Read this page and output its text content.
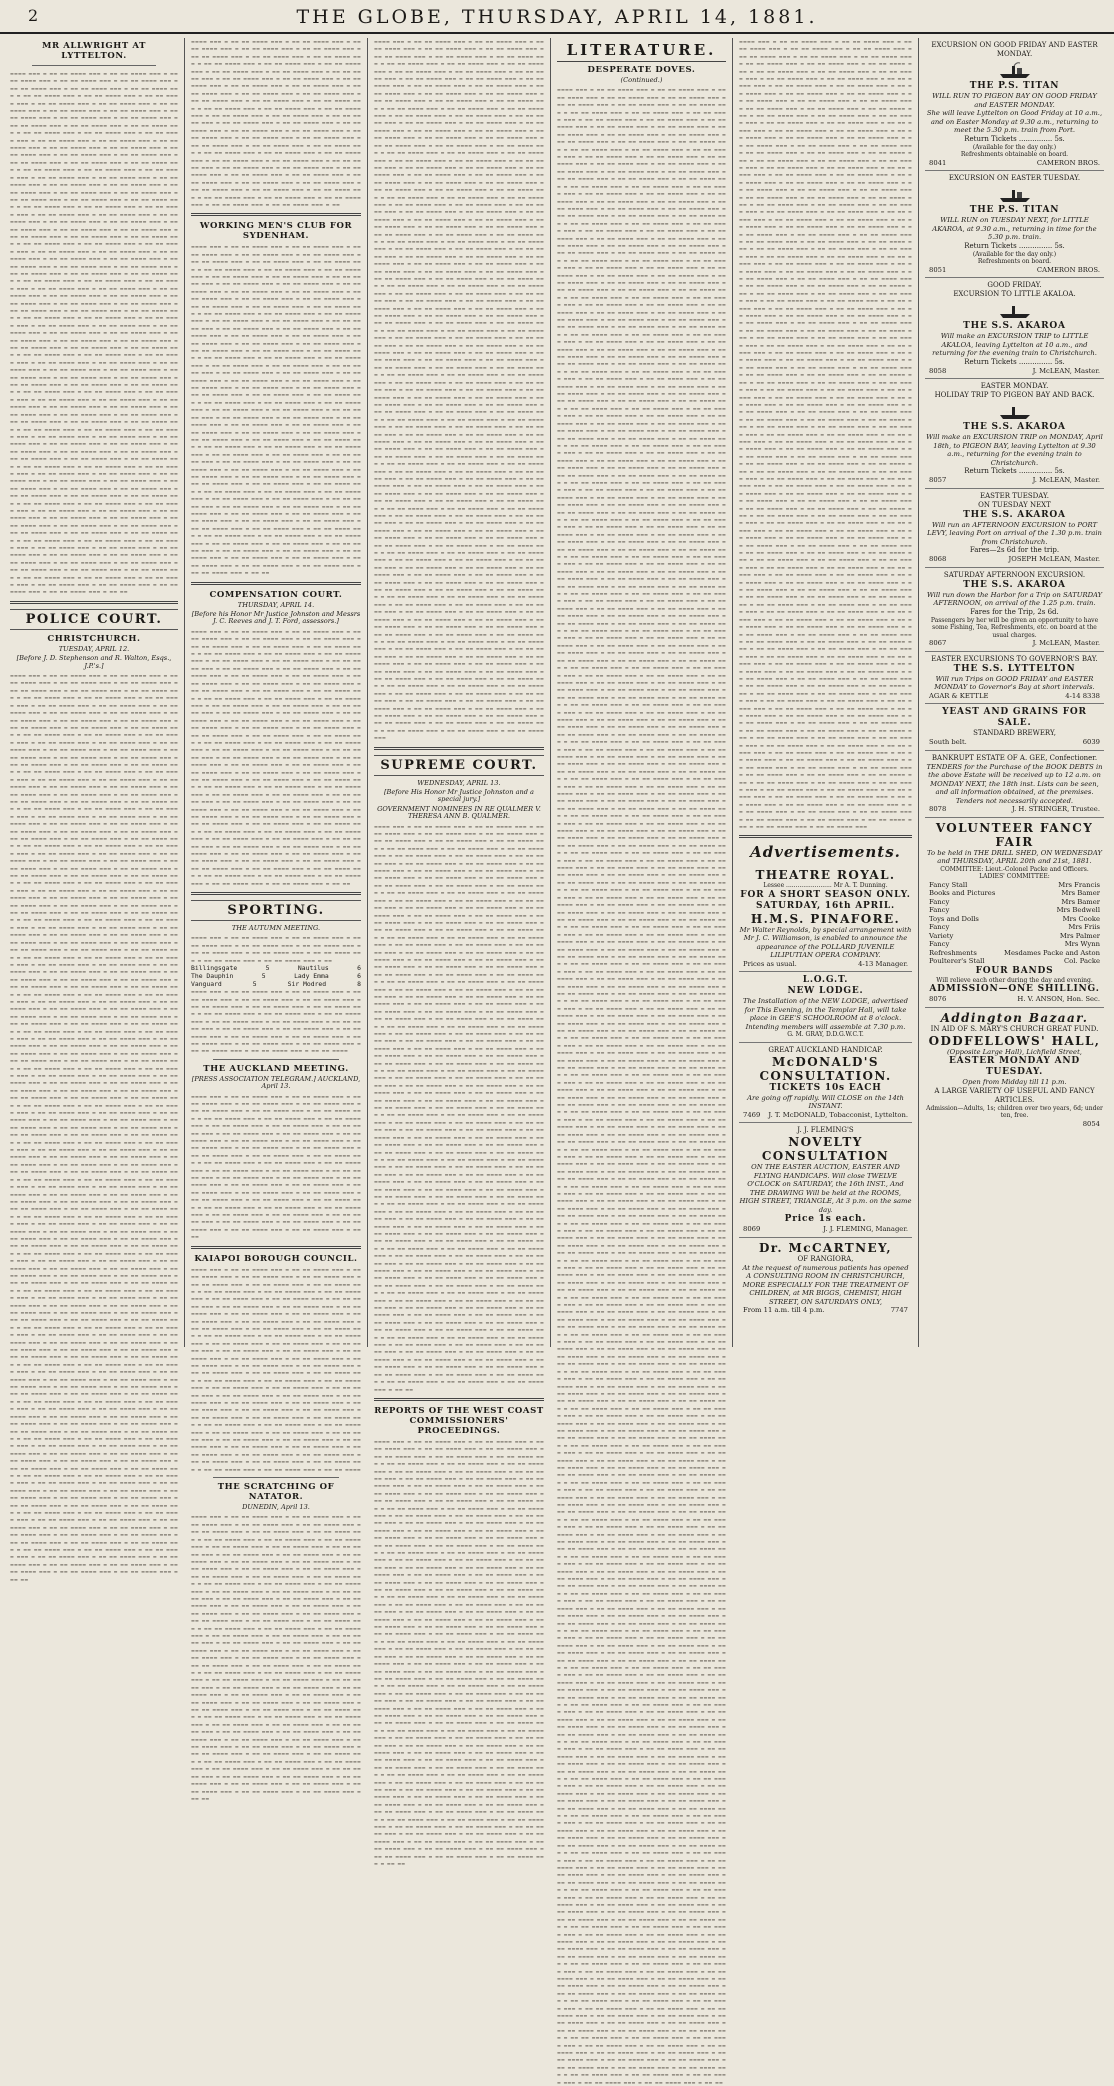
2	THE GLOBE, THURSDAY, APRIL 14, 1881.
MR ALLWRIGHT AT LYTTELTON.
▬▬▬▬ ▬▬▬ ▬ ▬▬ ▬▬ ▬▬▬▬ ▬▬▬ ▬ ▬▬ ▬▬ ▬▬▬▬ ▬▬▬ ▬ ▬▬ ▬▬ ▬▬▬▬ ▬▬▬ ▬ ▬▬ ▬▬ ▬▬▬▬ ▬▬▬ ▬ ▬▬ ▬▬ ▬▬▬▬ ▬▬▬ ▬ ▬▬ ▬▬ ▬▬▬▬ ▬▬▬ ▬ ▬▬ ▬▬ ▬▬▬▬ ▬▬▬ ▬ ▬▬ ▬▬ ▬▬▬▬ ▬▬▬ ▬ ▬▬ ▬▬ ▬▬▬▬ ▬▬▬ ▬ ▬▬ ▬▬ ▬▬▬▬ ▬▬▬ ▬ ▬▬ ▬▬ ▬▬▬▬ ▬▬▬ ▬ ▬▬ ▬▬ ▬▬▬▬ ▬▬▬ ▬ ▬▬ ▬▬ ▬▬▬▬ ▬▬▬ ▬ ▬▬ ▬▬ ▬▬▬▬ ▬▬▬ ▬ ▬▬ ▬▬ ▬▬▬▬ ▬▬▬ ▬ ▬▬ ▬▬ ▬▬▬▬ ▬▬▬ ▬ ▬▬ ▬▬ ▬▬▬▬ ▬▬▬ ▬ ▬▬ ▬▬ ▬▬▬▬ ▬▬▬ ▬ ▬▬ ▬▬ ▬▬▬▬ ▬▬▬ ▬ ▬▬ ▬▬ ▬▬▬▬ ▬▬▬ ▬ ▬▬ ▬▬ ▬▬▬▬ ▬▬▬ ▬ ▬▬ ▬▬ ▬▬▬▬ ▬▬▬ ▬ ▬▬ ▬▬ ▬▬▬▬ ▬▬▬ ▬ ▬▬ ▬▬ ▬▬▬▬ ▬▬▬ ▬ ▬▬ ▬▬ ▬▬▬▬ ▬▬▬ ▬ ▬▬ ▬▬ ▬▬▬▬ ▬▬▬ ▬ ▬▬ ▬▬ ▬▬▬▬ ▬▬▬ ▬ ▬▬ ▬▬ ▬▬▬▬ ▬▬▬ ▬ ▬▬ ▬▬ ▬▬▬▬ ▬▬▬ ▬ ▬▬ ▬▬ ▬▬▬▬ ▬▬▬ ▬ ▬▬ ▬▬ ▬▬▬▬ ▬▬▬ ▬ ▬▬ ▬▬ ▬▬▬▬ ▬▬▬ ▬ ▬▬ ▬▬ ▬▬▬▬ ▬▬▬ ▬ ▬▬ ▬▬ ▬▬▬▬ ▬▬▬ ▬ ▬▬ ▬▬ ▬▬▬▬ ▬▬▬ ▬ ▬▬ ▬▬ ▬▬▬▬ ▬▬▬ ▬ ▬▬ ▬▬ ▬▬▬▬ ▬▬▬ ▬ ▬▬ ▬▬ ▬▬▬▬ ▬▬▬ ▬ ▬▬ ▬▬ ▬▬▬▬ ▬▬▬ ▬ ▬▬ ▬▬ ▬▬▬▬ ▬▬▬ ▬ ▬▬ ▬▬ ▬▬▬▬ ▬▬▬ ▬ ▬▬ ▬▬ ▬▬▬▬ ▬▬▬ ▬ ▬▬ ▬▬ ▬▬▬▬ ▬▬▬ ▬ ▬▬ ▬▬ ▬▬▬▬ ▬▬▬ ▬ ▬▬ ▬▬ ▬▬▬▬ ▬▬▬ ▬ ▬▬ ▬▬ ▬▬▬▬ ▬▬▬ ▬ ▬▬ ▬▬ ▬▬▬▬ ▬▬▬ ▬ ▬▬ ▬▬ ▬▬▬▬ ▬▬▬ ▬ ▬▬ ▬▬ ▬▬▬▬ ▬▬▬ ▬ ▬▬ ▬▬ ▬▬▬▬ ▬▬▬ ▬ ▬▬ ▬▬ ▬▬▬▬ ▬▬▬ ▬ ▬▬ ▬▬ ▬▬▬▬ ▬▬▬ ▬ ▬▬ ▬▬ ▬▬▬▬ ▬▬▬ ▬ ▬▬ ▬▬ ▬▬▬▬ ▬▬▬ ▬ ▬▬ ▬▬ ▬▬▬▬ ▬▬▬ ▬ ▬▬ ▬▬ ▬▬▬▬ ▬▬▬ ▬ ▬▬ ▬▬ ▬▬▬▬ ▬▬▬ ▬ ▬▬ ▬▬ ▬▬▬▬ ▬▬▬ ▬ ▬▬ ▬▬ ▬▬▬▬ ▬▬▬ ▬ ▬▬ ▬▬ ▬▬▬▬ ▬▬▬ ▬ ▬▬ ▬▬ ▬▬▬▬ ▬▬▬ ▬ ▬▬ ▬▬ ▬▬▬▬ ▬▬▬ ▬ ▬▬ ▬▬ ▬▬▬▬ ▬▬▬ ▬ ▬▬ ▬▬ ▬▬▬▬ ▬▬▬ ▬ ▬▬ ▬▬ ▬▬▬▬ ▬▬▬ ▬ ▬▬ ▬▬ ▬▬▬▬ ▬▬▬ ▬ ▬▬ ▬▬ ▬▬▬▬ ▬▬▬ ▬ ▬▬ ▬▬ ▬▬▬▬ ▬▬▬ ▬ ▬▬ ▬▬ ▬▬▬▬ ▬▬▬ ▬ ▬▬ ▬▬ ▬▬▬▬ ▬▬▬ ▬ ▬▬ ▬▬ ▬▬▬▬ ▬▬▬ ▬ ▬▬ ▬▬ ▬▬▬▬ ▬▬▬ ▬ ▬▬ ▬▬ ▬▬▬▬ ▬▬▬ ▬ ▬▬ ▬▬ ▬▬▬▬ ▬▬▬ ▬ ▬▬ ▬▬ ▬▬▬▬ ▬▬▬ ▬ ▬▬ ▬▬ ▬▬▬▬ ▬▬▬ ▬ ▬▬ ▬▬ ▬▬▬▬ ▬▬▬ ▬ ▬▬ ▬▬ ▬▬▬▬ ▬▬▬ ▬ ▬▬ ▬▬ ▬▬▬▬ ▬▬▬ ▬ ▬▬ ▬▬ ▬▬▬▬ ▬▬▬ ▬ ▬▬ ▬▬ ▬▬▬▬ ▬▬▬ ▬ ▬▬ ▬▬ ▬▬▬▬ ▬▬▬ ▬ ▬▬ ▬▬ ▬▬▬▬ ▬▬▬ ▬ ▬▬ ▬▬ ▬▬▬▬ ▬▬▬ ▬ ▬▬ ▬▬ ▬▬▬▬ ▬▬▬ ▬ ▬▬ ▬▬ ▬▬▬▬ ▬▬▬ ▬ ▬▬ ▬▬ ▬▬▬▬ ▬▬▬ ▬ ▬▬ ▬▬ ▬▬▬▬ ▬▬▬ ▬ ▬▬ ▬▬ ▬▬▬▬ ▬▬▬ ▬ ▬▬ ▬▬ ▬▬▬▬ ▬▬▬ ▬ ▬▬ ▬▬ ▬▬▬▬ ▬▬▬ ▬ ▬▬ ▬▬ ▬▬▬▬ ▬▬▬ ▬ ▬▬ ▬▬ ▬▬▬▬ ▬▬▬ ▬ ▬▬ ▬▬ ▬▬▬▬ ▬▬▬ ▬ ▬▬ ▬▬ ▬▬▬▬ ▬▬▬ ▬ ▬▬ ▬▬ ▬▬▬▬ ▬▬▬ ▬ ▬▬ ▬▬ ▬▬▬▬ ▬▬▬ ▬ ▬▬ ▬▬ ▬▬▬▬ ▬▬▬ ▬ ▬▬ ▬▬ ▬▬▬▬ ▬▬▬ ▬ ▬▬ ▬▬ ▬▬▬▬ ▬▬▬ ▬ ▬▬ ▬▬ ▬▬▬▬ ▬▬▬ ▬ ▬▬ ▬▬ ▬▬▬▬ ▬▬▬ ▬ ▬▬ ▬▬ ▬▬▬▬ ▬▬▬ ▬ ▬▬ ▬▬ ▬▬▬▬ ▬▬▬ ▬ ▬▬ ▬▬ ▬▬▬▬ ▬▬▬ ▬ ▬▬ ▬▬ ▬▬▬▬ ▬▬▬ ▬ ▬▬ ▬▬ ▬▬▬▬ ▬▬▬ ▬ ▬▬ ▬▬ ▬▬▬▬ ▬▬▬ ▬ ▬▬ ▬▬ ▬▬▬▬ ▬▬▬ ▬ ▬▬ ▬▬ ▬▬▬▬ ▬▬▬ ▬ ▬▬ ▬▬ ▬▬▬▬ ▬▬▬ ▬ ▬▬ ▬▬ ▬▬▬▬ ▬▬▬ ▬ ▬▬ ▬▬ ▬▬▬▬ ▬▬▬ ▬ ▬▬ ▬▬ ▬▬▬▬ ▬▬▬ ▬ ▬▬ ▬▬ ▬▬▬▬ ▬▬▬ ▬ ▬▬ ▬▬ ▬▬▬▬ ▬▬▬ ▬ ▬▬ ▬▬ ▬▬▬▬ ▬▬▬ ▬ ▬▬ ▬▬ ▬▬▬▬ ▬▬▬ ▬ ▬▬ ▬▬ ▬▬▬▬ ▬▬▬ ▬ ▬▬ ▬▬ ▬▬▬▬ ▬▬▬ ▬ ▬▬ ▬▬ ▬▬▬▬ ▬▬▬ ▬ ▬▬ ▬▬ ▬▬▬▬ ▬▬▬ ▬ ▬▬ ▬▬ ▬▬▬▬ ▬▬▬ ▬ ▬▬ ▬▬ ▬▬▬▬ ▬▬▬ ▬ ▬▬ ▬▬ ▬▬▬▬ ▬▬▬ ▬ ▬▬ ▬▬ ▬▬▬▬ ▬▬▬ ▬ ▬▬ ▬▬ ▬▬▬▬ ▬▬▬ ▬ ▬▬ ▬▬ ▬▬▬▬ ▬▬▬ ▬ ▬▬ ▬▬ ▬▬▬▬ ▬▬▬ ▬ ▬▬ ▬▬ ▬▬▬▬ ▬▬▬ ▬ ▬▬ ▬▬ ▬▬▬▬ ▬▬▬ ▬ ▬▬ ▬▬ ▬▬▬▬ ▬▬▬ ▬ ▬▬ ▬▬ ▬▬▬▬ ▬▬▬ ▬ ▬▬ ▬▬ ▬▬▬▬ ▬▬▬ ▬ ▬▬ ▬▬ ▬▬▬▬ ▬▬▬ ▬ ▬▬ ▬▬ ▬▬▬▬ ▬▬▬ ▬ ▬▬ ▬▬ ▬▬▬▬ ▬▬▬ ▬ ▬▬ ▬▬ ▬▬▬▬ ▬▬▬ ▬ ▬▬ ▬▬ ▬▬▬▬ ▬▬▬ ▬ ▬▬ ▬▬ ▬▬▬▬ ▬▬▬ ▬ ▬▬ ▬▬ ▬▬▬▬ ▬▬▬ ▬ ▬▬ ▬▬ ▬▬▬▬ ▬▬▬ ▬ ▬▬ ▬▬ ▬▬▬▬ ▬▬▬ ▬ ▬▬ ▬▬ ▬▬▬▬ ▬▬▬ ▬ ▬▬ ▬▬ ▬▬▬▬ ▬▬▬ ▬ ▬▬ ▬▬ ▬▬▬▬ ▬▬▬ ▬ ▬▬ ▬▬ ▬▬▬▬ ▬▬▬ ▬ ▬▬ ▬▬ ▬▬▬▬ ▬▬▬ ▬ ▬▬ ▬▬ ▬▬▬▬ ▬▬▬ ▬ ▬▬ ▬▬ ▬▬▬▬ ▬▬▬ ▬ ▬▬ ▬▬ ▬▬▬▬ ▬▬▬ ▬ ▬▬ ▬▬ ▬▬▬▬ ▬▬▬ ▬ ▬▬ ▬▬ ▬▬▬▬ ▬▬▬ ▬ ▬▬ ▬▬ ▬▬▬▬ ▬▬▬ ▬ ▬▬ ▬▬ ▬▬▬▬ ▬▬▬ ▬ ▬▬ ▬▬ ▬▬▬▬ ▬▬▬ ▬ ▬▬ ▬▬ ▬▬▬▬ ▬▬▬ ▬ ▬▬ ▬▬ ▬▬▬▬ ▬▬▬ ▬ ▬▬ ▬▬ ▬▬▬▬ ▬▬▬ ▬ ▬▬ ▬▬ ▬▬▬▬ ▬▬▬ ▬ ▬▬ ▬▬ ▬▬▬▬ ▬▬▬ ▬ ▬▬ ▬▬ ▬▬▬▬ ▬▬▬ ▬ ▬▬ ▬▬ ▬▬▬▬ ▬▬▬ ▬ ▬▬ ▬▬ ▬▬▬▬ ▬▬▬ ▬ ▬▬ ▬▬ ▬▬▬▬ ▬▬▬ ▬ ▬▬ ▬▬ ▬▬▬▬ ▬▬▬ ▬ ▬▬ ▬▬ ▬▬▬▬ ▬▬▬ ▬ ▬▬ ▬▬ ▬▬▬▬ ▬▬▬ ▬ ▬▬ ▬▬ ▬▬▬▬ ▬▬▬ ▬ ▬▬ ▬▬ ▬▬▬▬ ▬▬▬ ▬ ▬▬ ▬▬ ▬▬▬▬ ▬▬▬ ▬ ▬▬ ▬▬ ▬▬▬▬ ▬▬▬ ▬ ▬▬ ▬▬ ▬▬▬▬ ▬▬▬ ▬ ▬▬ ▬▬ ▬▬▬▬ ▬▬▬ ▬ ▬▬ ▬▬ ▬▬▬▬ ▬▬▬ ▬ ▬▬ ▬▬ ▬▬▬▬ ▬▬▬ ▬ ▬▬ ▬▬ ▬▬▬▬ ▬▬▬ ▬ ▬▬ ▬▬ ▬▬▬▬ ▬▬▬ ▬ ▬▬ ▬▬ ▬▬▬▬ ▬▬▬ ▬ ▬▬ ▬▬ ▬▬▬▬ ▬▬▬ ▬ ▬▬ ▬▬ ▬▬▬▬ ▬▬▬ ▬ ▬▬ ▬▬ ▬▬▬▬ ▬▬▬ ▬ ▬▬ ▬▬ ▬▬▬▬ ▬▬▬ ▬ ▬▬ ▬▬ ▬▬▬▬ ▬▬▬ ▬ ▬▬ ▬▬ ▬▬▬▬ ▬▬▬ ▬ ▬▬ ▬▬ ▬▬▬▬ ▬▬▬ ▬ ▬▬ ▬▬ ▬▬▬▬ ▬▬▬ ▬ ▬▬ ▬▬ ▬▬▬▬ ▬▬▬ ▬ ▬▬ ▬▬ ▬▬▬▬ ▬▬▬ ▬ ▬▬ ▬▬ ▬▬▬▬ ▬▬▬ ▬ ▬▬ ▬▬ ▬▬▬▬ ▬▬▬ ▬ ▬▬ ▬▬ ▬▬▬▬ ▬▬▬ ▬ ▬▬ ▬▬ ▬▬▬▬ ▬▬▬ ▬ ▬▬ ▬▬ ▬▬▬▬ ▬▬▬ ▬ ▬▬ ▬▬ ▬▬▬▬ ▬▬▬ ▬ ▬▬ ▬▬ ▬▬▬▬ ▬▬▬ ▬ ▬▬ ▬▬ ▬▬▬▬ ▬▬▬ ▬ ▬▬ ▬▬
POLICE COURT.
CHRISTCHURCH.
TUESDAY, APRIL 12.
[Before J. D. Stephenson and R. Walton, Esqs., J.P.'s.]
▬▬▬▬ ▬▬▬ ▬ ▬▬ ▬▬ ▬▬▬▬ ▬▬▬ ▬ ▬▬ ▬▬ ▬▬▬▬ ▬▬▬ ▬ ▬▬ ▬▬ ▬▬▬▬ ▬▬▬ ▬ ▬▬ ▬▬ ▬▬▬▬ ▬▬▬ ▬ ▬▬ ▬▬ ▬▬▬▬ ▬▬▬ ▬ ▬▬ ▬▬ ▬▬▬▬ ▬▬▬ ▬ ▬▬ ▬▬ ▬▬▬▬ ▬▬▬ ▬ ▬▬ ▬▬ ▬▬▬▬ ▬▬▬ ▬ ▬▬ ▬▬ ▬▬▬▬ ▬▬▬ ▬ ▬▬ ▬▬ ▬▬▬▬ ▬▬▬ ▬ ▬▬ ▬▬ ▬▬▬▬ ▬▬▬ ▬ ▬▬ ▬▬ ▬▬▬▬ ▬▬▬ ▬ ▬▬ ▬▬ ▬▬▬▬ ▬▬▬ ▬ ▬▬ ▬▬ ▬▬▬▬ ▬▬▬ ▬ ▬▬ ▬▬ ▬▬▬▬ ▬▬▬ ▬ ▬▬ ▬▬ ▬▬▬▬ ▬▬▬ ▬ ▬▬ ▬▬ ▬▬▬▬ ▬▬▬ ▬ ▬▬ ▬▬ ▬▬▬▬ ▬▬▬ ▬ ▬▬ ▬▬ ▬▬▬▬ ▬▬▬ ▬ ▬▬ ▬▬ ▬▬▬▬ ▬▬▬ ▬ ▬▬ ▬▬ ▬▬▬▬ ▬▬▬ ▬ ▬▬ ▬▬ ▬▬▬▬ ▬▬▬ ▬ ▬▬ ▬▬ ▬▬▬▬ ▬▬▬ ▬ ▬▬ ▬▬ ▬▬▬▬ ▬▬▬ ▬ ▬▬ ▬▬ ▬▬▬▬ ▬▬▬ ▬ ▬▬ ▬▬ ▬▬▬▬ ▬▬▬ ▬ ▬▬ ▬▬ ▬▬▬▬ ▬▬▬ ▬ ▬▬ ▬▬ ▬▬▬▬ ▬▬▬ ▬ ▬▬ ▬▬ ▬▬▬▬ ▬▬▬ ▬ ▬▬ ▬▬ ▬▬▬▬ ▬▬▬ ▬ ▬▬ ▬▬ ▬▬▬▬ ▬▬▬ ▬ ▬▬ ▬▬ ▬▬▬▬ ▬▬▬ ▬ ▬▬ ▬▬ ▬▬▬▬ ▬▬▬ ▬ ▬▬ ▬▬ ▬▬▬▬ ▬▬▬ ▬ ▬▬ ▬▬ ▬▬▬▬ ▬▬▬ ▬ ▬▬ ▬▬ ▬▬▬▬ ▬▬▬ ▬ ▬▬ ▬▬ ▬▬▬▬ ▬▬▬ ▬ ▬▬ ▬▬ ▬▬▬▬ ▬▬▬ ▬ ▬▬ ▬▬ ▬▬▬▬ ▬▬▬ ▬ ▬▬ ▬▬ ▬▬▬▬ ▬▬▬ ▬ ▬▬ ▬▬ ▬▬▬▬ ▬▬▬ ▬ ▬▬ ▬▬ ▬▬▬▬ ▬▬▬ ▬ ▬▬ ▬▬ ▬▬▬▬ ▬▬▬ ▬ ▬▬ ▬▬ ▬▬▬▬ ▬▬▬ ▬ ▬▬ ▬▬ ▬▬▬▬ ▬▬▬ ▬ ▬▬ ▬▬ ▬▬▬▬ ▬▬▬ ▬ ▬▬ ▬▬ ▬▬▬▬ ▬▬▬ ▬ ▬▬ ▬▬ ▬▬▬▬ ▬▬▬ ▬ ▬▬ ▬▬ ▬▬▬▬ ▬▬▬ ▬ ▬▬ ▬▬ ▬▬▬▬ ▬▬▬ ▬ ▬▬ ▬▬ ▬▬▬▬ ▬▬▬ ▬ ▬▬ ▬▬ ▬▬▬▬ ▬▬▬ ▬ ▬▬ ▬▬ ▬▬▬▬ ▬▬▬ ▬ ▬▬ ▬▬ ▬▬▬▬ ▬▬▬ ▬ ▬▬ ▬▬ ▬▬▬▬ ▬▬▬ ▬ ▬▬ ▬▬ ▬▬▬▬ ▬▬▬ ▬ ▬▬ ▬▬ ▬▬▬▬ ▬▬▬ ▬ ▬▬ ▬▬ ▬▬▬▬ ▬▬▬ ▬ ▬▬ ▬▬ ▬▬▬▬ ▬▬▬ ▬ ▬▬ ▬▬ ▬▬▬▬ ▬▬▬ ▬ ▬▬ ▬▬ ▬▬▬▬ ▬▬▬ ▬ ▬▬ ▬▬ ▬▬▬▬ ▬▬▬ ▬ ▬▬ ▬▬ ▬▬▬▬ ▬▬▬ ▬ ▬▬ ▬▬ ▬▬▬▬ ▬▬▬ ▬ ▬▬ ▬▬ ▬▬▬▬ ▬▬▬ ▬ ▬▬ ▬▬ ▬▬▬▬ ▬▬▬ ▬ ▬▬ ▬▬ ▬▬▬▬ ▬▬▬ ▬ ▬▬ ▬▬ ▬▬▬▬ ▬▬▬ ▬ ▬▬ ▬▬ ▬▬▬▬ ▬▬▬ ▬ ▬▬ ▬▬ ▬▬▬▬ ▬▬▬ ▬ ▬▬ ▬▬ ▬▬▬▬ ▬▬▬ ▬ ▬▬ ▬▬ ▬▬▬▬ ▬▬▬ ▬ ▬▬ ▬▬ ▬▬▬▬ ▬▬▬ ▬ ▬▬ ▬▬ ▬▬▬▬ ▬▬▬ ▬ ▬▬ ▬▬ ▬▬▬▬ ▬▬▬ ▬ ▬▬ ▬▬ ▬▬▬▬ ▬▬▬ ▬ ▬▬ ▬▬ ▬▬▬▬ ▬▬▬ ▬ ▬▬ ▬▬ ▬▬▬▬ ▬▬▬ ▬ ▬▬ ▬▬ ▬▬▬▬ ▬▬▬ ▬ ▬▬ ▬▬ ▬▬▬▬ ▬▬▬ ▬ ▬▬ ▬▬ ▬▬▬▬ ▬▬▬ ▬ ▬▬ ▬▬ ▬▬▬▬ ▬▬▬ ▬ ▬▬ ▬▬ ▬▬▬▬ ▬▬▬ ▬ ▬▬ ▬▬ ▬▬▬▬ ▬▬▬ ▬ ▬▬ ▬▬ ▬▬▬▬ ▬▬▬ ▬ ▬▬ ▬▬ ▬▬▬▬ ▬▬▬ ▬ ▬▬ ▬▬ ▬▬▬▬ ▬▬▬ ▬ ▬▬ ▬▬ ▬▬▬▬ ▬▬▬ ▬ ▬▬ ▬▬ ▬▬▬▬ ▬▬▬ ▬ ▬▬ ▬▬ ▬▬▬▬ ▬▬▬ ▬ ▬▬ ▬▬ ▬▬▬▬ ▬▬▬ ▬ ▬▬ ▬▬ ▬▬▬▬ ▬▬▬ ▬ ▬▬ ▬▬ ▬▬▬▬ ▬▬▬ ▬ ▬▬ ▬▬ ▬▬▬▬ ▬▬▬ ▬ ▬▬ ▬▬ ▬▬▬▬ ▬▬▬ ▬ ▬▬ ▬▬ ▬▬▬▬ ▬▬▬ ▬ ▬▬ ▬▬ ▬▬▬▬ ▬▬▬ ▬ ▬▬ ▬▬ ▬▬▬▬ ▬▬▬ ▬ ▬▬ ▬▬ ▬▬▬▬ ▬▬▬ ▬ ▬▬ ▬▬ ▬▬▬▬ ▬▬▬ ▬ ▬▬ ▬▬ ▬▬▬▬ ▬▬▬ ▬ ▬▬ ▬▬ ▬▬▬▬ ▬▬▬ ▬ ▬▬ ▬▬ ▬▬▬▬ ▬▬▬ ▬ ▬▬ ▬▬ ▬▬▬▬ ▬▬▬ ▬ ▬▬ ▬▬ ▬▬▬▬ ▬▬▬ ▬ ▬▬ ▬▬ ▬▬▬▬ ▬▬▬ ▬ ▬▬ ▬▬ ▬▬▬▬ ▬▬▬ ▬ ▬▬ ▬▬ ▬▬▬▬ ▬▬▬ ▬ ▬▬ ▬▬ ▬▬▬▬ ▬▬▬ ▬ ▬▬ ▬▬ ▬▬▬▬ ▬▬▬ ▬ ▬▬ ▬▬ ▬▬▬▬ ▬▬▬ ▬ ▬▬ ▬▬ ▬▬▬▬ ▬▬▬ ▬ ▬▬ ▬▬ ▬▬▬▬ ▬▬▬ ▬ ▬▬ ▬▬ ▬▬▬▬ ▬▬▬ ▬ ▬▬ ▬▬ ▬▬▬▬ ▬▬▬ ▬ ▬▬ ▬▬ ▬▬▬▬ ▬▬▬ ▬ ▬▬ ▬▬ ▬▬▬▬ ▬▬▬ ▬ ▬▬ ▬▬ ▬▬▬▬ ▬▬▬ ▬ ▬▬ ▬▬ ▬▬▬▬ ▬▬▬ ▬ ▬▬ ▬▬ ▬▬▬▬ ▬▬▬ ▬ ▬▬ ▬▬ ▬▬▬▬ ▬▬▬ ▬ ▬▬ ▬▬ ▬▬▬▬ ▬▬▬ ▬ ▬▬ ▬▬ ▬▬▬▬ ▬▬▬ ▬ ▬▬ ▬▬ ▬▬▬▬ ▬▬▬ ▬ ▬▬ ▬▬ ▬▬▬▬ ▬▬▬ ▬ ▬▬ ▬▬ ▬▬▬▬ ▬▬▬ ▬ ▬▬ ▬▬ ▬▬▬▬ ▬▬▬ ▬ ▬▬ ▬▬ ▬▬▬▬ ▬▬▬ ▬ ▬▬ ▬▬ ▬▬▬▬ ▬▬▬ ▬ ▬▬ ▬▬ ▬▬▬▬ ▬▬▬ ▬ ▬▬ ▬▬ ▬▬▬▬ ▬▬▬ ▬ ▬▬ ▬▬ ▬▬▬▬ ▬▬▬ ▬ ▬▬ ▬▬ ▬▬▬▬ ▬▬▬ ▬ ▬▬ ▬▬ ▬▬▬▬ ▬▬▬ ▬ ▬▬ ▬▬ ▬▬▬▬ ▬▬▬ ▬ ▬▬ ▬▬ ▬▬▬▬ ▬▬▬ ▬ ▬▬ ▬▬ ▬▬▬▬ ▬▬▬ ▬ ▬▬ ▬▬ ▬▬▬▬ ▬▬▬ ▬ ▬▬ ▬▬ ▬▬▬▬ ▬▬▬ ▬ ▬▬ ▬▬ ▬▬▬▬ ▬▬▬ ▬ ▬▬ ▬▬ ▬▬▬▬ ▬▬▬ ▬ ▬▬ ▬▬ ▬▬▬▬ ▬▬▬ ▬ ▬▬ ▬▬ ▬▬▬▬ ▬▬▬ ▬ ▬▬ ▬▬ ▬▬▬▬ ▬▬▬ ▬ ▬▬ ▬▬ ▬▬▬▬ ▬▬▬ ▬ ▬▬ ▬▬ ▬▬▬▬ ▬▬▬ ▬ ▬▬ ▬▬ ▬▬▬▬ ▬▬▬ ▬ ▬▬ ▬▬ ▬▬▬▬ ▬▬▬ ▬ ▬▬ ▬▬ ▬▬▬▬ ▬▬▬ ▬ ▬▬ ▬▬ ▬▬▬▬ ▬▬▬ ▬ ▬▬ ▬▬ ▬▬▬▬ ▬▬▬ ▬ ▬▬ ▬▬ ▬▬▬▬ ▬▬▬ ▬ ▬▬ ▬▬ ▬▬▬▬ ▬▬▬ ▬ ▬▬ ▬▬ ▬▬▬▬ ▬▬▬ ▬ ▬▬ ▬▬ ▬▬▬▬ ▬▬▬ ▬ ▬▬ ▬▬ ▬▬▬▬ ▬▬▬ ▬ ▬▬ ▬▬ ▬▬▬▬ ▬▬▬ ▬ ▬▬ ▬▬ ▬▬▬▬ ▬▬▬ ▬ ▬▬ ▬▬ ▬▬▬▬ ▬▬▬ ▬ ▬▬ ▬▬ ▬▬▬▬ ▬▬▬ ▬ ▬▬ ▬▬ ▬▬▬▬ ▬▬▬ ▬ ▬▬ ▬▬ ▬▬▬▬ ▬▬▬ ▬ ▬▬ ▬▬ ▬▬▬▬ ▬▬▬ ▬ ▬▬ ▬▬ ▬▬▬▬ ▬▬▬ ▬ ▬▬ ▬▬ ▬▬▬▬ ▬▬▬ ▬ ▬▬ ▬▬ ▬▬▬▬ ▬▬▬ ▬ ▬▬ ▬▬ ▬▬▬▬ ▬▬▬ ▬ ▬▬ ▬▬ ▬▬▬▬ ▬▬▬ ▬ ▬▬ ▬▬ ▬▬▬▬ ▬▬▬ ▬ ▬▬ ▬▬ ▬▬▬▬ ▬▬▬ ▬ ▬▬ ▬▬ ▬▬▬▬ ▬▬▬ ▬ ▬▬ ▬▬ ▬▬▬▬ ▬▬▬ ▬ ▬▬ ▬▬ ▬▬▬▬ ▬▬▬ ▬ ▬▬ ▬▬ ▬▬▬▬ ▬▬▬ ▬ ▬▬ ▬▬ ▬▬▬▬ ▬▬▬ ▬ ▬▬ ▬▬ ▬▬▬▬ ▬▬▬ ▬ ▬▬ ▬▬ ▬▬▬▬ ▬▬▬ ▬ ▬▬ ▬▬ ▬▬▬▬ ▬▬▬ ▬ ▬▬ ▬▬ ▬▬▬▬ ▬▬▬ ▬ ▬▬ ▬▬ ▬▬▬▬ ▬▬▬ ▬ ▬▬ ▬▬ ▬▬▬▬ ▬▬▬ ▬ ▬▬ ▬▬ ▬▬▬▬ ▬▬▬ ▬ ▬▬ ▬▬ ▬▬▬▬ ▬▬▬ ▬ ▬▬ ▬▬ ▬▬▬▬ ▬▬▬ ▬ ▬▬ ▬▬ ▬▬▬▬ ▬▬▬ ▬ ▬▬ ▬▬ ▬▬▬▬ ▬▬▬ ▬ ▬▬ ▬▬ ▬▬▬▬ ▬▬▬ ▬ ▬▬ ▬▬ ▬▬▬▬ ▬▬▬ ▬ ▬▬ ▬▬ ▬▬▬▬ ▬▬▬ ▬ ▬▬ ▬▬ ▬▬▬▬ ▬▬▬ ▬ ▬▬ ▬▬ ▬▬▬▬ ▬▬▬ ▬ ▬▬ ▬▬ ▬▬▬▬ ▬▬▬ ▬ ▬▬ ▬▬ ▬▬▬▬ ▬▬▬ ▬ ▬▬ ▬▬ ▬▬▬▬ ▬▬▬ ▬ ▬▬ ▬▬ ▬▬▬▬ ▬▬▬ ▬ ▬▬ ▬▬ ▬▬▬▬ ▬▬▬ ▬ ▬▬ ▬▬ ▬▬▬▬ ▬▬▬ ▬ ▬▬ ▬▬ ▬▬▬▬ ▬▬▬ ▬ ▬▬ ▬▬ ▬▬▬▬ ▬▬▬ ▬ ▬▬ ▬▬ ▬▬▬▬ ▬▬▬ ▬ ▬▬ ▬▬ ▬▬▬▬ ▬▬▬ ▬ ▬▬ ▬▬ ▬▬▬▬ ▬▬▬ ▬ ▬▬ ▬▬ ▬▬▬▬ ▬▬▬ ▬ ▬▬ ▬▬ ▬▬▬▬ ▬▬▬ ▬ ▬▬ ▬▬ ▬▬▬▬ ▬▬▬ ▬ ▬▬ ▬▬ ▬▬▬▬ ▬▬▬ ▬ ▬▬ ▬▬ ▬▬▬▬ ▬▬▬ ▬ ▬▬ ▬▬ ▬▬▬▬ ▬▬▬ ▬ ▬▬ ▬▬ ▬▬▬▬ ▬▬▬ ▬ ▬▬ ▬▬ ▬▬▬▬ ▬▬▬ ▬ ▬▬ ▬▬ ▬▬▬▬ ▬▬▬ ▬ ▬▬ ▬▬ ▬▬▬▬ ▬▬▬ ▬ ▬▬ ▬▬ ▬▬▬▬ ▬▬▬ ▬ ▬▬ ▬▬ ▬▬▬▬ ▬▬▬ ▬ ▬▬ ▬▬ ▬▬▬▬ ▬▬▬ ▬ ▬▬ ▬▬ ▬▬▬▬ ▬▬▬ ▬ ▬▬ ▬▬ ▬▬▬▬ ▬▬▬ ▬ ▬▬ ▬▬ ▬▬▬▬ ▬▬▬ ▬ ▬▬ ▬▬ ▬▬▬▬ ▬▬▬ ▬ ▬▬ ▬▬ ▬▬▬▬ ▬▬▬ ▬ ▬▬ ▬▬ ▬▬▬▬ ▬▬▬ ▬ ▬▬ ▬▬ ▬▬▬▬ ▬▬▬ ▬ ▬▬ ▬▬ ▬▬▬▬ ▬▬▬ ▬ ▬▬ ▬▬ ▬▬▬▬ ▬▬▬ ▬ ▬▬ ▬▬ ▬▬▬▬ ▬▬▬ ▬ ▬▬ ▬▬ ▬▬▬▬ ▬▬▬ ▬ ▬▬ ▬▬ ▬▬▬▬ ▬▬▬ ▬ ▬▬ ▬▬ ▬▬▬▬ ▬▬▬ ▬ ▬▬ ▬▬ ▬▬▬▬ ▬▬▬ ▬ ▬▬ ▬▬ ▬▬▬▬ ▬▬▬ ▬ ▬▬ ▬▬ ▬▬▬▬ ▬▬▬ ▬ ▬▬ ▬▬ ▬▬▬▬ ▬▬▬ ▬ ▬▬ ▬▬ ▬▬▬▬ ▬▬▬ ▬ ▬▬ ▬▬ ▬▬▬▬ ▬▬▬ ▬ ▬▬ ▬▬ ▬▬▬▬ ▬▬▬ ▬ ▬▬ ▬▬ ▬▬▬▬ ▬▬▬ ▬ ▬▬ ▬▬ ▬▬▬▬ ▬▬▬ ▬ ▬▬ ▬▬ ▬▬▬▬ ▬▬▬ ▬ ▬▬ ▬▬ ▬▬▬▬ ▬▬▬ ▬ ▬▬ ▬▬ ▬▬▬▬ ▬▬▬ ▬ ▬▬ ▬▬ ▬▬▬▬ ▬▬▬ ▬ ▬▬ ▬▬ ▬▬▬▬ ▬▬▬ ▬ ▬▬ ▬▬ ▬▬▬▬ ▬▬▬ ▬ ▬▬ ▬▬ ▬▬▬▬ ▬▬▬ ▬ ▬▬ ▬▬ ▬▬▬▬ ▬▬▬ ▬ ▬▬ ▬▬ ▬▬▬▬ ▬▬▬ ▬ ▬▬ ▬▬ ▬▬▬▬ ▬▬▬ ▬ ▬▬ ▬▬ ▬▬▬▬ ▬▬▬ ▬ ▬▬ ▬▬ ▬▬▬▬ ▬▬▬ ▬ ▬▬ ▬▬ ▬▬▬▬ ▬▬▬ ▬ ▬▬ ▬▬ ▬▬▬▬ ▬▬▬ ▬ ▬▬ ▬▬ ▬▬▬▬ ▬▬▬ ▬ ▬▬ ▬▬ ▬▬▬▬ ▬▬▬ ▬ ▬▬ ▬▬ ▬▬▬▬ ▬▬▬ ▬ ▬▬ ▬▬ ▬▬▬▬ ▬▬▬ ▬ ▬▬ ▬▬ ▬▬▬▬ ▬▬▬ ▬ ▬▬ ▬▬ ▬▬▬▬ ▬▬▬ ▬ ▬▬ ▬▬ ▬▬▬▬ ▬▬▬ ▬ ▬▬ ▬▬ ▬▬▬▬ ▬▬▬ ▬ ▬▬ ▬▬ ▬▬▬▬ ▬▬▬ ▬ ▬▬ ▬▬ ▬▬▬▬ ▬▬▬ ▬ ▬▬ ▬▬ ▬▬▬▬ ▬▬▬ ▬ ▬▬ ▬▬ ▬▬▬▬ ▬▬▬ ▬ ▬▬ ▬▬ ▬▬▬▬ ▬▬▬ ▬ ▬▬ ▬▬ ▬▬▬▬ ▬▬▬ ▬ ▬▬ ▬▬ ▬▬▬▬ ▬▬▬ ▬ ▬▬ ▬▬ ▬▬▬▬ ▬▬▬ ▬ ▬▬ ▬▬ ▬▬▬▬ ▬▬▬ ▬ ▬▬ ▬▬ ▬▬▬▬ ▬▬▬ ▬ ▬▬ ▬▬ ▬▬▬▬ ▬▬▬ ▬ ▬▬ ▬▬ ▬▬▬▬ ▬▬▬ ▬ ▬▬ ▬▬ ▬▬▬▬ ▬▬▬ ▬ ▬▬ ▬▬ ▬▬▬▬ ▬▬▬ ▬ ▬▬ ▬▬ ▬▬▬▬ ▬▬▬ ▬ ▬▬ ▬▬ ▬▬▬▬ ▬▬▬ ▬ ▬▬ ▬▬ ▬▬▬▬ ▬▬▬ ▬ ▬▬ ▬▬ ▬▬▬▬ ▬▬▬ ▬ ▬▬ ▬▬ ▬▬▬▬ ▬▬▬ ▬ ▬▬ ▬▬ ▬▬▬▬ ▬▬▬ ▬ ▬▬ ▬▬ ▬▬▬▬ ▬▬▬ ▬ ▬▬ ▬▬ ▬▬▬▬ ▬▬▬ ▬ ▬▬ ▬▬ ▬▬▬▬ ▬▬▬ ▬ ▬▬ ▬▬ ▬▬▬▬ ▬▬▬ ▬ ▬▬ ▬▬ ▬▬▬▬ ▬▬▬ ▬ ▬▬ ▬▬ ▬▬▬▬ ▬▬▬ ▬ ▬▬ ▬▬ ▬▬▬▬ ▬▬▬ ▬ ▬▬ ▬▬ ▬▬▬▬ ▬▬▬ ▬ ▬▬ ▬▬ ▬▬▬▬ ▬▬▬ ▬ ▬▬ ▬▬ ▬▬▬▬ ▬▬▬ ▬ ▬▬ ▬▬ ▬▬▬▬ ▬▬▬ ▬ ▬▬ ▬▬ ▬▬▬▬ ▬▬▬ ▬ ▬▬ ▬▬ ▬▬▬▬ ▬▬▬ ▬ ▬▬ ▬▬ ▬▬▬▬ ▬▬▬ ▬ ▬▬ ▬▬ ▬▬▬▬ ▬▬▬ ▬ ▬▬ ▬▬ ▬▬▬▬ ▬▬▬ ▬ ▬▬ ▬▬ ▬▬▬▬ ▬▬▬ ▬ ▬▬ ▬▬ ▬▬▬▬ ▬▬▬ ▬ ▬▬ ▬▬ ▬▬▬▬ ▬▬▬ ▬ ▬▬ ▬▬ ▬▬▬▬ ▬▬▬ ▬ ▬▬ ▬▬ ▬▬▬▬ ▬▬▬ ▬ ▬▬ ▬▬ ▬▬▬▬ ▬▬▬ ▬ ▬▬ ▬▬ ▬▬▬▬ ▬▬▬ ▬ ▬▬ ▬▬ ▬▬▬▬ ▬▬▬ ▬ ▬▬ ▬▬ ▬▬▬▬ ▬▬▬ ▬ ▬▬ ▬▬ ▬▬▬▬ ▬▬▬ ▬ ▬▬ ▬▬ ▬▬▬▬ ▬▬▬ ▬ ▬▬ ▬▬ ▬▬▬▬ ▬▬▬ ▬ ▬▬ ▬▬ ▬▬▬▬ ▬▬▬ ▬ ▬▬ ▬▬ ▬▬▬▬ ▬▬▬ ▬ ▬▬ ▬▬ ▬▬▬▬ ▬▬▬ ▬ ▬▬ ▬▬ ▬▬▬▬ ▬▬▬ ▬ ▬▬ ▬▬ ▬▬▬▬ ▬▬▬ ▬ ▬▬ ▬▬ ▬▬▬▬ ▬▬▬ ▬ ▬▬ ▬▬ ▬▬▬▬ ▬▬▬ ▬ ▬▬ ▬▬ ▬▬▬▬ ▬▬▬ ▬ ▬▬ ▬▬ ▬▬▬▬ ▬▬▬ ▬ ▬▬ ▬▬ ▬▬▬▬ ▬▬▬ ▬ ▬▬ ▬▬ ▬▬▬▬ ▬▬▬ ▬ ▬▬ ▬▬ ▬▬▬▬ ▬▬▬ ▬ ▬▬ ▬▬ ▬▬▬▬ ▬▬▬ ▬ ▬▬ ▬▬ ▬▬▬▬ ▬▬▬ ▬ ▬▬ ▬▬ ▬▬▬▬ ▬▬▬ ▬ ▬▬ ▬▬ ▬▬▬▬ ▬▬▬ ▬ ▬▬ ▬▬ ▬▬▬▬ ▬▬▬ ▬ ▬▬ ▬▬ ▬▬▬▬ ▬▬▬ ▬ ▬▬ ▬▬ ▬▬▬▬ ▬▬▬ ▬ ▬▬ ▬▬ ▬▬▬▬ ▬▬▬ ▬ ▬▬ ▬▬ ▬▬▬▬ ▬▬▬ ▬ ▬▬ ▬▬ ▬▬▬▬ ▬▬▬ ▬ ▬▬ ▬▬ ▬▬▬▬ ▬▬▬ ▬ ▬▬ ▬▬ ▬▬▬▬ ▬▬▬ ▬ ▬▬ ▬▬ ▬▬▬▬ ▬▬▬ ▬ ▬▬ ▬▬ ▬▬▬▬ ▬▬▬ ▬ ▬▬ ▬▬ ▬▬▬▬ ▬▬▬ ▬ ▬▬ ▬▬ ▬▬▬▬ ▬▬▬ ▬ ▬▬ ▬▬ ▬▬▬▬ ▬▬▬ ▬ ▬▬ ▬▬ ▬▬▬▬ ▬▬▬ ▬ ▬▬ ▬▬ ▬▬▬▬ ▬▬▬ ▬ ▬▬ ▬▬ ▬▬▬▬ ▬▬▬ ▬ ▬▬ ▬▬ ▬▬▬▬ ▬▬▬ ▬ ▬▬ ▬▬ ▬▬▬▬ ▬▬▬ ▬ ▬▬ ▬▬
▬▬▬▬ ▬▬▬ ▬ ▬▬ ▬▬ ▬▬▬▬ ▬▬▬ ▬ ▬▬ ▬▬ ▬▬▬▬ ▬▬▬ ▬ ▬▬ ▬▬ ▬▬▬▬ ▬▬▬ ▬ ▬▬ ▬▬ ▬▬▬▬ ▬▬▬ ▬ ▬▬ ▬▬ ▬▬▬▬ ▬▬▬ ▬ ▬▬ ▬▬ ▬▬▬▬ ▬▬▬ ▬ ▬▬ ▬▬ ▬▬▬▬ ▬▬▬ ▬ ▬▬ ▬▬ ▬▬▬▬ ▬▬▬ ▬ ▬▬ ▬▬ ▬▬▬▬ ▬▬▬ ▬ ▬▬ ▬▬ ▬▬▬▬ ▬▬▬ ▬ ▬▬ ▬▬ ▬▬▬▬ ▬▬▬ ▬ ▬▬ ▬▬ ▬▬▬▬ ▬▬▬ ▬ ▬▬ ▬▬ ▬▬▬▬ ▬▬▬ ▬ ▬▬ ▬▬ ▬▬▬▬ ▬▬▬ ▬ ▬▬ ▬▬ ▬▬▬▬ ▬▬▬ ▬ ▬▬ ▬▬ ▬▬▬▬ ▬▬▬ ▬ ▬▬ ▬▬ ▬▬▬▬ ▬▬▬ ▬ ▬▬ ▬▬ ▬▬▬▬ ▬▬▬ ▬ ▬▬ ▬▬ ▬▬▬▬ ▬▬▬ ▬ ▬▬ ▬▬ ▬▬▬▬ ▬▬▬ ▬ ▬▬ ▬▬ ▬▬▬▬ ▬▬▬ ▬ ▬▬ ▬▬ ▬▬▬▬ ▬▬▬ ▬ ▬▬ ▬▬ ▬▬▬▬ ▬▬▬ ▬ ▬▬ ▬▬ ▬▬▬▬ ▬▬▬ ▬ ▬▬ ▬▬ ▬▬▬▬ ▬▬▬ ▬ ▬▬ ▬▬ ▬▬▬▬ ▬▬▬ ▬ ▬▬ ▬▬ ▬▬▬▬ ▬▬▬ ▬ ▬▬ ▬▬ ▬▬▬▬ ▬▬▬ ▬ ▬▬ ▬▬ ▬▬▬▬ ▬▬▬ ▬ ▬▬ ▬▬ ▬▬▬▬ ▬▬▬ ▬ ▬▬ ▬▬ ▬▬▬▬ ▬▬▬ ▬ ▬▬ ▬▬ ▬▬▬▬ ▬▬▬ ▬ ▬▬ ▬▬ ▬▬▬▬ ▬▬▬ ▬ ▬▬ ▬▬ ▬▬▬▬ ▬▬▬ ▬ ▬▬ ▬▬ ▬▬▬▬ ▬▬▬ ▬ ▬▬ ▬▬ ▬▬▬▬ ▬▬▬ ▬ ▬▬ ▬▬ ▬▬▬▬ ▬▬▬ ▬ ▬▬ ▬▬ ▬▬▬▬ ▬▬▬ ▬ ▬▬ ▬▬ ▬▬▬▬ ▬▬▬ ▬ ▬▬ ▬▬ ▬▬▬▬ ▬▬▬ ▬ ▬▬ ▬▬ ▬▬▬▬ ▬▬▬ ▬ ▬▬ ▬▬ ▬▬▬▬ ▬▬▬ ▬ ▬▬ ▬▬ ▬▬▬▬ ▬▬▬ ▬ ▬▬ ▬▬ ▬▬▬▬ ▬▬▬ ▬ ▬▬ ▬▬ ▬▬▬▬ ▬▬▬ ▬ ▬▬ ▬▬ ▬▬▬▬ ▬▬▬ ▬ ▬▬ ▬▬ ▬▬▬▬ ▬▬▬ ▬ ▬▬ ▬▬ ▬▬▬▬ ▬▬▬ ▬ ▬▬ ▬▬ ▬▬▬▬ ▬▬▬ ▬ ▬▬ ▬▬ ▬▬▬▬ ▬▬▬ ▬ ▬▬ ▬▬ ▬▬▬▬ ▬▬▬ ▬ ▬▬ ▬▬ ▬▬▬▬ ▬▬▬ ▬ ▬▬ ▬▬ ▬▬▬▬ ▬▬▬ ▬ ▬▬ ▬▬ ▬▬▬▬ ▬▬▬ ▬ ▬▬ ▬▬ ▬▬▬▬ ▬▬▬ ▬ ▬▬ ▬▬ ▬▬▬▬ ▬▬▬ ▬ ▬▬ ▬▬ ▬▬▬▬ ▬▬▬ ▬ ▬▬ ▬▬ ▬▬▬▬ ▬▬▬ ▬ ▬▬ ▬▬ ▬▬▬▬ ▬▬▬ ▬ ▬▬ ▬▬ ▬▬▬▬ ▬▬▬ ▬ ▬▬ ▬▬ ▬▬▬▬ ▬▬▬ ▬ ▬▬ ▬▬ ▬▬▬▬ ▬▬▬ ▬ ▬▬ ▬▬ ▬▬▬▬ ▬▬▬ ▬ ▬▬ ▬▬ ▬▬▬▬ ▬▬▬ ▬ ▬▬
WORKING MEN'S CLUB FOR SYDENHAM.
▬▬▬▬ ▬▬▬ ▬ ▬▬ ▬▬ ▬▬▬▬ ▬▬▬ ▬ ▬▬ ▬▬ ▬▬▬▬ ▬▬▬ ▬ ▬▬ ▬▬ ▬▬▬▬ ▬▬▬ ▬ ▬▬ ▬▬ ▬▬▬▬ ▬▬▬ ▬ ▬▬ ▬▬ ▬▬▬▬ ▬▬▬ ▬ ▬▬ ▬▬ ▬▬▬▬ ▬▬▬ ▬ ▬▬ ▬▬ ▬▬▬▬ ▬▬▬ ▬ ▬▬ ▬▬ ▬▬▬▬ ▬▬▬ ▬ ▬▬ ▬▬ ▬▬▬▬ ▬▬▬ ▬ ▬▬ ▬▬ ▬▬▬▬ ▬▬▬ ▬ ▬▬ ▬▬ ▬▬▬▬ ▬▬▬ ▬ ▬▬ ▬▬ ▬▬▬▬ ▬▬▬ ▬ ▬▬ ▬▬ ▬▬▬▬ ▬▬▬ ▬ ▬▬ ▬▬ ▬▬▬▬ ▬▬▬ ▬ ▬▬ ▬▬ ▬▬▬▬ ▬▬▬ ▬ ▬▬ ▬▬ ▬▬▬▬ ▬▬▬ ▬ ▬▬ ▬▬ ▬▬▬▬ ▬▬▬ ▬ ▬▬ ▬▬ ▬▬▬▬ ▬▬▬ ▬ ▬▬ ▬▬ ▬▬▬▬ ▬▬▬ ▬ ▬▬ ▬▬ ▬▬▬▬ ▬▬▬ ▬ ▬▬ ▬▬ ▬▬▬▬ ▬▬▬ ▬ ▬▬ ▬▬ ▬▬▬▬ ▬▬▬ ▬ ▬▬ ▬▬ ▬▬▬▬ ▬▬▬ ▬ ▬▬ ▬▬ ▬▬▬▬ ▬▬▬ ▬ ▬▬ ▬▬ ▬▬▬▬ ▬▬▬ ▬ ▬▬ ▬▬ ▬▬▬▬ ▬▬▬ ▬ ▬▬ ▬▬ ▬▬▬▬ ▬▬▬ ▬ ▬▬ ▬▬ ▬▬▬▬ ▬▬▬ ▬ ▬▬ ▬▬ ▬▬▬▬ ▬▬▬ ▬ ▬▬ ▬▬ ▬▬▬▬ ▬▬▬ ▬ ▬▬ ▬▬ ▬▬▬▬ ▬▬▬ ▬ ▬▬ ▬▬ ▬▬▬▬ ▬▬▬ ▬ ▬▬ ▬▬ ▬▬▬▬ ▬▬▬ ▬ ▬▬ ▬▬ ▬▬▬▬ ▬▬▬ ▬ ▬▬ ▬▬ ▬▬▬▬ ▬▬▬ ▬ ▬▬ ▬▬ ▬▬▬▬ ▬▬▬ ▬ ▬▬ ▬▬ ▬▬▬▬ ▬▬▬ ▬ ▬▬ ▬▬ ▬▬▬▬ ▬▬▬ ▬ ▬▬ ▬▬ ▬▬▬▬ ▬▬▬ ▬ ▬▬ ▬▬ ▬▬▬▬ ▬▬▬ ▬ ▬▬ ▬▬ ▬▬▬▬ ▬▬▬ ▬ ▬▬ ▬▬ ▬▬▬▬ ▬▬▬ ▬ ▬▬ ▬▬ ▬▬▬▬ ▬▬▬ ▬ ▬▬ ▬▬ ▬▬▬▬ ▬▬▬ ▬ ▬▬ ▬▬ ▬▬▬▬ ▬▬▬ ▬ ▬▬ ▬▬ ▬▬▬▬ ▬▬▬ ▬ ▬▬ ▬▬ ▬▬▬▬ ▬▬▬ ▬ ▬▬ ▬▬ ▬▬▬▬ ▬▬▬ ▬ ▬▬ ▬▬ ▬▬▬▬ ▬▬▬ ▬ ▬▬ ▬▬ ▬▬▬▬ ▬▬▬ ▬ ▬▬ ▬▬ ▬▬▬▬ ▬▬▬ ▬ ▬▬ ▬▬ ▬▬▬▬ ▬▬▬ ▬ ▬▬ ▬▬ ▬▬▬▬ ▬▬▬ ▬ ▬▬ ▬▬ ▬▬▬▬ ▬▬▬ ▬ ▬▬ ▬▬ ▬▬▬▬ ▬▬▬ ▬ ▬▬ ▬▬ ▬▬▬▬ ▬▬▬ ▬ ▬▬ ▬▬ ▬▬▬▬ ▬▬▬ ▬ ▬▬ ▬▬ ▬▬▬▬ ▬▬▬ ▬ ▬▬ ▬▬ ▬▬▬▬ ▬▬▬ ▬ ▬▬ ▬▬ ▬▬▬▬ ▬▬▬ ▬ ▬▬ ▬▬ ▬▬▬▬ ▬▬▬ ▬ ▬▬ ▬▬ ▬▬▬▬ ▬▬▬ ▬ ▬▬ ▬▬ ▬▬▬▬ ▬▬▬ ▬ ▬▬ ▬▬ ▬▬▬▬ ▬▬▬ ▬ ▬▬ ▬▬ ▬▬▬▬ ▬▬▬ ▬ ▬▬ ▬▬ ▬▬▬▬ ▬▬▬ ▬ ▬▬ ▬▬ ▬▬▬▬ ▬▬▬ ▬ ▬▬ ▬▬ ▬▬▬▬ ▬▬▬ ▬ ▬▬ ▬▬ ▬▬▬▬ ▬▬▬ ▬ ▬▬ ▬▬ ▬▬▬▬ ▬▬▬ ▬ ▬▬ ▬▬ ▬▬▬▬ ▬▬▬ ▬ ▬▬ ▬▬ ▬▬▬▬ ▬▬▬ ▬ ▬▬ ▬▬ ▬▬▬▬ ▬▬▬ ▬ ▬▬ ▬▬ ▬▬▬▬ ▬▬▬ ▬ ▬▬ ▬▬ ▬▬▬▬ ▬▬▬ ▬ ▬▬ ▬▬ ▬▬▬▬ ▬▬▬ ▬ ▬▬ ▬▬ ▬▬▬▬ ▬▬▬ ▬ ▬▬ ▬▬ ▬▬▬▬ ▬▬▬ ▬ ▬▬ ▬▬ ▬▬▬▬ ▬▬▬ ▬ ▬▬ ▬▬ ▬▬▬▬ ▬▬▬ ▬ ▬▬ ▬▬ ▬▬▬▬ ▬▬▬ ▬ ▬▬ ▬▬ ▬▬▬▬ ▬▬▬ ▬ ▬▬ ▬▬ ▬▬▬▬ ▬▬▬ ▬ ▬▬ ▬▬ ▬▬▬▬ ▬▬▬ ▬ ▬▬ ▬▬ ▬▬▬▬ ▬▬▬ ▬ ▬▬ ▬▬ ▬▬▬▬ ▬▬▬ ▬ ▬▬ ▬▬ ▬▬▬▬ ▬▬▬ ▬ ▬▬ ▬▬ ▬▬▬▬ ▬▬▬ ▬ ▬▬ ▬▬ ▬▬▬▬ ▬▬▬ ▬ ▬▬ ▬▬ ▬▬▬▬ ▬▬▬ ▬ ▬▬ ▬▬ ▬▬▬▬ ▬▬▬ ▬ ▬▬ ▬▬ ▬▬▬▬ ▬▬▬ ▬ ▬▬ ▬▬ ▬▬▬▬ ▬▬▬ ▬ ▬▬ ▬▬ ▬▬▬▬ ▬▬▬ ▬ ▬▬ ▬▬ ▬▬▬▬ ▬▬▬ ▬ ▬▬ ▬▬ ▬▬▬▬ ▬▬▬ ▬ ▬▬ ▬▬ ▬▬▬▬ ▬▬▬ ▬ ▬▬ ▬▬ ▬▬▬▬ ▬▬▬ ▬ ▬▬ ▬▬ ▬▬▬▬ ▬▬▬ ▬ ▬▬ ▬▬ ▬▬▬▬ ▬▬▬ ▬ ▬▬ ▬▬ ▬▬▬▬ ▬▬▬ ▬ ▬▬ ▬▬ ▬▬▬▬ ▬▬▬ ▬ ▬▬ ▬▬ ▬▬▬▬ ▬▬▬ ▬ ▬▬ ▬▬ ▬▬▬▬ ▬▬▬ ▬ ▬▬ ▬▬ ▬▬▬▬ ▬▬▬ ▬ ▬▬ ▬▬ ▬▬▬▬ ▬▬▬ ▬ ▬▬ ▬▬ ▬▬▬▬ ▬▬▬ ▬ ▬▬ ▬▬ ▬▬▬▬ ▬▬▬ ▬ ▬▬ ▬▬ ▬▬▬▬ ▬▬▬ ▬ ▬▬ ▬▬ ▬▬▬▬ ▬▬▬ ▬ ▬▬ ▬▬ ▬▬▬▬ ▬▬▬ ▬ ▬▬ ▬▬ ▬▬▬▬ ▬▬▬ ▬ ▬▬ ▬▬ ▬▬▬▬ ▬▬▬ ▬ ▬▬ ▬▬ ▬▬▬▬ ▬▬▬ ▬ ▬▬ ▬▬ ▬▬▬▬ ▬▬▬ ▬ ▬▬ ▬▬ ▬▬▬▬ ▬▬▬ ▬ ▬▬ ▬▬ ▬▬▬▬ ▬▬▬ ▬ ▬▬ ▬▬ ▬▬▬▬ ▬▬▬ ▬ ▬▬ ▬▬ ▬▬▬▬ ▬▬▬ ▬ ▬▬ ▬▬ ▬▬▬▬ ▬▬▬ ▬ ▬▬ ▬▬ ▬▬▬▬ ▬▬▬ ▬ ▬▬ ▬▬ ▬▬▬▬ ▬▬▬ ▬ ▬▬ ▬▬ ▬▬▬▬ ▬▬▬ ▬ ▬▬ ▬▬ ▬▬▬▬ ▬▬▬ ▬ ▬▬ ▬▬ ▬▬▬▬ ▬▬▬ ▬ ▬▬ ▬▬
COMPENSATION COURT.
THURSDAY, APRIL 14.
[Before his Honor Mr Justice Johnston and Messrs J. C. Reeves and J. T. Ford, assessors.]
▬▬▬▬ ▬▬▬ ▬ ▬▬ ▬▬ ▬▬▬▬ ▬▬▬ ▬ ▬▬ ▬▬ ▬▬▬▬ ▬▬▬ ▬ ▬▬ ▬▬ ▬▬▬▬ ▬▬▬ ▬ ▬▬ ▬▬ ▬▬▬▬ ▬▬▬ ▬ ▬▬ ▬▬ ▬▬▬▬ ▬▬▬ ▬ ▬▬ ▬▬ ▬▬▬▬ ▬▬▬ ▬ ▬▬ ▬▬ ▬▬▬▬ ▬▬▬ ▬ ▬▬ ▬▬ ▬▬▬▬ ▬▬▬ ▬ ▬▬ ▬▬ ▬▬▬▬ ▬▬▬ ▬ ▬▬ ▬▬ ▬▬▬▬ ▬▬▬ ▬ ▬▬ ▬▬ ▬▬▬▬ ▬▬▬ ▬ ▬▬ ▬▬ ▬▬▬▬ ▬▬▬ ▬ ▬▬ ▬▬ ▬▬▬▬ ▬▬▬ ▬ ▬▬ ▬▬ ▬▬▬▬ ▬▬▬ ▬ ▬▬ ▬▬ ▬▬▬▬ ▬▬▬ ▬ ▬▬ ▬▬ ▬▬▬▬ ▬▬▬ ▬ ▬▬ ▬▬ ▬▬▬▬ ▬▬▬ ▬ ▬▬ ▬▬ ▬▬▬▬ ▬▬▬ ▬ ▬▬ ▬▬ ▬▬▬▬ ▬▬▬ ▬ ▬▬ ▬▬ ▬▬▬▬ ▬▬▬ ▬ ▬▬ ▬▬ ▬▬▬▬ ▬▬▬ ▬ ▬▬ ▬▬ ▬▬▬▬ ▬▬▬ ▬ ▬▬ ▬▬ ▬▬▬▬ ▬▬▬ ▬ ▬▬ ▬▬ ▬▬▬▬ ▬▬▬ ▬ ▬▬ ▬▬ ▬▬▬▬ ▬▬▬ ▬ ▬▬ ▬▬ ▬▬▬▬ ▬▬▬ ▬ ▬▬ ▬▬ ▬▬▬▬ ▬▬▬ ▬ ▬▬ ▬▬ ▬▬▬▬ ▬▬▬ ▬ ▬▬ ▬▬ ▬▬▬▬ ▬▬▬ ▬ ▬▬ ▬▬ ▬▬▬▬ ▬▬▬ ▬ ▬▬ ▬▬ ▬▬▬▬ ▬▬▬ ▬ ▬▬ ▬▬ ▬▬▬▬ ▬▬▬ ▬ ▬▬ ▬▬ ▬▬▬▬ ▬▬▬ ▬ ▬▬ ▬▬ ▬▬▬▬ ▬▬▬ ▬ ▬▬ ▬▬ ▬▬▬▬ ▬▬▬ ▬ ▬▬ ▬▬ ▬▬▬▬ ▬▬▬ ▬ ▬▬ ▬▬ ▬▬▬▬ ▬▬▬ ▬ ▬▬ ▬▬ ▬▬▬▬ ▬▬▬ ▬ ▬▬ ▬▬ ▬▬▬▬ ▬▬▬ ▬ ▬▬ ▬▬ ▬▬▬▬ ▬▬▬ ▬ ▬▬ ▬▬ ▬▬▬▬ ▬▬▬ ▬ ▬▬ ▬▬ ▬▬▬▬ ▬▬▬ ▬ ▬▬ ▬▬ ▬▬▬▬ ▬▬▬ ▬ ▬▬ ▬▬ ▬▬▬▬ ▬▬▬ ▬ ▬▬ ▬▬ ▬▬▬▬ ▬▬▬ ▬ ▬▬ ▬▬ ▬▬▬▬ ▬▬▬ ▬ ▬▬ ▬▬ ▬▬▬▬ ▬▬▬ ▬ ▬▬ ▬▬ ▬▬▬▬ ▬▬▬ ▬ ▬▬ ▬▬ ▬▬▬▬ ▬▬▬ ▬ ▬▬ ▬▬ ▬▬▬▬ ▬▬▬ ▬ ▬▬ ▬▬ ▬▬▬▬ ▬▬▬ ▬ ▬▬ ▬▬ ▬▬▬▬ ▬▬▬ ▬ ▬▬ ▬▬ ▬▬▬▬ ▬▬▬ ▬ ▬▬ ▬▬ ▬▬▬▬ ▬▬▬ ▬ ▬▬ ▬▬ ▬▬▬▬ ▬▬▬ ▬ ▬▬ ▬▬ ▬▬▬▬ ▬▬▬ ▬ ▬▬ ▬▬ ▬▬▬▬ ▬▬▬ ▬ ▬▬ ▬▬ ▬▬▬▬ ▬▬▬ ▬ ▬▬ ▬▬ ▬▬▬▬ ▬▬▬ ▬ ▬▬ ▬▬ ▬▬▬▬ ▬▬▬ ▬ ▬▬ ▬▬ ▬▬▬▬ ▬▬▬ ▬ ▬▬ ▬▬ ▬▬▬▬ ▬▬▬ ▬ ▬▬ ▬▬ ▬▬▬▬ ▬▬▬ ▬ ▬▬ ▬▬ ▬▬▬▬ ▬▬▬ ▬ ▬▬ ▬▬ ▬▬▬▬ ▬▬▬ ▬ ▬▬ ▬▬ ▬▬▬▬ ▬▬▬ ▬ ▬▬ ▬▬ ▬▬▬▬ ▬▬▬ ▬ ▬▬ ▬▬ ▬▬▬▬ ▬▬▬ ▬ ▬▬ ▬▬ ▬▬▬▬ ▬▬▬ ▬ ▬▬ ▬▬ ▬▬▬▬ ▬▬▬ ▬ ▬▬ ▬▬ ▬▬▬▬ ▬▬▬ ▬ ▬▬ ▬▬ ▬▬▬▬ ▬▬▬ ▬ ▬▬ ▬▬ ▬▬▬▬ ▬▬▬ ▬ ▬▬ ▬▬ ▬▬▬▬ ▬▬▬ ▬ ▬▬ ▬▬ ▬▬▬▬ ▬▬▬ ▬ ▬▬ ▬▬ ▬▬▬▬ ▬▬▬ ▬ ▬▬ ▬▬ ▬▬▬▬ ▬▬▬ ▬ ▬▬ ▬▬ ▬▬▬▬ ▬▬▬ ▬ ▬▬ ▬▬ ▬▬▬▬ ▬▬▬ ▬ ▬▬ ▬▬ ▬▬▬▬ ▬▬▬ ▬ ▬▬ ▬▬ ▬▬▬▬ ▬▬▬ ▬ ▬▬ ▬▬ ▬▬▬▬ ▬▬▬ ▬ ▬▬ ▬▬ ▬▬▬▬ ▬▬▬ ▬ ▬▬ ▬▬ ▬▬▬▬ ▬▬▬ ▬ ▬▬ ▬▬ ▬▬▬▬ ▬▬▬ ▬ ▬▬ ▬▬ ▬▬▬▬ ▬▬▬ ▬ ▬▬ ▬▬ ▬▬▬▬ ▬▬▬ ▬ ▬▬ ▬▬ ▬▬▬▬ ▬▬▬ ▬ ▬▬ ▬▬ ▬▬▬▬ ▬▬▬ ▬ ▬▬ ▬▬ ▬▬▬▬ ▬▬▬ ▬ ▬▬ ▬▬ ▬▬▬▬ ▬▬▬ ▬ ▬▬ ▬▬ ▬▬▬▬ ▬▬▬ ▬ ▬▬ ▬▬ ▬▬▬▬ ▬▬▬ ▬ ▬▬ ▬▬ ▬▬▬▬ ▬▬▬ ▬ ▬▬ ▬▬ ▬▬▬▬ ▬▬▬ ▬ ▬▬ ▬▬ ▬▬▬▬ ▬▬▬ ▬ ▬▬ ▬▬ ▬▬▬▬ ▬▬▬ ▬ ▬▬ ▬▬ ▬▬▬▬ ▬▬▬ ▬ ▬▬ ▬▬
SPORTING.
THE AUTUMN MEETING.
▬▬▬▬ ▬▬▬ ▬ ▬▬ ▬▬ ▬▬▬▬ ▬▬▬ ▬ ▬▬ ▬▬ ▬▬▬▬ ▬▬▬ ▬ ▬▬ ▬▬ ▬▬▬▬ ▬▬▬ ▬ ▬▬ ▬▬ ▬▬▬▬ ▬▬▬ ▬ ▬▬ ▬▬ ▬▬▬▬ ▬▬▬ ▬ ▬▬ ▬▬ ▬▬▬▬ ▬▬▬ ▬ ▬▬ ▬▬ ▬▬▬▬ ▬▬▬ ▬ ▬▬ ▬▬ ▬▬▬▬ ▬▬▬ ▬ ▬▬ ▬▬ ▬▬▬▬ ▬▬▬ ▬ ▬▬ ▬▬ ▬▬▬▬ ▬▬▬ ▬ ▬▬
Billingsgate	5	Nautilus	6
The Dauphin	5	Lady Emma	6
Vanguard	5	Sir Modred	8
▬▬▬▬ ▬▬▬ ▬ ▬▬ ▬▬ ▬▬▬▬ ▬▬▬ ▬ ▬▬ ▬▬ ▬▬▬▬ ▬▬▬ ▬ ▬▬ ▬▬ ▬▬▬▬ ▬▬▬ ▬ ▬▬ ▬▬ ▬▬▬▬ ▬▬▬ ▬ ▬▬ ▬▬ ▬▬▬▬ ▬▬▬ ▬ ▬▬ ▬▬ ▬▬▬▬ ▬▬▬ ▬ ▬▬ ▬▬ ▬▬▬▬ ▬▬▬ ▬ ▬▬ ▬▬ ▬▬▬▬ ▬▬▬ ▬ ▬▬ ▬▬ ▬▬▬▬ ▬▬▬ ▬ ▬▬ ▬▬ ▬▬▬▬ ▬▬▬ ▬ ▬▬ ▬▬ ▬▬▬▬ ▬▬▬ ▬ ▬▬ ▬▬ ▬▬▬▬ ▬▬▬ ▬ ▬▬ ▬▬ ▬▬▬▬ ▬▬▬ ▬ ▬▬ ▬▬ ▬▬▬▬ ▬▬▬ ▬ ▬▬ ▬▬ ▬▬▬▬ ▬▬▬ ▬ ▬▬ ▬▬ ▬▬▬▬ ▬▬▬ ▬ ▬▬ ▬▬ ▬▬▬▬ ▬▬▬ ▬ ▬▬ ▬▬ ▬▬▬▬ ▬▬▬ ▬ ▬▬ ▬▬ ▬▬▬▬ ▬▬▬ ▬ ▬▬ ▬▬ ▬▬▬▬ ▬▬▬ ▬ ▬▬ ▬▬ ▬▬▬▬ ▬▬▬ ▬ ▬▬ ▬▬ ▬▬▬▬ ▬▬▬ ▬ ▬▬ ▬▬ ▬▬▬▬ ▬▬▬ ▬ ▬▬ ▬▬ ▬▬▬▬ ▬▬▬ ▬ ▬▬ ▬▬ ▬▬▬▬
THE AUCKLAND MEETING.
[PRESS ASSOCIATION TELEGRAM.] AUCKLAND, April 13.
▬▬▬▬ ▬▬▬ ▬ ▬▬ ▬▬ ▬▬▬▬ ▬▬▬ ▬ ▬▬ ▬▬ ▬▬▬▬ ▬▬▬ ▬ ▬▬ ▬▬ ▬▬▬▬ ▬▬▬ ▬ ▬▬ ▬▬ ▬▬▬▬ ▬▬▬ ▬ ▬▬ ▬▬ ▬▬▬▬ ▬▬▬ ▬ ▬▬ ▬▬ ▬▬▬▬ ▬▬▬ ▬ ▬▬ ▬▬ ▬▬▬▬ ▬▬▬ ▬ ▬▬ ▬▬ ▬▬▬▬ ▬▬▬ ▬ ▬▬ ▬▬ ▬▬▬▬ ▬▬▬ ▬ ▬▬ ▬▬ ▬▬▬▬ ▬▬▬ ▬ ▬▬ ▬▬ ▬▬▬▬ ▬▬▬ ▬ ▬▬ ▬▬ ▬▬▬▬ ▬▬▬ ▬ ▬▬ ▬▬ ▬▬▬▬ ▬▬▬ ▬ ▬▬ ▬▬ ▬▬▬▬ ▬▬▬ ▬ ▬▬ ▬▬ ▬▬▬▬ ▬▬▬ ▬ ▬▬ ▬▬ ▬▬▬▬ ▬▬▬ ▬ ▬▬ ▬▬ ▬▬▬▬ ▬▬▬ ▬ ▬▬ ▬▬ ▬▬▬▬ ▬▬▬ ▬ ▬▬ ▬▬ ▬▬▬▬ ▬▬▬ ▬ ▬▬ ▬▬ ▬▬▬▬ ▬▬▬ ▬ ▬▬ ▬▬ ▬▬▬▬ ▬▬▬ ▬ ▬▬ ▬▬ ▬▬▬▬ ▬▬▬ ▬ ▬▬ ▬▬ ▬▬▬▬ ▬▬▬ ▬ ▬▬ ▬▬ ▬▬▬▬ ▬▬▬ ▬ ▬▬ ▬▬ ▬▬▬▬ ▬▬▬ ▬ ▬▬ ▬▬ ▬▬▬▬ ▬▬▬ ▬ ▬▬ ▬▬ ▬▬▬▬ ▬▬▬ ▬ ▬▬ ▬▬ ▬▬▬▬ ▬▬▬ ▬ ▬▬ ▬▬ ▬▬▬▬ ▬▬▬ ▬ ▬▬ ▬▬ ▬▬▬▬ ▬▬▬ ▬ ▬▬ ▬▬ ▬▬▬▬ ▬▬▬ ▬ ▬▬ ▬▬ ▬▬▬▬ ▬▬▬ ▬ ▬▬ ▬▬ ▬▬▬▬ ▬▬▬ ▬ ▬▬ ▬▬ ▬▬▬▬ ▬▬▬ ▬ ▬▬ ▬▬ ▬▬▬▬ ▬▬▬ ▬ ▬▬ ▬▬ ▬▬▬▬ ▬▬▬ ▬ ▬▬ ▬▬ ▬▬▬▬ ▬▬▬ ▬ ▬▬ ▬▬ ▬▬▬▬ ▬▬▬ ▬ ▬▬ ▬▬ ▬▬▬▬ ▬▬▬ ▬ ▬▬ ▬▬ ▬▬▬▬ ▬▬▬ ▬ ▬▬ ▬▬ ▬▬▬▬ ▬▬▬ ▬ ▬▬ ▬▬ ▬▬▬▬ ▬▬▬ ▬ ▬▬ ▬▬ ▬▬▬▬ ▬▬▬ ▬ ▬▬ ▬▬ ▬▬▬▬ ▬▬▬ ▬ ▬▬ ▬▬ ▬▬▬▬ ▬▬▬ ▬ ▬▬ ▬▬ ▬▬▬▬ ▬▬▬ ▬ ▬▬ ▬▬ ▬▬▬▬ ▬▬▬ ▬ ▬▬ ▬▬ ▬▬▬▬ ▬▬▬ ▬ ▬▬ ▬▬ ▬▬▬▬ ▬▬▬ ▬ ▬▬ ▬▬ ▬▬▬▬ ▬▬▬ ▬ ▬▬ ▬▬ ▬▬▬▬ ▬▬▬ ▬ ▬▬ ▬▬ ▬▬▬▬ ▬▬▬ ▬ ▬▬ ▬▬ ▬▬▬▬ ▬▬▬ ▬ ▬▬ ▬▬
KAIAPOI BOROUGH COUNCIL.
▬▬▬▬ ▬▬▬ ▬ ▬▬ ▬▬ ▬▬▬▬ ▬▬▬ ▬ ▬▬ ▬▬ ▬▬▬▬ ▬▬▬ ▬ ▬▬ ▬▬ ▬▬▬▬ ▬▬▬ ▬ ▬▬ ▬▬ ▬▬▬▬ ▬▬▬ ▬ ▬▬ ▬▬ ▬▬▬▬ ▬▬▬ ▬ ▬▬ ▬▬ ▬▬▬▬ ▬▬▬ ▬ ▬▬ ▬▬ ▬▬▬▬ ▬▬▬ ▬ ▬▬ ▬▬ ▬▬▬▬ ▬▬▬ ▬ ▬▬ ▬▬ ▬▬▬▬ ▬▬▬ ▬ ▬▬ ▬▬ ▬▬▬▬ ▬▬▬ ▬ ▬▬ ▬▬ ▬▬▬▬ ▬▬▬ ▬ ▬▬ ▬▬ ▬▬▬▬ ▬▬▬ ▬ ▬▬ ▬▬ ▬▬▬▬ ▬▬▬ ▬ ▬▬ ▬▬ ▬▬▬▬ ▬▬▬ ▬ ▬▬ ▬▬ ▬▬▬▬ ▬▬▬ ▬ ▬▬ ▬▬ ▬▬▬▬ ▬▬▬ ▬ ▬▬ ▬▬ ▬▬▬▬ ▬▬▬ ▬ ▬▬ ▬▬ ▬▬▬▬ ▬▬▬ ▬ ▬▬ ▬▬ ▬▬▬▬ ▬▬▬ ▬ ▬▬ ▬▬ ▬▬▬▬ ▬▬▬ ▬ ▬▬ ▬▬ ▬▬▬▬ ▬▬▬ ▬ ▬▬ ▬▬ ▬▬▬▬ ▬▬▬ ▬ ▬▬ ▬▬ ▬▬▬▬ ▬▬▬ ▬ ▬▬ ▬▬ ▬▬▬▬ ▬▬▬ ▬ ▬▬ ▬▬ ▬▬▬▬ ▬▬▬ ▬ ▬▬ ▬▬ ▬▬▬▬ ▬▬▬ ▬ ▬▬ ▬▬ ▬▬▬▬ ▬▬▬ ▬ ▬▬ ▬▬ ▬▬▬▬ ▬▬▬ ▬ ▬▬ ▬▬ ▬▬▬▬ ▬▬▬ ▬ ▬▬ ▬▬ ▬▬▬▬ ▬▬▬ ▬ ▬▬ ▬▬ ▬▬▬▬ ▬▬▬ ▬ ▬▬ ▬▬ ▬▬▬▬ ▬▬▬ ▬ ▬▬ ▬▬ ▬▬▬▬ ▬▬▬ ▬ ▬▬ ▬▬ ▬▬▬▬ ▬▬▬ ▬ ▬▬ ▬▬ ▬▬▬▬ ▬▬▬ ▬ ▬▬ ▬▬ ▬▬▬▬ ▬▬▬ ▬ ▬▬ ▬▬ ▬▬▬▬ ▬▬▬ ▬ ▬▬ ▬▬ ▬▬▬▬ ▬▬▬ ▬ ▬▬ ▬▬ ▬▬▬▬ ▬▬▬ ▬ ▬▬ ▬▬ ▬▬▬▬ ▬▬▬ ▬ ▬▬ ▬▬ ▬▬▬▬ ▬▬▬ ▬ ▬▬ ▬▬ ▬▬▬▬ ▬▬▬ ▬ ▬▬ ▬▬ ▬▬▬▬ ▬▬▬ ▬ ▬▬ ▬▬ ▬▬▬▬ ▬▬▬ ▬ ▬▬ ▬▬ ▬▬▬▬ ▬▬▬ ▬ ▬▬ ▬▬ ▬▬▬▬ ▬▬▬ ▬ ▬▬ ▬▬ ▬▬▬▬ ▬▬▬ ▬ ▬▬ ▬▬ ▬▬▬▬ ▬▬▬ ▬ ▬▬ ▬▬ ▬▬▬▬ ▬▬▬ ▬ ▬▬ ▬▬ ▬▬▬▬ ▬▬▬ ▬ ▬▬ ▬▬ ▬▬▬▬ ▬▬▬ ▬ ▬▬ ▬▬ ▬▬▬▬ ▬▬▬ ▬ ▬▬ ▬▬ ▬▬▬▬ ▬▬▬ ▬ ▬▬ ▬▬ ▬▬▬▬ ▬▬▬ ▬ ▬▬ ▬▬ ▬▬▬▬ ▬▬▬ ▬ ▬▬ ▬▬ ▬▬▬▬ ▬▬▬ ▬ ▬▬ ▬▬ ▬▬▬▬ ▬▬▬ ▬ ▬▬ ▬▬ ▬▬▬▬ ▬▬▬ ▬ ▬▬ ▬▬ ▬▬▬▬ ▬▬▬ ▬ ▬▬ ▬▬ ▬▬▬▬ ▬▬▬ ▬ ▬▬ ▬▬ ▬▬▬▬ ▬▬▬ ▬ ▬▬ ▬▬ ▬▬▬▬ ▬▬▬ ▬ ▬▬ ▬▬ ▬▬▬▬ ▬▬▬ ▬ ▬▬ ▬▬ ▬▬▬▬ ▬▬▬ ▬ ▬▬ ▬▬ ▬▬▬▬ ▬▬▬ ▬ ▬▬ ▬▬ ▬▬▬▬ ▬▬▬ ▬ ▬▬ ▬▬ ▬▬▬▬ ▬▬▬ ▬ ▬▬ ▬▬ ▬▬▬▬ ▬▬▬ ▬ ▬▬ ▬▬ ▬▬▬▬ ▬▬▬ ▬ ▬▬ ▬▬ ▬▬▬▬ ▬▬▬ ▬ ▬▬ ▬▬ ▬▬▬▬ ▬▬▬ ▬ ▬▬ ▬▬ ▬▬▬▬ ▬▬▬ ▬ ▬▬ ▬▬ ▬▬▬▬ ▬▬▬ ▬ ▬▬ ▬▬ ▬▬▬▬ ▬▬▬ ▬ ▬▬ ▬▬ ▬▬▬▬ ▬▬▬ ▬ ▬▬ ▬▬ ▬▬▬▬ ▬▬▬ ▬ ▬▬ ▬▬ ▬▬▬▬ ▬▬▬ ▬ ▬▬ ▬▬ ▬▬▬▬ ▬▬▬ ▬ ▬▬ ▬▬ ▬▬▬▬
THE SCRATCHING OF NATATOR.
DUNEDIN, April 13.
▬▬▬▬ ▬▬▬ ▬ ▬▬ ▬▬ ▬▬▬▬ ▬▬▬ ▬ ▬▬ ▬▬ ▬▬▬▬ ▬▬▬ ▬ ▬▬ ▬▬ ▬▬▬▬ ▬▬▬ ▬ ▬▬ ▬▬ ▬▬▬▬ ▬▬▬ ▬ ▬▬ ▬▬ ▬▬▬▬ ▬▬▬ ▬ ▬▬ ▬▬ ▬▬▬▬ ▬▬▬ ▬ ▬▬ ▬▬ ▬▬▬▬ ▬▬▬ ▬ ▬▬ ▬▬ ▬▬▬▬ ▬▬▬ ▬ ▬▬ ▬▬ ▬▬▬▬ ▬▬▬ ▬ ▬▬ ▬▬ ▬▬▬▬ ▬▬▬ ▬ ▬▬ ▬▬ ▬▬▬▬ ▬▬▬ ▬ ▬▬ ▬▬ ▬▬▬▬ ▬▬▬ ▬ ▬▬ ▬▬ ▬▬▬▬ ▬▬▬ ▬ ▬▬ ▬▬ ▬▬▬▬ ▬▬▬ ▬ ▬▬ ▬▬ ▬▬▬▬ ▬▬▬ ▬ ▬▬ ▬▬ ▬▬▬▬ ▬▬▬ ▬ ▬▬ ▬▬ ▬▬▬▬ ▬▬▬ ▬ ▬▬ ▬▬ ▬▬▬▬ ▬▬▬ ▬ ▬▬ ▬▬ ▬▬▬▬ ▬▬▬ ▬ ▬▬ ▬▬ ▬▬▬▬ ▬▬▬ ▬ ▬▬ ▬▬ ▬▬▬▬ ▬▬▬ ▬ ▬▬ ▬▬ ▬▬▬▬ ▬▬▬ ▬ ▬▬ ▬▬ ▬▬▬▬ ▬▬▬ ▬ ▬▬ ▬▬ ▬▬▬▬ ▬▬▬ ▬ ▬▬ ▬▬ ▬▬▬▬ ▬▬▬ ▬ ▬▬ ▬▬ ▬▬▬▬ ▬▬▬ ▬ ▬▬ ▬▬ ▬▬▬▬ ▬▬▬ ▬ ▬▬ ▬▬ ▬▬▬▬ ▬▬▬ ▬ ▬▬ ▬▬ ▬▬▬▬ ▬▬▬ ▬ ▬▬ ▬▬ ▬▬▬▬ ▬▬▬ ▬ ▬▬ ▬▬ ▬▬▬▬ ▬▬▬ ▬ ▬▬ ▬▬ ▬▬▬▬ ▬▬▬ ▬ ▬▬ ▬▬ ▬▬▬▬ ▬▬▬ ▬ ▬▬ ▬▬ ▬▬▬▬ ▬▬▬ ▬ ▬▬ ▬▬ ▬▬▬▬ ▬▬▬ ▬ ▬▬ ▬▬ ▬▬▬▬ ▬▬▬ ▬ ▬▬ ▬▬ ▬▬▬▬ ▬▬▬ ▬ ▬▬ ▬▬ ▬▬▬▬ ▬▬▬ ▬ ▬▬ ▬▬ ▬▬▬▬ ▬▬▬ ▬ ▬▬ ▬▬ ▬▬▬▬ ▬▬▬ ▬ ▬▬ ▬▬ ▬▬▬▬ ▬▬▬ ▬ ▬▬ ▬▬ ▬▬▬▬ ▬▬▬ ▬ ▬▬ ▬▬ ▬▬▬▬ ▬▬▬ ▬ ▬▬ ▬▬ ▬▬▬▬ ▬▬▬ ▬ ▬▬ ▬▬ ▬▬▬▬ ▬▬▬ ▬ ▬▬ ▬▬ ▬▬▬▬ ▬▬▬ ▬ ▬▬ ▬▬ ▬▬▬▬ ▬▬▬ ▬ ▬▬ ▬▬ ▬▬▬▬ ▬▬▬ ▬ ▬▬ ▬▬ ▬▬▬▬ ▬▬▬ ▬ ▬▬ ▬▬ ▬▬▬▬ ▬▬▬ ▬ ▬▬ ▬▬ ▬▬▬▬ ▬▬▬ ▬ ▬▬ ▬▬ ▬▬▬▬ ▬▬▬ ▬ ▬▬ ▬▬ ▬▬▬▬ ▬▬▬ ▬ ▬▬ ▬▬ ▬▬▬▬ ▬▬▬ ▬ ▬▬ ▬▬ ▬▬▬▬ ▬▬▬ ▬ ▬▬ ▬▬ ▬▬▬▬ ▬▬▬ ▬ ▬▬ ▬▬ ▬▬▬▬ ▬▬▬ ▬ ▬▬ ▬▬ ▬▬▬▬ ▬▬▬ ▬ ▬▬ ▬▬ ▬▬▬▬ ▬▬▬ ▬ ▬▬ ▬▬ ▬▬▬▬ ▬▬▬ ▬ ▬▬ ▬▬ ▬▬▬▬ ▬▬▬ ▬ ▬▬ ▬▬ ▬▬▬▬ ▬▬▬ ▬ ▬▬ ▬▬ ▬▬▬▬ ▬▬▬ ▬ ▬▬ ▬▬ ▬▬▬▬ ▬▬▬ ▬ ▬▬ ▬▬ ▬▬▬▬ ▬▬▬ ▬ ▬▬ ▬▬ ▬▬▬▬ ▬▬▬ ▬ ▬▬ ▬▬ ▬▬▬▬ ▬▬▬ ▬ ▬▬ ▬▬ ▬▬▬▬ ▬▬▬ ▬ ▬▬ ▬▬ ▬▬▬▬ ▬▬▬ ▬ ▬▬ ▬▬ ▬▬▬▬ ▬▬▬ ▬ ▬▬ ▬▬ ▬▬▬▬ ▬▬▬ ▬ ▬▬ ▬▬ ▬▬▬▬ ▬▬▬ ▬ ▬▬ ▬▬ ▬▬▬▬ ▬▬▬ ▬ ▬▬ ▬▬ ▬▬▬▬ ▬▬▬ ▬ ▬▬ ▬▬ ▬▬▬▬ ▬▬▬ ▬ ▬▬ ▬▬ ▬▬▬▬ ▬▬▬ ▬ ▬▬ ▬▬ ▬▬▬▬ ▬▬▬ ▬ ▬▬ ▬▬ ▬▬▬▬ ▬▬▬ ▬ ▬▬ ▬▬ ▬▬▬▬ ▬▬▬ ▬ ▬▬ ▬▬ ▬▬▬▬ ▬▬▬ ▬ ▬▬ ▬▬ ▬▬▬▬ ▬▬▬ ▬ ▬▬ ▬▬ ▬▬▬▬ ▬▬▬ ▬ ▬▬ ▬▬ ▬▬▬▬ ▬▬▬ ▬ ▬▬ ▬▬ ▬▬▬▬ ▬▬▬ ▬ ▬▬ ▬▬ ▬▬▬▬ ▬▬▬ ▬ ▬▬ ▬▬ ▬▬▬▬ ▬▬▬ ▬ ▬▬ ▬▬ ▬▬▬▬ ▬▬▬ ▬ ▬▬ ▬▬ ▬▬▬▬ ▬▬▬ ▬ ▬▬ ▬▬ ▬▬▬▬ ▬▬▬ ▬ ▬▬ ▬▬ ▬▬▬▬ ▬▬▬ ▬ ▬▬ ▬▬ ▬▬▬▬ ▬▬▬ ▬ ▬▬ ▬▬ ▬▬▬▬ ▬▬▬ ▬ ▬▬ ▬▬ ▬▬▬▬ ▬▬▬ ▬ ▬▬ ▬▬ ▬▬▬▬ ▬▬▬ ▬ ▬▬ ▬▬ ▬▬▬▬ ▬▬▬ ▬ ▬▬ ▬▬ ▬▬▬▬ ▬▬▬ ▬ ▬▬ ▬▬ ▬▬▬▬ ▬▬▬ ▬ ▬▬ ▬▬ ▬▬▬▬ ▬▬▬ ▬ ▬▬ ▬▬ ▬▬▬▬ ▬▬▬ ▬ ▬▬ ▬▬ ▬▬▬▬ ▬▬▬ ▬ ▬▬ ▬▬ ▬▬▬▬ ▬▬▬ ▬ ▬▬ ▬▬ ▬▬▬▬ ▬▬▬ ▬ ▬▬ ▬▬ ▬▬▬▬ ▬▬▬ ▬ ▬▬ ▬▬ ▬▬▬▬ ▬▬▬ ▬ ▬▬ ▬▬ ▬▬▬▬ ▬▬▬ ▬ ▬▬ ▬▬ ▬▬▬▬ ▬▬▬ ▬ ▬▬ ▬▬ ▬▬▬▬ ▬▬▬ ▬ ▬▬ ▬▬
▬▬▬▬ ▬▬▬ ▬ ▬▬ ▬▬ ▬▬▬▬ ▬▬▬ ▬ ▬▬ ▬▬ ▬▬▬▬ ▬▬▬ ▬ ▬▬ ▬▬ ▬▬▬▬ ▬▬▬ ▬ ▬▬ ▬▬ ▬▬▬▬ ▬▬▬ ▬ ▬▬ ▬▬ ▬▬▬▬ ▬▬▬ ▬ ▬▬ ▬▬ ▬▬▬▬ ▬▬▬ ▬ ▬▬ ▬▬ ▬▬▬▬ ▬▬▬ ▬ ▬▬ ▬▬ ▬▬▬▬ ▬▬▬ ▬ ▬▬ ▬▬ ▬▬▬▬ ▬▬▬ ▬ ▬▬ ▬▬ ▬▬▬▬ ▬▬▬ ▬ ▬▬ ▬▬ ▬▬▬▬ ▬▬▬ ▬ ▬▬ ▬▬ ▬▬▬▬ ▬▬▬ ▬ ▬▬ ▬▬ ▬▬▬▬ ▬▬▬ ▬ ▬▬ ▬▬ ▬▬▬▬ ▬▬▬ ▬ ▬▬ ▬▬ ▬▬▬▬ ▬▬▬ ▬ ▬▬ ▬▬ ▬▬▬▬ ▬▬▬ ▬ ▬▬ ▬▬ ▬▬▬▬ ▬▬▬ ▬ ▬▬ ▬▬ ▬▬▬▬ ▬▬▬ ▬ ▬▬ ▬▬ ▬▬▬▬ ▬▬▬ ▬ ▬▬ ▬▬ ▬▬▬▬ ▬▬▬ ▬ ▬▬ ▬▬ ▬▬▬▬ ▬▬▬ ▬ ▬▬ ▬▬ ▬▬▬▬ ▬▬▬ ▬ ▬▬ ▬▬ ▬▬▬▬ ▬▬▬ ▬ ▬▬ ▬▬ ▬▬▬▬ ▬▬▬ ▬ ▬▬ ▬▬ ▬▬▬▬ ▬▬▬ ▬ ▬▬ ▬▬ ▬▬▬▬ ▬▬▬ ▬ ▬▬ ▬▬ ▬▬▬▬ ▬▬▬ ▬ ▬▬ ▬▬ ▬▬▬▬ ▬▬▬ ▬ ▬▬ ▬▬ ▬▬▬▬ ▬▬▬ ▬ ▬▬ ▬▬ ▬▬▬▬ ▬▬▬ ▬ ▬▬ ▬▬ ▬▬▬▬ ▬▬▬ ▬ ▬▬ ▬▬ ▬▬▬▬ ▬▬▬ ▬ ▬▬ ▬▬ ▬▬▬▬ ▬▬▬ ▬ ▬▬ ▬▬ ▬▬▬▬ ▬▬▬ ▬ ▬▬ ▬▬ ▬▬▬▬ ▬▬▬ ▬ ▬▬ ▬▬ ▬▬▬▬ ▬▬▬ ▬ ▬▬ ▬▬ ▬▬▬▬ ▬▬▬ ▬ ▬▬ ▬▬ ▬▬▬▬ ▬▬▬ ▬ ▬▬ ▬▬ ▬▬▬▬ ▬▬▬ ▬ ▬▬ ▬▬ ▬▬▬▬ ▬▬▬ ▬ ▬▬ ▬▬ ▬▬▬▬ ▬▬▬ ▬ ▬▬ ▬▬ ▬▬▬▬ ▬▬▬ ▬ ▬▬ ▬▬ ▬▬▬▬ ▬▬▬ ▬ ▬▬ ▬▬ ▬▬▬▬ ▬▬▬ ▬ ▬▬ ▬▬ ▬▬▬▬ ▬▬▬ ▬ ▬▬ ▬▬ ▬▬▬▬ ▬▬▬ ▬ ▬▬ ▬▬ ▬▬▬▬ ▬▬▬ ▬ ▬▬ ▬▬ ▬▬▬▬ ▬▬▬ ▬ ▬▬ ▬▬ ▬▬▬▬ ▬▬▬ ▬ ▬▬ ▬▬ ▬▬▬▬ ▬▬▬ ▬ ▬▬ ▬▬ ▬▬▬▬ ▬▬▬ ▬ ▬▬ ▬▬ ▬▬▬▬ ▬▬▬ ▬ ▬▬ ▬▬ ▬▬▬▬ ▬▬▬ ▬ ▬▬ ▬▬ ▬▬▬▬ ▬▬▬ ▬ ▬▬ ▬▬ ▬▬▬▬ ▬▬▬ ▬ ▬▬ ▬▬ ▬▬▬▬ ▬▬▬ ▬ ▬▬ ▬▬ ▬▬▬▬ ▬▬▬ ▬ ▬▬ ▬▬ ▬▬▬▬ ▬▬▬ ▬ ▬▬ ▬▬ ▬▬▬▬ ▬▬▬ ▬ ▬▬ ▬▬ ▬▬▬▬ ▬▬▬ ▬ ▬▬ ▬▬ ▬▬▬▬ ▬▬▬ ▬ ▬▬ ▬▬ ▬▬▬▬ ▬▬▬ ▬ ▬▬ ▬▬ ▬▬▬▬ ▬▬▬ ▬ ▬▬ ▬▬ ▬▬▬▬ ▬▬▬ ▬ ▬▬ ▬▬ ▬▬▬▬ ▬▬▬ ▬ ▬▬ ▬▬ ▬▬▬▬ ▬▬▬ ▬ ▬▬ ▬▬ ▬▬▬▬ ▬▬▬ ▬ ▬▬ ▬▬ ▬▬▬▬ ▬▬▬ ▬ ▬▬ ▬▬ ▬▬▬▬ ▬▬▬ ▬ ▬▬ ▬▬ ▬▬▬▬ ▬▬▬ ▬ ▬▬ ▬▬ ▬▬▬▬ ▬▬▬ ▬ ▬▬ ▬▬ ▬▬▬▬ ▬▬▬ ▬ ▬▬ ▬▬ ▬▬▬▬ ▬▬▬ ▬ ▬▬ ▬▬ ▬▬▬▬ ▬▬▬ ▬ ▬▬ ▬▬ ▬▬▬▬ ▬▬▬ ▬ ▬▬ ▬▬ ▬▬▬▬ ▬▬▬ ▬ ▬▬ ▬▬ ▬▬▬▬ ▬▬▬ ▬ ▬▬ ▬▬ ▬▬▬▬ ▬▬▬ ▬ ▬▬ ▬▬ ▬▬▬▬ ▬▬▬ ▬ ▬▬ ▬▬ ▬▬▬▬ ▬▬▬ ▬ ▬▬ ▬▬ ▬▬▬▬ ▬▬▬ ▬ ▬▬ ▬▬ ▬▬▬▬ ▬▬▬ ▬ ▬▬ ▬▬ ▬▬▬▬ ▬▬▬ ▬ ▬▬ ▬▬ ▬▬▬▬ ▬▬▬ ▬ ▬▬ ▬▬ ▬▬▬▬ ▬▬▬ ▬ ▬▬ ▬▬ ▬▬▬▬ ▬▬▬ ▬ ▬▬ ▬▬ ▬▬▬▬ ▬▬▬ ▬ ▬▬ ▬▬ ▬▬▬▬ ▬▬▬ ▬ ▬▬ ▬▬ ▬▬▬▬ ▬▬▬ ▬ ▬▬ ▬▬ ▬▬▬▬ ▬▬▬ ▬ ▬▬ ▬▬ ▬▬▬▬ ▬▬▬ ▬ ▬▬ ▬▬ ▬▬▬▬ ▬▬▬ ▬ ▬▬ ▬▬ ▬▬▬▬ ▬▬▬ ▬ ▬▬ ▬▬ ▬▬▬▬ ▬▬▬ ▬ ▬▬ ▬▬ ▬▬▬▬ ▬▬▬ ▬ ▬▬ ▬▬ ▬▬▬▬ ▬▬▬ ▬ ▬▬ ▬▬ ▬▬▬▬ ▬▬▬ ▬ ▬▬ ▬▬ ▬▬▬▬ ▬▬▬ ▬ ▬▬ ▬▬ ▬▬▬▬ ▬▬▬ ▬ ▬▬ ▬▬ ▬▬▬▬ ▬▬▬ ▬ ▬▬ ▬▬ ▬▬▬▬ ▬▬▬ ▬ ▬▬ ▬▬ ▬▬▬▬ ▬▬▬ ▬ ▬▬ ▬▬ ▬▬▬▬ ▬▬▬ ▬ ▬▬ ▬▬ ▬▬▬▬ ▬▬▬ ▬ ▬▬ ▬▬ ▬▬▬▬ ▬▬▬ ▬ ▬▬ ▬▬ ▬▬▬▬ ▬▬▬ ▬ ▬▬ ▬▬ ▬▬▬▬ ▬▬▬ ▬ ▬▬ ▬▬ ▬▬▬▬ ▬▬▬ ▬ ▬▬ ▬▬ ▬▬▬▬ ▬▬▬ ▬ ▬▬ ▬▬ ▬▬▬▬ ▬▬▬ ▬ ▬▬ ▬▬ ▬▬▬▬ ▬▬▬ ▬ ▬▬ ▬▬ ▬▬▬▬ ▬▬▬ ▬ ▬▬ ▬▬ ▬▬▬▬ ▬▬▬ ▬ ▬▬ ▬▬ ▬▬▬▬ ▬▬▬ ▬ ▬▬ ▬▬ ▬▬▬▬ ▬▬▬ ▬ ▬▬ ▬▬ ▬▬▬▬ ▬▬▬ ▬ ▬▬ ▬▬ ▬▬▬▬ ▬▬▬ ▬ ▬▬ ▬▬ ▬▬▬▬ ▬▬▬ ▬ ▬▬ ▬▬ ▬▬▬▬ ▬▬▬ ▬ ▬▬ ▬▬ ▬▬▬▬ ▬▬▬ ▬ ▬▬ ▬▬ ▬▬▬▬ ▬▬▬ ▬ ▬▬ ▬▬ ▬▬▬▬ ▬▬▬ ▬ ▬▬ ▬▬ ▬▬▬▬ ▬▬▬ ▬ ▬▬ ▬▬ ▬▬▬▬ ▬▬▬ ▬ ▬▬ ▬▬ ▬▬▬▬ ▬▬▬ ▬ ▬▬ ▬▬ ▬▬▬▬ ▬▬▬ ▬ ▬▬ ▬▬ ▬▬▬▬ ▬▬▬ ▬ ▬▬ ▬▬ ▬▬▬▬ ▬▬▬ ▬ ▬▬ ▬▬ ▬▬▬▬ ▬▬▬ ▬ ▬▬ ▬▬ ▬▬▬▬ ▬▬▬ ▬ ▬▬ ▬▬ ▬▬▬▬ ▬▬▬ ▬ ▬▬ ▬▬ ▬▬▬▬ ▬▬▬ ▬ ▬▬ ▬▬ ▬▬▬▬ ▬▬▬ ▬ ▬▬ ▬▬ ▬▬▬▬ ▬▬▬ ▬ ▬▬ ▬▬ ▬▬▬▬ ▬▬▬ ▬ ▬▬ ▬▬ ▬▬▬▬ ▬▬▬ ▬ ▬▬ ▬▬ ▬▬▬▬ ▬▬▬ ▬ ▬▬ ▬▬ ▬▬▬▬ ▬▬▬ ▬ ▬▬ ▬▬ ▬▬▬▬ ▬▬▬ ▬ ▬▬ ▬▬ ▬▬▬▬ ▬▬▬ ▬ ▬▬ ▬▬ ▬▬▬▬ ▬▬▬ ▬ ▬▬ ▬▬ ▬▬▬▬ ▬▬▬ ▬ ▬▬ ▬▬ ▬▬▬▬ ▬▬▬ ▬ ▬▬ ▬▬ ▬▬▬▬ ▬▬▬ ▬ ▬▬ ▬▬ ▬▬▬▬ ▬▬▬ ▬ ▬▬ ▬▬ ▬▬▬▬ ▬▬▬ ▬ ▬▬ ▬▬ ▬▬▬▬ ▬▬▬ ▬ ▬▬ ▬▬ ▬▬▬▬ ▬▬▬ ▬ ▬▬ ▬▬ ▬▬▬▬ ▬▬▬ ▬ ▬▬ ▬▬ ▬▬▬▬ ▬▬▬ ▬ ▬▬ ▬▬ ▬▬▬▬ ▬▬▬ ▬ ▬▬ ▬▬ ▬▬▬▬ ▬▬▬ ▬ ▬▬ ▬▬ ▬▬▬▬ ▬▬▬ ▬ ▬▬ ▬▬ ▬▬▬▬ ▬▬▬ ▬ ▬▬ ▬▬ ▬▬▬▬ ▬▬▬ ▬ ▬▬ ▬▬ ▬▬▬▬ ▬▬▬ ▬ ▬▬ ▬▬ ▬▬▬▬ ▬▬▬ ▬ ▬▬ ▬▬ ▬▬▬▬ ▬▬▬ ▬ ▬▬ ▬▬ ▬▬▬▬ ▬▬▬ ▬ ▬▬ ▬▬ ▬▬▬▬ ▬▬▬ ▬ ▬▬ ▬▬ ▬▬▬▬ ▬▬▬ ▬ ▬▬ ▬▬ ▬▬▬▬ ▬▬▬ ▬ ▬▬ ▬▬ ▬▬▬▬ ▬▬▬ ▬ ▬▬ ▬▬ ▬▬▬▬ ▬▬▬ ▬ ▬▬ ▬▬ ▬▬▬▬ ▬▬▬ ▬ ▬▬ ▬▬ ▬▬▬▬ ▬▬▬ ▬ ▬▬ ▬▬ ▬▬▬▬ ▬▬▬ ▬ ▬▬ ▬▬ ▬▬▬▬ ▬▬▬ ▬ ▬▬ ▬▬ ▬▬▬▬ ▬▬▬ ▬ ▬▬ ▬▬ ▬▬▬▬ ▬▬▬ ▬ ▬▬ ▬▬ ▬▬▬▬ ▬▬▬ ▬ ▬▬ ▬▬ ▬▬▬▬ ▬▬▬ ▬ ▬▬ ▬▬ ▬▬▬▬ ▬▬▬ ▬ ▬▬ ▬▬ ▬▬▬▬ ▬▬▬ ▬ ▬▬ ▬▬ ▬▬▬▬ ▬▬▬ ▬ ▬▬ ▬▬ ▬▬▬▬ ▬▬▬ ▬ ▬▬ ▬▬ ▬▬▬▬ ▬▬▬ ▬ ▬▬ ▬▬ ▬▬▬▬ ▬▬▬ ▬ ▬▬ ▬▬ ▬▬▬▬ ▬▬▬ ▬ ▬▬ ▬▬ ▬▬▬▬ ▬▬▬ ▬ ▬▬ ▬▬ ▬▬▬▬ ▬▬▬ ▬ ▬▬ ▬▬ ▬▬▬▬ ▬▬▬ ▬ ▬▬ ▬▬ ▬▬▬▬ ▬▬▬ ▬ ▬▬ ▬▬ ▬▬▬▬ ▬▬▬ ▬ ▬▬ ▬▬ ▬▬▬▬ ▬▬▬ ▬ ▬▬ ▬▬ ▬▬▬▬ ▬▬▬ ▬ ▬▬ ▬▬ ▬▬▬▬ ▬▬▬ ▬ ▬▬ ▬▬ ▬▬▬▬ ▬▬▬ ▬ ▬▬ ▬▬ ▬▬▬▬ ▬▬▬ ▬ ▬▬ ▬▬ ▬▬▬▬ ▬▬▬ ▬ ▬▬ ▬▬ ▬▬▬▬ ▬▬▬ ▬ ▬▬ ▬▬ ▬▬▬▬ ▬▬▬ ▬ ▬▬ ▬▬ ▬▬▬▬ ▬▬▬ ▬ ▬▬ ▬▬ ▬▬▬▬ ▬▬▬ ▬ ▬▬ ▬▬ ▬▬▬▬ ▬▬▬ ▬ ▬▬ ▬▬ ▬▬▬▬ ▬▬▬ ▬ ▬▬ ▬▬ ▬▬▬▬ ▬▬▬ ▬ ▬▬ ▬▬ ▬▬▬▬ ▬▬▬ ▬ ▬▬ ▬▬ ▬▬▬▬ ▬▬▬ ▬ ▬▬ ▬▬ ▬▬▬▬ ▬▬▬ ▬ ▬▬ ▬▬ ▬▬▬▬ ▬▬▬ ▬ ▬▬ ▬▬ ▬▬▬▬ ▬▬▬ ▬ ▬▬ ▬▬ ▬▬▬▬ ▬▬▬ ▬ ▬▬ ▬▬ ▬▬▬▬ ▬▬▬ ▬ ▬▬ ▬▬ ▬▬▬▬ ▬▬▬ ▬ ▬▬ ▬▬ ▬▬▬▬ ▬▬▬ ▬ ▬▬ ▬▬ ▬▬▬▬ ▬▬▬ ▬ ▬▬ ▬▬ ▬▬▬▬ ▬▬▬ ▬ ▬▬ ▬▬ ▬▬▬▬ ▬▬▬ ▬ ▬▬ ▬▬ ▬▬▬▬ ▬▬▬ ▬ ▬▬ ▬▬ ▬▬▬▬ ▬▬▬ ▬ ▬▬ ▬▬ ▬▬▬▬ ▬▬▬ ▬ ▬▬ ▬▬ ▬▬▬▬ ▬▬▬ ▬ ▬▬ ▬▬ ▬▬▬▬ ▬▬▬ ▬ ▬▬ ▬▬ ▬▬▬▬ ▬▬▬ ▬ ▬▬ ▬▬ ▬▬▬▬ ▬▬▬ ▬ ▬▬ ▬▬ ▬▬▬▬ ▬▬▬ ▬ ▬▬ ▬▬ ▬▬▬▬ ▬▬▬ ▬ ▬▬ ▬▬ ▬▬▬▬ ▬▬▬ ▬ ▬▬ ▬▬ ▬▬▬▬ ▬▬▬ ▬ ▬▬ ▬▬ ▬▬▬▬ ▬▬▬ ▬ ▬▬ ▬▬ ▬▬▬▬ ▬▬▬ ▬ ▬▬ ▬▬ ▬▬▬▬ ▬▬▬ ▬ ▬▬ ▬▬ ▬▬▬▬ ▬▬▬ ▬ ▬▬ ▬▬ ▬▬▬▬ ▬▬▬ ▬ ▬▬ ▬▬ ▬▬▬▬ ▬▬▬ ▬ ▬▬ ▬▬ ▬▬▬▬ ▬▬▬ ▬ ▬▬ ▬▬ ▬▬▬▬ ▬▬▬ ▬ ▬▬ ▬▬ ▬▬▬▬ ▬▬▬ ▬ ▬▬ ▬▬ ▬▬▬▬ ▬▬▬ ▬ ▬▬ ▬▬ ▬▬▬▬ ▬▬▬ ▬ ▬▬ ▬▬ ▬▬▬▬ ▬▬▬ ▬ ▬▬ ▬▬ ▬▬▬▬ ▬▬▬ ▬ ▬▬ ▬▬ ▬▬▬▬ ▬▬▬ ▬ ▬▬ ▬▬ ▬▬▬▬ ▬▬▬ ▬ ▬▬ ▬▬ ▬▬▬▬ ▬▬▬ ▬ ▬▬ ▬▬ ▬▬▬▬ ▬▬▬ ▬ ▬▬ ▬▬ ▬▬▬▬ ▬▬▬ ▬ ▬▬ ▬▬ ▬▬▬▬ ▬▬▬ ▬ ▬▬ ▬▬ ▬▬▬▬ ▬▬▬ ▬ ▬▬ ▬▬ ▬▬▬▬ ▬▬▬ ▬ ▬▬ ▬▬ ▬▬▬▬ ▬▬▬ ▬ ▬▬ ▬▬ ▬▬▬▬ ▬▬▬ ▬ ▬▬ ▬▬ ▬▬▬▬ ▬▬▬ ▬ ▬▬ ▬▬ ▬▬▬▬ ▬▬▬ ▬ ▬▬ ▬▬ ▬▬▬▬ ▬▬▬ ▬ ▬▬ ▬▬ ▬▬▬▬ ▬▬▬ ▬ ▬▬ ▬▬ ▬▬▬▬ ▬▬▬ ▬ ▬▬ ▬▬ ▬▬▬▬ ▬▬▬ ▬ ▬▬ ▬▬ ▬▬▬▬ ▬▬▬ ▬ ▬▬ ▬▬ ▬▬▬▬ ▬▬▬ ▬ ▬▬ ▬▬ ▬▬▬▬ ▬▬▬ ▬ ▬▬ ▬▬ ▬▬▬▬ ▬▬▬ ▬ ▬▬ ▬▬ ▬▬▬▬ ▬▬▬ ▬ ▬▬ ▬▬ ▬▬▬▬ ▬▬▬ ▬ ▬▬ ▬▬ ▬▬▬▬ ▬▬▬ ▬ ▬▬ ▬▬ ▬▬▬▬ ▬▬▬ ▬ ▬▬ ▬▬ ▬▬▬▬ ▬▬▬ ▬ ▬▬ ▬▬ ▬▬▬▬ ▬▬▬ ▬ ▬▬ ▬▬ ▬▬▬▬ ▬▬▬ ▬ ▬▬ ▬▬ ▬▬▬▬ ▬▬▬ ▬ ▬▬ ▬▬ ▬▬▬▬ ▬▬▬ ▬ ▬▬ ▬▬ ▬▬▬▬ ▬▬▬ ▬ ▬▬ ▬▬ ▬▬▬▬ ▬▬▬ ▬ ▬▬ ▬▬ ▬▬▬▬ ▬▬▬ ▬ ▬▬ ▬▬ ▬▬▬▬ ▬▬▬
SUPREME COURT.
WEDNESDAY, APRIL 13.
[Before His Honor Mr Justice Johnston and a special jury.]
GOVERNMENT NOMINEES IN RE QUALMER V. THERESA ANN B. QUALMER.
▬▬▬▬ ▬▬▬ ▬ ▬▬ ▬▬ ▬▬▬▬ ▬▬▬ ▬ ▬▬ ▬▬ ▬▬▬▬ ▬▬▬ ▬ ▬▬ ▬▬ ▬▬▬▬ ▬▬▬ ▬ ▬▬ ▬▬ ▬▬▬▬ ▬▬▬ ▬ ▬▬ ▬▬ ▬▬▬▬ ▬▬▬ ▬ ▬▬ ▬▬ ▬▬▬▬ ▬▬▬ ▬ ▬▬ ▬▬ ▬▬▬▬ ▬▬▬ ▬ ▬▬ ▬▬ ▬▬▬▬ ▬▬▬ ▬ ▬▬ ▬▬ ▬▬▬▬ ▬▬▬ ▬ ▬▬ ▬▬ ▬▬▬▬ ▬▬▬ ▬ ▬▬ ▬▬ ▬▬▬▬ ▬▬▬ ▬ ▬▬ ▬▬ ▬▬▬▬ ▬▬▬ ▬ ▬▬ ▬▬ ▬▬▬▬ ▬▬▬ ▬ ▬▬ ▬▬ ▬▬▬▬ ▬▬▬ ▬ ▬▬ ▬▬ ▬▬▬▬ ▬▬▬ ▬ ▬▬ ▬▬ ▬▬▬▬ ▬▬▬ ▬ ▬▬ ▬▬ ▬▬▬▬ ▬▬▬ ▬ ▬▬ ▬▬ ▬▬▬▬ ▬▬▬ ▬ ▬▬ ▬▬ ▬▬▬▬ ▬▬▬ ▬ ▬▬ ▬▬ ▬▬▬▬ ▬▬▬ ▬ ▬▬ ▬▬ ▬▬▬▬ ▬▬▬ ▬ ▬▬ ▬▬ ▬▬▬▬ ▬▬▬ ▬ ▬▬ ▬▬ ▬▬▬▬ ▬▬▬ ▬ ▬▬ ▬▬ ▬▬▬▬ ▬▬▬ ▬ ▬▬ ▬▬ ▬▬▬▬ ▬▬▬ ▬ ▬▬ ▬▬ ▬▬▬▬ ▬▬▬ ▬ ▬▬ ▬▬ ▬▬▬▬ ▬▬▬ ▬ ▬▬ ▬▬ ▬▬▬▬ ▬▬▬ ▬ ▬▬ ▬▬ ▬▬▬▬ ▬▬▬ ▬ ▬▬ ▬▬ ▬▬▬▬ ▬▬▬ ▬ ▬▬ ▬▬ ▬▬▬▬ ▬▬▬ ▬ ▬▬ ▬▬ ▬▬▬▬ ▬▬▬ ▬ ▬▬ ▬▬ ▬▬▬▬ ▬▬▬ ▬ ▬▬ ▬▬ ▬▬▬▬ ▬▬▬ ▬ ▬▬ ▬▬ ▬▬▬▬ ▬▬▬ ▬ ▬▬ ▬▬ ▬▬▬▬ ▬▬▬ ▬ ▬▬ ▬▬ ▬▬▬▬ ▬▬▬ ▬ ▬▬ ▬▬ ▬▬▬▬ ▬▬▬ ▬ ▬▬ ▬▬ ▬▬▬▬ ▬▬▬ ▬ ▬▬ ▬▬ ▬▬▬▬ ▬▬▬ ▬ ▬▬ ▬▬ ▬▬▬▬ ▬▬▬ ▬ ▬▬ ▬▬ ▬▬▬▬ ▬▬▬ ▬ ▬▬ ▬▬ ▬▬▬▬ ▬▬▬ ▬ ▬▬ ▬▬ ▬▬▬▬ ▬▬▬ ▬ ▬▬ ▬▬ ▬▬▬▬ ▬▬▬ ▬ ▬▬ ▬▬ ▬▬▬▬ ▬▬▬ ▬ ▬▬ ▬▬ ▬▬▬▬ ▬▬▬ ▬ ▬▬ ▬▬ ▬▬▬▬ ▬▬▬ ▬ ▬▬ ▬▬ ▬▬▬▬ ▬▬▬ ▬ ▬▬ ▬▬ ▬▬▬▬ ▬▬▬ ▬ ▬▬ ▬▬ ▬▬▬▬ ▬▬▬ ▬ ▬▬ ▬▬ ▬▬▬▬ ▬▬▬ ▬ ▬▬ ▬▬ ▬▬▬▬ ▬▬▬ ▬ ▬▬ ▬▬ ▬▬▬▬ ▬▬▬ ▬ ▬▬ ▬▬ ▬▬▬▬ ▬▬▬ ▬ ▬▬ ▬▬ ▬▬▬▬ ▬▬▬ ▬ ▬▬ ▬▬ ▬▬▬▬ ▬▬▬ ▬ ▬▬ ▬▬ ▬▬▬▬ ▬▬▬ ▬ ▬▬ ▬▬ ▬▬▬▬ ▬▬▬ ▬ ▬▬ ▬▬ ▬▬▬▬ ▬▬▬ ▬ ▬▬ ▬▬ ▬▬▬▬ ▬▬▬ ▬ ▬▬ ▬▬ ▬▬▬▬ ▬▬▬ ▬ ▬▬ ▬▬ ▬▬▬▬ ▬▬▬ ▬ ▬▬ ▬▬ ▬▬▬▬ ▬▬▬ ▬ ▬▬ ▬▬ ▬▬▬▬ ▬▬▬ ▬ ▬▬ ▬▬ ▬▬▬▬ ▬▬▬ ▬ ▬▬ ▬▬ ▬▬▬▬ ▬▬▬ ▬ ▬▬ ▬▬ ▬▬▬▬ ▬▬▬ ▬ ▬▬ ▬▬ ▬▬▬▬ ▬▬▬ ▬ ▬▬ ▬▬ ▬▬▬▬ ▬▬▬ ▬ ▬▬ ▬▬ ▬▬▬▬ ▬▬▬ ▬ ▬▬ ▬▬ ▬▬▬▬ ▬▬▬ ▬ ▬▬ ▬▬ ▬▬▬▬ ▬▬▬ ▬ ▬▬ ▬▬ ▬▬▬▬ ▬▬▬ ▬ ▬▬ ▬▬ ▬▬▬▬ ▬▬▬ ▬ ▬▬ ▬▬ ▬▬▬▬ ▬▬▬ ▬ ▬▬ ▬▬ ▬▬▬▬ ▬▬▬ ▬ ▬▬ ▬▬ ▬▬▬▬ ▬▬▬ ▬ ▬▬ ▬▬ ▬▬▬▬ ▬▬▬ ▬ ▬▬ ▬▬ ▬▬▬▬ ▬▬▬ ▬ ▬▬ ▬▬ ▬▬▬▬ ▬▬▬ ▬ ▬▬ ▬▬ ▬▬▬▬ ▬▬▬ ▬ ▬▬ ▬▬ ▬▬▬▬ ▬▬▬ ▬ ▬▬ ▬▬ ▬▬▬▬ ▬▬▬ ▬ ▬▬ ▬▬ ▬▬▬▬ ▬▬▬ ▬ ▬▬ ▬▬ ▬▬▬▬ ▬▬▬ ▬ ▬▬ ▬▬ ▬▬▬▬ ▬▬▬ ▬ ▬▬ ▬▬ ▬▬▬▬ ▬▬▬ ▬ ▬▬ ▬▬ ▬▬▬▬ ▬▬▬ ▬ ▬▬ ▬▬ ▬▬▬▬ ▬▬▬ ▬ ▬▬ ▬▬ ▬▬▬▬ ▬▬▬ ▬ ▬▬ ▬▬ ▬▬▬▬ ▬▬▬ ▬ ▬▬ ▬▬ ▬▬▬▬ ▬▬▬ ▬ ▬▬ ▬▬ ▬▬▬▬ ▬▬▬ ▬ ▬▬ ▬▬ ▬▬▬▬ ▬▬▬ ▬ ▬▬ ▬▬ ▬▬▬▬ ▬▬▬ ▬ ▬▬ ▬▬ ▬▬▬▬ ▬▬▬ ▬ ▬▬ ▬▬ ▬▬▬▬ ▬▬▬ ▬ ▬▬ ▬▬ ▬▬▬▬ ▬▬▬ ▬ ▬▬ ▬▬ ▬▬▬▬ ▬▬▬ ▬ ▬▬ ▬▬ ▬▬▬▬ ▬▬▬ ▬ ▬▬ ▬▬ ▬▬▬▬ ▬▬▬ ▬ ▬▬ ▬▬ ▬▬▬▬ ▬▬▬ ▬ ▬▬ ▬▬ ▬▬▬▬ ▬▬▬ ▬ ▬▬ ▬▬ ▬▬▬▬ ▬▬▬ ▬ ▬▬ ▬▬ ▬▬▬▬ ▬▬▬ ▬ ▬▬ ▬▬ ▬▬▬▬ ▬▬▬ ▬ ▬▬ ▬▬ ▬▬▬▬ ▬▬▬ ▬ ▬▬ ▬▬ ▬▬▬▬ ▬▬▬ ▬ ▬▬ ▬▬ ▬▬▬▬ ▬▬▬ ▬ ▬▬ ▬▬ ▬▬▬▬ ▬▬▬ ▬ ▬▬ ▬▬ ▬▬▬▬ ▬▬▬ ▬ ▬▬ ▬▬ ▬▬▬▬ ▬▬▬ ▬ ▬▬ ▬▬ ▬▬▬▬ ▬▬▬ ▬ ▬▬ ▬▬ ▬▬▬▬ ▬▬▬ ▬ ▬▬ ▬▬ ▬▬▬▬ ▬▬▬ ▬ ▬▬ ▬▬ ▬▬▬▬ ▬▬▬ ▬ ▬▬ ▬▬ ▬▬▬▬ ▬▬▬ ▬ ▬▬ ▬▬ ▬▬▬▬ ▬▬▬ ▬ ▬▬ ▬▬ ▬▬▬▬ ▬▬▬ ▬ ▬▬ ▬▬ ▬▬▬▬ ▬▬▬ ▬ ▬▬ ▬▬ ▬▬▬▬ ▬▬▬ ▬ ▬▬ ▬▬ ▬▬▬▬ ▬▬▬ ▬ ▬▬ ▬▬ ▬▬▬▬ ▬▬▬ ▬ ▬▬ ▬▬ ▬▬▬▬ ▬▬▬ ▬ ▬▬ ▬▬ ▬▬▬▬ ▬▬▬ ▬ ▬▬ ▬▬ ▬▬▬▬ ▬▬▬ ▬ ▬▬ ▬▬ ▬▬▬▬ ▬▬▬ ▬ ▬▬ ▬▬ ▬▬▬▬ ▬▬▬ ▬ ▬▬ ▬▬ ▬▬▬▬ ▬▬▬ ▬ ▬▬ ▬▬ ▬▬▬▬ ▬▬▬ ▬ ▬▬ ▬▬ ▬▬▬▬ ▬▬▬ ▬ ▬▬ ▬▬ ▬▬▬▬ ▬▬▬ ▬ ▬▬ ▬▬ ▬▬▬▬ ▬▬▬ ▬ ▬▬ ▬▬ ▬▬▬▬ ▬▬▬ ▬ ▬▬ ▬▬ ▬▬▬▬ ▬▬▬ ▬ ▬▬ ▬▬ ▬▬▬▬ ▬▬▬ ▬ ▬▬ ▬▬ ▬▬▬▬ ▬▬▬ ▬ ▬▬ ▬▬ ▬▬▬▬ ▬▬▬ ▬ ▬▬ ▬▬ ▬▬▬▬ ▬▬▬ ▬ ▬▬ ▬▬ ▬▬▬▬ ▬▬▬ ▬ ▬▬ ▬▬ ▬▬▬▬ ▬▬▬ ▬ ▬▬ ▬▬ ▬▬▬▬ ▬▬▬ ▬ ▬▬ ▬▬ ▬▬▬▬ ▬▬▬ ▬ ▬▬ ▬▬ ▬▬▬▬ ▬▬▬ ▬ ▬▬ ▬▬ ▬▬▬▬ ▬▬▬ ▬ ▬▬ ▬▬ ▬▬▬▬ ▬▬▬ ▬ ▬▬ ▬▬ ▬▬▬▬ ▬▬▬ ▬ ▬▬ ▬▬ ▬▬▬▬ ▬▬▬ ▬ ▬▬ ▬▬ ▬▬▬▬ ▬▬▬ ▬ ▬▬ ▬▬ ▬▬▬▬ ▬▬▬ ▬ ▬▬ ▬▬ ▬▬▬▬ ▬▬▬ ▬ ▬▬ ▬▬ ▬▬▬▬ ▬▬▬ ▬ ▬▬ ▬▬ ▬▬▬▬ ▬▬▬ ▬ ▬▬ ▬▬ ▬▬▬▬ ▬▬▬ ▬ ▬▬ ▬▬ ▬▬▬▬ ▬▬▬ ▬ ▬▬ ▬▬ ▬▬▬▬ ▬▬▬ ▬ ▬▬ ▬▬ ▬▬▬▬ ▬▬▬ ▬ ▬▬ ▬▬ ▬▬▬▬ ▬▬▬ ▬ ▬▬ ▬▬ ▬▬▬▬ ▬▬▬ ▬ ▬▬ ▬▬ ▬▬▬▬ ▬▬▬ ▬ ▬▬ ▬▬ ▬▬▬▬ ▬▬▬ ▬ ▬▬ ▬▬ ▬▬▬▬ ▬▬▬ ▬ ▬▬ ▬▬ ▬▬▬▬ ▬▬▬ ▬ ▬▬ ▬▬ ▬▬▬▬ ▬▬▬ ▬ ▬▬ ▬▬ ▬▬▬▬ ▬▬▬ ▬ ▬▬ ▬▬ ▬▬▬▬ ▬▬▬ ▬ ▬▬ ▬▬ ▬▬▬▬ ▬▬▬ ▬ ▬▬ ▬▬ ▬▬▬▬ ▬▬▬ ▬ ▬▬ ▬▬ ▬▬▬▬ ▬▬▬ ▬ ▬▬ ▬▬ ▬▬▬▬ ▬▬▬ ▬ ▬▬ ▬▬ ▬▬▬▬ ▬▬▬ ▬ ▬▬ ▬▬ ▬▬▬▬ ▬▬▬ ▬ ▬▬ ▬▬ ▬▬▬▬ ▬▬▬ ▬ ▬▬ ▬▬ ▬▬▬▬ ▬▬▬ ▬ ▬▬ ▬▬ ▬▬▬▬ ▬▬▬ ▬ ▬▬ ▬▬ ▬▬▬▬ ▬▬▬ ▬ ▬▬ ▬▬ ▬▬▬▬ ▬▬▬ ▬ ▬▬ ▬▬ ▬▬▬▬ ▬▬▬ ▬ ▬▬ ▬▬ ▬▬▬▬ ▬▬▬ ▬ ▬▬ ▬▬ ▬▬▬▬ ▬▬▬ ▬ ▬▬ ▬▬ ▬▬▬▬ ▬▬▬ ▬ ▬▬ ▬▬ ▬▬▬▬ ▬▬▬ ▬ ▬▬ ▬▬ ▬▬▬▬ ▬▬▬ ▬ ▬▬ ▬▬ ▬▬▬▬ ▬▬▬ ▬ ▬▬ ▬▬ ▬▬▬▬ ▬▬▬ ▬ ▬▬ ▬▬ ▬▬▬▬ ▬▬▬ ▬ ▬▬ ▬▬ ▬▬▬▬ ▬▬▬ ▬ ▬▬ ▬▬ ▬▬▬▬ ▬▬▬ ▬ ▬▬ ▬▬ ▬▬▬▬ ▬▬▬ ▬ ▬▬ ▬▬ ▬▬▬▬ ▬▬▬ ▬ ▬▬ ▬▬ ▬▬▬▬ ▬▬▬ ▬ ▬▬ ▬▬ ▬▬▬▬ ▬▬▬ ▬ ▬▬ ▬▬ ▬▬▬▬ ▬▬▬ ▬ ▬▬ ▬▬ ▬▬▬▬ ▬▬▬ ▬ ▬▬ ▬▬ ▬▬▬▬ ▬▬▬ ▬ ▬▬ ▬▬ ▬▬▬▬ ▬▬▬ ▬ ▬▬ ▬▬ ▬▬▬▬ ▬▬▬ ▬ ▬▬ ▬▬ ▬▬▬▬ ▬▬▬ ▬ ▬▬ ▬▬ ▬▬▬▬ ▬▬▬ ▬ ▬▬ ▬▬ ▬▬▬▬ ▬▬▬ ▬ ▬▬ ▬▬ ▬▬▬▬ ▬▬▬ ▬ ▬▬ ▬▬ ▬▬▬▬ ▬▬▬ ▬ ▬▬ ▬▬ ▬▬▬▬ ▬▬▬ ▬ ▬▬ ▬▬ ▬▬▬▬ ▬▬▬ ▬ ▬▬ ▬▬ ▬▬▬▬ ▬▬▬ ▬ ▬▬ ▬▬ ▬▬▬▬ ▬▬▬ ▬ ▬▬ ▬▬ ▬▬▬▬ ▬▬▬ ▬ ▬▬ ▬▬ ▬▬▬▬ ▬▬▬ ▬ ▬▬ ▬▬ ▬▬▬▬ ▬▬▬ ▬ ▬▬ ▬▬ ▬▬▬▬ ▬▬▬ ▬ ▬▬ ▬▬ ▬▬▬▬ ▬▬▬ ▬ ▬▬ ▬▬ ▬▬▬▬ ▬▬▬ ▬ ▬▬ ▬▬ ▬▬▬▬ ▬▬▬ ▬ ▬▬ ▬▬ ▬▬▬▬ ▬▬▬ ▬ ▬▬ ▬▬
REPORTS OF THE WEST COAST COMMISSIONERS' PROCEEDINGS.
▬▬▬▬ ▬▬▬ ▬ ▬▬ ▬▬ ▬▬▬▬ ▬▬▬ ▬ ▬▬ ▬▬ ▬▬▬▬ ▬▬▬ ▬ ▬▬ ▬▬ ▬▬▬▬ ▬▬▬ ▬ ▬▬ ▬▬ ▬▬▬▬ ▬▬▬ ▬ ▬▬ ▬▬ ▬▬▬▬ ▬▬▬ ▬ ▬▬ ▬▬ ▬▬▬▬ ▬▬▬ ▬ ▬▬ ▬▬ ▬▬▬▬ ▬▬▬ ▬ ▬▬ ▬▬ ▬▬▬▬ ▬▬▬ ▬ ▬▬ ▬▬ ▬▬▬▬ ▬▬▬ ▬ ▬▬ ▬▬ ▬▬▬▬ ▬▬▬ ▬ ▬▬ ▬▬ ▬▬▬▬ ▬▬▬ ▬ ▬▬ ▬▬ ▬▬▬▬ ▬▬▬ ▬ ▬▬ ▬▬ ▬▬▬▬ ▬▬▬ ▬ ▬▬ ▬▬ ▬▬▬▬ ▬▬▬ ▬ ▬▬ ▬▬ ▬▬▬▬ ▬▬▬ ▬ ▬▬ ▬▬ ▬▬▬▬ ▬▬▬ ▬ ▬▬ ▬▬ ▬▬▬▬ ▬▬▬ ▬ ▬▬ ▬▬ ▬▬▬▬ ▬▬▬ ▬ ▬▬ ▬▬ ▬▬▬▬ ▬▬▬ ▬ ▬▬ ▬▬ ▬▬▬▬ ▬▬▬ ▬ ▬▬ ▬▬ ▬▬▬▬ ▬▬▬ ▬ ▬▬ ▬▬ ▬▬▬▬ ▬▬▬ ▬ ▬▬ ▬▬ ▬▬▬▬ ▬▬▬ ▬ ▬▬ ▬▬ ▬▬▬▬ ▬▬▬ ▬ ▬▬ ▬▬ ▬▬▬▬ ▬▬▬ ▬ ▬▬ ▬▬ ▬▬▬▬ ▬▬▬ ▬ ▬▬ ▬▬ ▬▬▬▬ ▬▬▬ ▬ ▬▬ ▬▬ ▬▬▬▬ ▬▬▬ ▬ ▬▬ ▬▬ ▬▬▬▬ ▬▬▬ ▬ ▬▬ ▬▬ ▬▬▬▬ ▬▬▬ ▬ ▬▬ ▬▬ ▬▬▬▬ ▬▬▬ ▬ ▬▬ ▬▬ ▬▬▬▬ ▬▬▬ ▬ ▬▬ ▬▬ ▬▬▬▬ ▬▬▬ ▬ ▬▬ ▬▬ ▬▬▬▬ ▬▬▬ ▬ ▬▬ ▬▬ ▬▬▬▬ ▬▬▬ ▬ ▬▬ ▬▬ ▬▬▬▬ ▬▬▬ ▬ ▬▬ ▬▬ ▬▬▬▬ ▬▬▬ ▬ ▬▬ ▬▬ ▬▬▬▬ ▬▬▬ ▬ ▬▬ ▬▬ ▬▬▬▬ ▬▬▬ ▬ ▬▬ ▬▬ ▬▬▬▬ ▬▬▬ ▬ ▬▬ ▬▬ ▬▬▬▬ ▬▬▬ ▬ ▬▬ ▬▬ ▬▬▬▬ ▬▬▬ ▬ ▬▬ ▬▬ ▬▬▬▬ ▬▬▬ ▬ ▬▬ ▬▬ ▬▬▬▬ ▬▬▬ ▬ ▬▬ ▬▬ ▬▬▬▬ ▬▬▬ ▬ ▬▬ ▬▬ ▬▬▬▬ ▬▬▬ ▬ ▬▬ ▬▬ ▬▬▬▬ ▬▬▬ ▬ ▬▬ ▬▬ ▬▬▬▬ ▬▬▬ ▬ ▬▬ ▬▬ ▬▬▬▬ ▬▬▬ ▬ ▬▬ ▬▬ ▬▬▬▬ ▬▬▬ ▬ ▬▬ ▬▬ ▬▬▬▬ ▬▬▬ ▬ ▬▬ ▬▬ ▬▬▬▬ ▬▬▬ ▬ ▬▬ ▬▬ ▬▬▬▬ ▬▬▬ ▬ ▬▬ ▬▬ ▬▬▬▬ ▬▬▬ ▬ ▬▬ ▬▬ ▬▬▬▬ ▬▬▬ ▬ ▬▬ ▬▬ ▬▬▬▬ ▬▬▬ ▬ ▬▬ ▬▬ ▬▬▬▬ ▬▬▬ ▬ ▬▬ ▬▬ ▬▬▬▬ ▬▬▬ ▬ ▬▬ ▬▬ ▬▬▬▬ ▬▬▬ ▬ ▬▬ ▬▬ ▬▬▬▬ ▬▬▬ ▬ ▬▬ ▬▬ ▬▬▬▬ ▬▬▬ ▬ ▬▬ ▬▬ ▬▬▬▬ ▬▬▬ ▬ ▬▬ ▬▬ ▬▬▬▬ ▬▬▬ ▬ ▬▬ ▬▬ ▬▬▬▬ ▬▬▬ ▬ ▬▬ ▬▬ ▬▬▬▬ ▬▬▬ ▬ ▬▬ ▬▬ ▬▬▬▬ ▬▬▬ ▬ ▬▬ ▬▬ ▬▬▬▬ ▬▬▬ ▬ ▬▬ ▬▬ ▬▬▬▬ ▬▬▬ ▬ ▬▬ ▬▬ ▬▬▬▬ ▬▬▬ ▬ ▬▬ ▬▬ ▬▬▬▬ ▬▬▬ ▬ ▬▬ ▬▬ ▬▬▬▬ ▬▬▬ ▬ ▬▬ ▬▬ ▬▬▬▬ ▬▬▬ ▬ ▬▬ ▬▬ ▬▬▬▬ ▬▬▬ ▬ ▬▬ ▬▬ ▬▬▬▬ ▬▬▬ ▬ ▬▬ ▬▬ ▬▬▬▬ ▬▬▬ ▬ ▬▬ ▬▬ ▬▬▬▬ ▬▬▬ ▬ ▬▬ ▬▬ ▬▬▬▬ ▬▬▬ ▬ ▬▬ ▬▬ ▬▬▬▬ ▬▬▬ ▬ ▬▬ ▬▬ ▬▬▬▬ ▬▬▬ ▬ ▬▬ ▬▬ ▬▬▬▬ ▬▬▬ ▬ ▬▬ ▬▬ ▬▬▬▬ ▬▬▬ ▬ ▬▬ ▬▬ ▬▬▬▬ ▬▬▬ ▬ ▬▬ ▬▬ ▬▬▬▬ ▬▬▬ ▬ ▬▬ ▬▬ ▬▬▬▬ ▬▬▬ ▬ ▬▬ ▬▬ ▬▬▬▬ ▬▬▬ ▬ ▬▬ ▬▬ ▬▬▬▬ ▬▬▬ ▬ ▬▬ ▬▬ ▬▬▬▬ ▬▬▬ ▬ ▬▬ ▬▬ ▬▬▬▬ ▬▬▬ ▬ ▬▬ ▬▬ ▬▬▬▬ ▬▬▬ ▬ ▬▬ ▬▬ ▬▬▬▬ ▬▬▬ ▬ ▬▬ ▬▬ ▬▬▬▬ ▬▬▬ ▬ ▬▬ ▬▬ ▬▬▬▬ ▬▬▬ ▬ ▬▬ ▬▬ ▬▬▬▬ ▬▬▬ ▬ ▬▬ ▬▬ ▬▬▬▬ ▬▬▬ ▬ ▬▬ ▬▬ ▬▬▬▬ ▬▬▬ ▬ ▬▬ ▬▬ ▬▬▬▬ ▬▬▬ ▬ ▬▬ ▬▬ ▬▬▬▬ ▬▬▬ ▬ ▬▬ ▬▬ ▬▬▬▬ ▬▬▬ ▬ ▬▬ ▬▬ ▬▬▬▬ ▬▬▬ ▬ ▬▬ ▬▬ ▬▬▬▬ ▬▬▬ ▬ ▬▬ ▬▬ ▬▬▬▬ ▬▬▬ ▬ ▬▬ ▬▬ ▬▬▬▬ ▬▬▬ ▬ ▬▬ ▬▬ ▬▬▬▬ ▬▬▬ ▬ ▬▬ ▬▬ ▬▬▬▬ ▬▬▬ ▬ ▬▬ ▬▬ ▬▬▬▬ ▬▬▬ ▬ ▬▬ ▬▬ ▬▬▬▬ ▬▬▬ ▬ ▬▬ ▬▬ ▬▬▬▬ ▬▬▬ ▬ ▬▬ ▬▬ ▬▬▬▬ ▬▬▬ ▬ ▬▬ ▬▬ ▬▬▬▬ ▬▬▬ ▬ ▬▬ ▬▬ ▬▬▬▬ ▬▬▬ ▬ ▬▬ ▬▬ ▬▬▬▬ ▬▬▬ ▬ ▬▬ ▬▬ ▬▬▬▬ ▬▬▬ ▬ ▬▬ ▬▬ ▬▬▬▬ ▬▬▬ ▬ ▬▬ ▬▬ ▬▬▬▬ ▬▬▬ ▬ ▬▬ ▬▬ ▬▬▬▬ ▬▬▬ ▬ ▬▬ ▬▬ ▬▬▬▬ ▬▬▬ ▬ ▬▬ ▬▬ ▬▬▬▬ ▬▬▬ ▬ ▬▬ ▬▬ ▬▬▬▬ ▬▬▬ ▬ ▬▬ ▬▬ ▬▬▬▬ ▬▬▬ ▬ ▬▬ ▬▬ ▬▬▬▬ ▬▬▬ ▬ ▬▬ ▬▬ ▬▬▬▬ ▬▬▬ ▬ ▬▬ ▬▬ ▬▬▬▬ ▬▬▬ ▬ ▬▬ ▬▬ ▬▬▬▬ ▬▬▬ ▬ ▬▬ ▬▬ ▬▬▬▬ ▬▬▬ ▬ ▬▬ ▬▬ ▬▬▬▬ ▬▬▬ ▬ ▬▬ ▬▬ ▬▬▬▬ ▬▬▬ ▬ ▬▬ ▬▬ ▬▬▬▬ ▬▬▬ ▬ ▬▬ ▬▬ ▬▬▬▬ ▬▬▬ ▬ ▬▬ ▬▬ ▬▬▬▬ ▬▬▬ ▬ ▬▬ ▬▬ ▬▬▬▬ ▬▬▬ ▬ ▬▬ ▬▬ ▬▬▬▬ ▬▬▬ ▬ ▬▬ ▬▬ ▬▬▬▬ ▬▬▬ ▬ ▬▬ ▬▬ ▬▬▬▬ ▬▬▬ ▬ ▬▬ ▬▬ ▬▬▬▬ ▬▬▬ ▬ ▬▬ ▬▬ ▬▬▬▬ ▬▬▬ ▬ ▬▬ ▬▬ ▬▬▬▬ ▬▬▬ ▬ ▬▬ ▬▬ ▬▬▬▬ ▬▬▬ ▬ ▬▬ ▬▬ ▬▬▬▬ ▬▬▬ ▬ ▬▬ ▬▬ ▬▬▬▬ ▬▬▬ ▬ ▬▬ ▬▬ ▬▬▬▬ ▬▬▬ ▬ ▬▬ ▬▬ ▬▬▬▬ ▬▬▬ ▬ ▬▬ ▬▬ ▬▬▬▬ ▬▬▬ ▬ ▬▬ ▬▬ ▬▬▬▬ ▬▬▬ ▬ ▬▬ ▬▬ ▬▬▬▬ ▬▬▬ ▬ ▬▬ ▬▬ ▬▬▬▬ ▬▬▬ ▬ ▬▬ ▬▬ ▬▬▬▬ ▬▬▬ ▬ ▬▬ ▬▬ ▬▬▬▬ ▬▬▬ ▬ ▬▬ ▬▬ ▬▬▬▬ ▬▬▬ ▬ ▬▬ ▬▬ ▬▬▬▬ ▬▬▬ ▬ ▬▬ ▬▬ ▬▬▬▬ ▬▬▬ ▬ ▬▬ ▬▬ ▬▬▬▬ ▬▬▬ ▬ ▬▬ ▬▬ ▬▬▬▬ ▬▬▬ ▬ ▬▬ ▬▬ ▬▬▬▬ ▬▬▬ ▬ ▬▬ ▬▬ ▬▬▬▬ ▬▬▬ ▬ ▬▬ ▬▬ ▬▬▬▬ ▬▬▬ ▬ ▬▬ ▬▬ ▬▬▬▬ ▬▬▬ ▬ ▬▬ ▬▬ ▬▬▬▬ ▬▬▬ ▬ ▬▬ ▬▬ ▬▬▬▬ ▬▬▬ ▬ ▬▬ ▬▬ ▬▬▬▬ ▬▬▬ ▬ ▬▬ ▬▬ ▬▬▬▬ ▬▬▬ ▬ ▬▬ ▬▬ ▬▬▬▬ ▬▬▬ ▬ ▬▬ ▬▬
LITERATURE.
DESPERATE DOVES.
(Continued.)
▬▬▬▬ ▬▬▬ ▬ ▬▬ ▬▬ ▬▬▬▬ ▬▬▬ ▬ ▬▬ ▬▬ ▬▬▬▬ ▬▬▬ ▬ ▬▬ ▬▬ ▬▬▬▬ ▬▬▬ ▬ ▬▬ ▬▬ ▬▬▬▬ ▬▬▬ ▬ ▬▬ ▬▬ ▬▬▬▬ ▬▬▬ ▬ ▬▬ ▬▬ ▬▬▬▬ ▬▬▬ ▬ ▬▬ ▬▬ ▬▬▬▬ ▬▬▬ ▬ ▬▬ ▬▬ ▬▬▬▬ ▬▬▬ ▬ ▬▬ ▬▬ ▬▬▬▬ ▬▬▬ ▬ ▬▬ ▬▬ ▬▬▬▬ ▬▬▬ ▬ ▬▬ ▬▬ ▬▬▬▬ ▬▬▬ ▬ ▬▬ ▬▬ ▬▬▬▬ ▬▬▬ ▬ ▬▬ ▬▬ ▬▬▬▬ ▬▬▬ ▬ ▬▬ ▬▬ ▬▬▬▬ ▬▬▬ ▬ ▬▬ ▬▬ ▬▬▬▬ ▬▬▬ ▬ ▬▬ ▬▬ ▬▬▬▬ ▬▬▬ ▬ ▬▬ ▬▬ ▬▬▬▬ ▬▬▬ ▬ ▬▬ ▬▬ ▬▬▬▬ ▬▬▬ ▬ ▬▬ ▬▬ ▬▬▬▬ ▬▬▬ ▬ ▬▬ ▬▬ ▬▬▬▬ ▬▬▬ ▬ ▬▬ ▬▬ ▬▬▬▬ ▬▬▬ ▬ ▬▬ ▬▬ ▬▬▬▬ ▬▬▬ ▬ ▬▬ ▬▬ ▬▬▬▬ ▬▬▬ ▬ ▬▬ ▬▬ ▬▬▬▬ ▬▬▬ ▬ ▬▬ ▬▬ ▬▬▬▬ ▬▬▬ ▬ ▬▬ ▬▬ ▬▬▬▬ ▬▬▬ ▬ ▬▬ ▬▬ ▬▬▬▬ ▬▬▬ ▬ ▬▬ ▬▬ ▬▬▬▬ ▬▬▬ ▬ ▬▬ ▬▬ ▬▬▬▬ ▬▬▬ ▬ ▬▬ ▬▬ ▬▬▬▬ ▬▬▬ ▬ ▬▬ ▬▬ ▬▬▬▬ ▬▬▬ ▬ ▬▬ ▬▬ ▬▬▬▬ ▬▬▬ ▬ ▬▬ ▬▬ ▬▬▬▬ ▬▬▬ ▬ ▬▬ ▬▬ ▬▬▬▬ ▬▬▬ ▬ ▬▬ ▬▬ ▬▬▬▬ ▬▬▬ ▬ ▬▬ ▬▬ ▬▬▬▬ ▬▬▬ ▬ ▬▬ ▬▬ ▬▬▬▬ ▬▬▬ ▬ ▬▬ ▬▬ ▬▬▬▬ ▬▬▬ ▬ ▬▬ ▬▬ ▬▬▬▬ ▬▬▬ ▬ ▬▬ ▬▬ ▬▬▬▬ ▬▬▬ ▬ ▬▬ ▬▬ ▬▬▬▬ ▬▬▬ ▬ ▬▬ ▬▬ ▬▬▬▬ ▬▬▬ ▬ ▬▬ ▬▬ ▬▬▬▬ ▬▬▬ ▬ ▬▬ ▬▬ ▬▬▬▬ ▬▬▬ ▬ ▬▬ ▬▬ ▬▬▬▬ ▬▬▬ ▬ ▬▬ ▬▬ ▬▬▬▬ ▬▬▬ ▬ ▬▬ ▬▬ ▬▬▬▬ ▬▬▬ ▬ ▬▬ ▬▬ ▬▬▬▬ ▬▬▬ ▬ ▬▬ ▬▬ ▬▬▬▬ ▬▬▬ ▬ ▬▬ ▬▬ ▬▬▬▬ ▬▬▬ ▬ ▬▬ ▬▬ ▬▬▬▬ ▬▬▬ ▬ ▬▬ ▬▬ ▬▬▬▬ ▬▬▬ ▬ ▬▬ ▬▬ ▬▬▬▬ ▬▬▬ ▬ ▬▬ ▬▬ ▬▬▬▬ ▬▬▬ ▬ ▬▬ ▬▬ ▬▬▬▬ ▬▬▬ ▬ ▬▬ ▬▬ ▬▬▬▬ ▬▬▬ ▬ ▬▬ ▬▬ ▬▬▬▬ ▬▬▬ ▬ ▬▬ ▬▬ ▬▬▬▬ ▬▬▬ ▬ ▬▬ ▬▬ ▬▬▬▬ ▬▬▬ ▬ ▬▬ ▬▬ ▬▬▬▬ ▬▬▬ ▬ ▬▬ ▬▬ ▬▬▬▬ ▬▬▬ ▬ ▬▬ ▬▬ ▬▬▬▬ ▬▬▬ ▬ ▬▬ ▬▬ ▬▬▬▬ ▬▬▬ ▬ ▬▬ ▬▬ ▬▬▬▬ ▬▬▬ ▬ ▬▬ ▬▬ ▬▬▬▬ ▬▬▬ ▬ ▬▬ ▬▬ ▬▬▬▬ ▬▬▬ ▬ ▬▬ ▬▬ ▬▬▬▬ ▬▬▬ ▬ ▬▬ ▬▬ ▬▬▬▬ ▬▬▬ ▬ ▬▬ ▬▬ ▬▬▬▬ ▬▬▬ ▬ ▬▬ ▬▬ ▬▬▬▬ ▬▬▬ ▬ ▬▬ ▬▬ ▬▬▬▬ ▬▬▬ ▬ ▬▬ ▬▬ ▬▬▬▬ ▬▬▬ ▬ ▬▬ ▬▬ ▬▬▬▬ ▬▬▬ ▬ ▬▬ ▬▬ ▬▬▬▬ ▬▬▬ ▬ ▬▬ ▬▬ ▬▬▬▬ ▬▬▬ ▬ ▬▬ ▬▬ ▬▬▬▬ ▬▬▬ ▬ ▬▬ ▬▬ ▬▬▬▬ ▬▬▬ ▬ ▬▬ ▬▬ ▬▬▬▬ ▬▬▬ ▬ ▬▬ ▬▬ ▬▬▬▬ ▬▬▬ ▬ ▬▬ ▬▬ ▬▬▬▬ ▬▬▬ ▬ ▬▬ ▬▬ ▬▬▬▬ ▬▬▬ ▬ ▬▬ ▬▬ ▬▬▬▬ ▬▬▬ ▬ ▬▬ ▬▬ ▬▬▬▬ ▬▬▬ ▬ ▬▬ ▬▬ ▬▬▬▬ ▬▬▬ ▬ ▬▬ ▬▬ ▬▬▬▬ ▬▬▬ ▬ ▬▬ ▬▬ ▬▬▬▬ ▬▬▬ ▬ ▬▬ ▬▬ ▬▬▬▬ ▬▬▬ ▬ ▬▬ ▬▬ ▬▬▬▬ ▬▬▬ ▬ ▬▬ ▬▬ ▬▬▬▬ ▬▬▬ ▬ ▬▬ ▬▬ ▬▬▬▬ ▬▬▬ ▬ ▬▬ ▬▬ ▬▬▬▬ ▬▬▬ ▬ ▬▬ ▬▬ ▬▬▬▬ ▬▬▬ ▬ ▬▬ ▬▬ ▬▬▬▬ ▬▬▬ ▬ ▬▬ ▬▬ ▬▬▬▬ ▬▬▬ ▬ ▬▬ ▬▬ ▬▬▬▬ ▬▬▬ ▬ ▬▬ ▬▬ ▬▬▬▬ ▬▬▬ ▬ ▬▬ ▬▬ ▬▬▬▬ ▬▬▬ ▬ ▬▬ ▬▬ ▬▬▬▬ ▬▬▬ ▬ ▬▬ ▬▬ ▬▬▬▬ ▬▬▬ ▬ ▬▬ ▬▬ ▬▬▬▬ ▬▬▬ ▬ ▬▬ ▬▬ ▬▬▬▬ ▬▬▬ ▬ ▬▬ ▬▬ ▬▬▬▬ ▬▬▬ ▬ ▬▬ ▬▬ ▬▬▬▬ ▬▬▬ ▬ ▬▬ ▬▬ ▬▬▬▬ ▬▬▬ ▬ ▬▬ ▬▬ ▬▬▬▬ ▬▬▬ ▬ ▬▬ ▬▬ ▬▬▬▬ ▬▬▬ ▬ ▬▬ ▬▬ ▬▬▬▬ ▬▬▬ ▬ ▬▬ ▬▬ ▬▬▬▬ ▬▬▬ ▬ ▬▬ ▬▬ ▬▬▬▬ ▬▬▬ ▬ ▬▬ ▬▬ ▬▬▬▬ ▬▬▬ ▬ ▬▬ ▬▬ ▬▬▬▬ ▬▬▬ ▬ ▬▬ ▬▬ ▬▬▬▬ ▬▬▬ ▬ ▬▬ ▬▬ ▬▬▬▬ ▬▬▬ ▬ ▬▬ ▬▬ ▬▬▬▬ ▬▬▬ ▬ ▬▬ ▬▬ ▬▬▬▬ ▬▬▬ ▬ ▬▬ ▬▬ ▬▬▬▬ ▬▬▬ ▬ ▬▬ ▬▬ ▬▬▬▬ ▬▬▬ ▬ ▬▬ ▬▬ ▬▬▬▬ ▬▬▬ ▬ ▬▬ ▬▬ ▬▬▬▬ ▬▬▬ ▬ ▬▬ ▬▬ ▬▬▬▬ ▬▬▬ ▬ ▬▬ ▬▬ ▬▬▬▬ ▬▬▬ ▬ ▬▬ ▬▬ ▬▬▬▬ ▬▬▬ ▬ ▬▬ ▬▬ ▬▬▬▬ ▬▬▬ ▬ ▬▬ ▬▬ ▬▬▬▬ ▬▬▬ ▬ ▬▬ ▬▬ ▬▬▬▬ ▬▬▬ ▬ ▬▬ ▬▬ ▬▬▬▬ ▬▬▬ ▬ ▬▬ ▬▬ ▬▬▬▬ ▬▬▬ ▬ ▬▬ ▬▬ ▬▬▬▬ ▬▬▬ ▬ ▬▬ ▬▬ ▬▬▬▬ ▬▬▬ ▬ ▬▬ ▬▬ ▬▬▬▬ ▬▬▬ ▬ ▬▬ ▬▬ ▬▬▬▬ ▬▬▬ ▬ ▬▬ ▬▬ ▬▬▬▬ ▬▬▬ ▬ ▬▬ ▬▬ ▬▬▬▬ ▬▬▬ ▬ ▬▬ ▬▬ ▬▬▬▬ ▬▬▬ ▬ ▬▬ ▬▬ ▬▬▬▬ ▬▬▬ ▬ ▬▬ ▬▬ ▬▬▬▬ ▬▬▬ ▬ ▬▬ ▬▬ ▬▬▬▬ ▬▬▬ ▬ ▬▬ ▬▬ ▬▬▬▬ ▬▬▬ ▬ ▬▬ ▬▬ ▬▬▬▬ ▬▬▬ ▬ ▬▬ ▬▬ ▬▬▬▬ ▬▬▬ ▬ ▬▬ ▬▬ ▬▬▬▬ ▬▬▬ ▬ ▬▬ ▬▬ ▬▬▬▬ ▬▬▬ ▬ ▬▬ ▬▬ ▬▬▬▬ ▬▬▬ ▬ ▬▬ ▬▬ ▬▬▬▬ ▬▬▬ ▬ ▬▬ ▬▬ ▬▬▬▬ ▬▬▬ ▬ ▬▬ ▬▬ ▬▬▬▬ ▬▬▬ ▬ ▬▬ ▬▬ ▬▬▬▬ ▬▬▬ ▬ ▬▬ ▬▬ ▬▬▬▬ ▬▬▬ ▬ ▬▬ ▬▬ ▬▬▬▬ ▬▬▬ ▬ ▬▬ ▬▬ ▬▬▬▬ ▬▬▬ ▬ ▬▬ ▬▬ ▬▬▬▬ ▬▬▬ ▬ ▬▬ ▬▬ ▬▬▬▬ ▬▬▬ ▬ ▬▬ ▬▬ ▬▬▬▬ ▬▬▬ ▬ ▬▬ ▬▬ ▬▬▬▬ ▬▬▬ ▬ ▬▬ ▬▬ ▬▬▬▬ ▬▬▬ ▬ ▬▬ ▬▬ ▬▬▬▬ ▬▬▬ ▬ ▬▬ ▬▬ ▬▬▬▬ ▬▬▬ ▬ ▬▬ ▬▬ ▬▬▬▬ ▬▬▬ ▬ ▬▬ ▬▬ ▬▬▬▬ ▬▬▬ ▬ ▬▬ ▬▬ ▬▬▬▬ ▬▬▬ ▬ ▬▬ ▬▬ ▬▬▬▬ ▬▬▬ ▬ ▬▬ ▬▬ ▬▬▬▬ ▬▬▬ ▬ ▬▬ ▬▬ ▬▬▬▬ ▬▬▬ ▬ ▬▬ ▬▬ ▬▬▬▬ ▬▬▬ ▬ ▬▬ ▬▬ ▬▬▬▬ ▬▬▬ ▬ ▬▬ ▬▬ ▬▬▬▬ ▬▬▬ ▬ ▬▬ ▬▬ ▬▬▬▬ ▬▬▬ ▬ ▬▬ ▬▬ ▬▬▬▬ ▬▬▬ ▬ ▬▬ ▬▬ ▬▬▬▬ ▬▬▬ ▬ ▬▬ ▬▬ ▬▬▬▬ ▬▬▬ ▬ ▬▬ ▬▬ ▬▬▬▬ ▬▬▬ ▬ ▬▬ ▬▬ ▬▬▬▬ ▬▬▬ ▬ ▬▬ ▬▬ ▬▬▬▬ ▬▬▬ ▬ ▬▬ ▬▬ ▬▬▬▬ ▬▬▬ ▬ ▬▬ ▬▬ ▬▬▬▬ ▬▬▬ ▬ ▬▬ ▬▬ ▬▬▬▬ ▬▬▬ ▬ ▬▬ ▬▬ ▬▬▬▬ ▬▬▬ ▬ ▬▬ ▬▬ ▬▬▬▬ ▬▬▬ ▬ ▬▬ ▬▬ ▬▬▬▬ ▬▬▬ ▬ ▬▬ ▬▬ ▬▬▬▬ ▬▬▬ ▬ ▬▬ ▬▬ ▬▬▬▬ ▬▬▬ ▬ ▬▬ ▬▬ ▬▬▬▬ ▬▬▬ ▬ ▬▬ ▬▬ ▬▬▬▬ ▬▬▬ ▬ ▬▬ ▬▬ ▬▬▬▬ ▬▬▬ ▬ ▬▬ ▬▬ ▬▬▬▬ ▬▬▬ ▬ ▬▬ ▬▬ ▬▬▬▬ ▬▬▬ ▬ ▬▬ ▬▬ ▬▬▬▬ ▬▬▬ ▬ ▬▬ ▬▬ ▬▬▬▬ ▬▬▬ ▬ ▬▬ ▬▬ ▬▬▬▬ ▬▬▬ ▬ ▬▬ ▬▬ ▬▬▬▬ ▬▬▬ ▬ ▬▬ ▬▬ ▬▬▬▬ ▬▬▬ ▬ ▬▬ ▬▬ ▬▬▬▬ ▬▬▬ ▬ ▬▬ ▬▬ ▬▬▬▬ ▬▬▬ ▬ ▬▬ ▬▬ ▬▬▬▬ ▬▬▬ ▬ ▬▬ ▬▬ ▬▬▬▬ ▬▬▬ ▬ ▬▬ ▬▬ ▬▬▬▬ ▬▬▬ ▬ ▬▬ ▬▬ ▬▬▬▬ ▬▬▬ ▬ ▬▬ ▬▬ ▬▬▬▬ ▬▬▬ ▬ ▬▬ ▬▬ ▬▬▬▬ ▬▬▬ ▬ ▬▬ ▬▬ ▬▬▬▬ ▬▬▬ ▬ ▬▬ ▬▬ ▬▬▬▬ ▬▬▬ ▬ ▬▬ ▬▬ ▬▬▬▬ ▬▬▬ ▬ ▬▬ ▬▬ ▬▬▬▬ ▬▬▬ ▬ ▬▬ ▬▬ ▬▬▬▬ ▬▬▬ ▬ ▬▬ ▬▬ ▬▬▬▬ ▬▬▬ ▬ ▬▬ ▬▬ ▬▬▬▬ ▬▬▬ ▬ ▬▬ ▬▬ ▬▬▬▬ ▬▬▬ ▬ ▬▬ ▬▬ ▬▬▬▬ ▬▬▬ ▬ ▬▬ ▬▬ ▬▬▬▬ ▬▬▬ ▬ ▬▬ ▬▬ ▬▬▬▬ ▬▬▬ ▬ ▬▬ ▬▬ ▬▬▬▬ ▬▬▬ ▬ ▬▬ ▬▬ ▬▬▬▬ ▬▬▬ ▬ ▬▬ ▬▬ ▬▬▬▬ ▬▬▬ ▬ ▬▬ ▬▬ ▬▬▬▬ ▬▬▬ ▬ ▬▬ ▬▬ ▬▬▬▬ ▬▬▬ ▬ ▬▬ ▬▬ ▬▬▬▬ ▬▬▬ ▬ ▬▬ ▬▬ ▬▬▬▬ ▬▬▬ ▬ ▬▬ ▬▬ ▬▬▬▬ ▬▬▬ ▬ ▬▬ ▬▬ ▬▬▬▬ ▬▬▬ ▬ ▬▬ ▬▬ ▬▬▬▬ ▬▬▬ ▬ ▬▬ ▬▬ ▬▬▬▬ ▬▬▬ ▬ ▬▬ ▬▬ ▬▬▬▬ ▬▬▬ ▬ ▬▬ ▬▬ ▬▬▬▬ ▬▬▬ ▬ ▬▬ ▬▬ ▬▬▬▬ ▬▬▬ ▬ ▬▬ ▬▬ ▬▬▬▬ ▬▬▬ ▬ ▬▬ ▬▬ ▬▬▬▬ ▬▬▬ ▬ ▬▬ ▬▬ ▬▬▬▬ ▬▬▬ ▬ ▬▬ ▬▬ ▬▬▬▬ ▬▬▬ ▬ ▬▬ ▬▬ ▬▬▬▬ ▬▬▬ ▬ ▬▬ ▬▬ ▬▬▬▬ ▬▬▬ ▬ ▬▬ ▬▬ ▬▬▬▬ ▬▬▬ ▬ ▬▬ ▬▬ ▬▬▬▬ ▬▬▬ ▬ ▬▬ ▬▬ ▬▬▬▬ ▬▬▬ ▬ ▬▬ ▬▬ ▬▬▬▬ ▬▬▬ ▬ ▬▬ ▬▬ ▬▬▬▬ ▬▬▬ ▬ ▬▬ ▬▬ ▬▬▬▬ ▬▬▬ ▬ ▬▬ ▬▬ ▬▬▬▬ ▬▬▬ ▬ ▬▬ ▬▬ ▬▬▬▬ ▬▬▬ ▬ ▬▬ ▬▬ ▬▬▬▬ ▬▬▬ ▬ ▬▬ ▬▬ ▬▬▬▬ ▬▬▬ ▬ ▬▬ ▬▬ ▬▬▬▬ ▬▬▬ ▬ ▬▬ ▬▬ ▬▬▬▬ ▬▬▬ ▬ ▬▬ ▬▬ ▬▬▬▬ ▬▬▬ ▬ ▬▬ ▬▬ ▬▬▬▬ ▬▬▬ ▬ ▬▬ ▬▬ ▬▬▬▬ ▬▬▬ ▬ ▬▬ ▬▬ ▬▬▬▬ ▬▬▬ ▬ ▬▬ ▬▬ ▬▬▬▬ ▬▬▬ ▬ ▬▬ ▬▬ ▬▬▬▬ ▬▬▬ ▬ ▬▬ ▬▬ ▬▬▬▬ ▬▬▬ ▬ ▬▬ ▬▬ ▬▬▬▬ ▬▬▬ ▬ ▬▬ ▬▬ ▬▬▬▬ ▬▬▬ ▬ ▬▬ ▬▬ ▬▬▬▬ ▬▬▬ ▬ ▬▬ ▬▬ ▬▬▬▬ ▬▬▬ ▬ ▬▬ ▬▬ ▬▬▬▬ ▬▬▬ ▬ ▬▬ ▬▬ ▬▬▬▬ ▬▬▬ ▬ ▬▬ ▬▬ ▬▬▬▬ ▬▬▬ ▬ ▬▬ ▬▬ ▬▬▬▬ ▬▬▬ ▬ ▬▬ ▬▬ ▬▬▬▬ ▬▬▬ ▬ ▬▬ ▬▬ ▬▬▬▬ ▬▬▬ ▬ ▬▬ ▬▬ ▬▬▬▬ ▬▬▬ ▬ ▬▬ ▬▬ ▬▬▬▬ ▬▬▬ ▬ ▬▬ ▬▬ ▬▬▬▬ ▬▬▬ ▬ ▬▬ ▬▬ ▬▬▬▬ ▬▬▬ ▬ ▬▬ ▬▬ ▬▬▬▬ ▬▬▬ ▬ ▬▬ ▬▬ ▬▬▬▬ ▬▬▬ ▬ ▬▬ ▬▬ ▬▬▬▬ ▬▬▬ ▬ ▬▬ ▬▬ ▬▬▬▬ ▬▬▬ ▬ ▬▬ ▬▬ ▬▬▬▬ ▬▬▬ ▬ ▬▬ ▬▬ ▬▬▬▬ ▬▬▬ ▬ ▬▬ ▬▬ ▬▬▬▬ ▬▬▬ ▬ ▬▬ ▬▬ ▬▬▬▬ ▬▬▬ ▬ ▬▬ ▬▬ ▬▬▬▬ ▬▬▬ ▬ ▬▬ ▬▬ ▬▬▬▬ ▬▬▬ ▬ ▬▬ ▬▬ ▬▬▬▬ ▬▬▬ ▬ ▬▬ ▬▬ ▬▬▬▬ ▬▬▬ ▬ ▬▬ ▬▬ ▬▬▬▬ ▬▬▬ ▬ ▬▬ ▬▬ ▬▬▬▬ ▬▬▬ ▬ ▬▬ ▬▬ ▬▬▬▬ ▬▬▬ ▬ ▬▬ ▬▬ ▬▬▬▬ ▬▬▬ ▬ ▬▬ ▬▬ ▬▬▬▬ ▬▬▬ ▬ ▬▬ ▬▬ ▬▬▬▬ ▬▬▬ ▬ ▬▬ ▬▬ ▬▬▬▬ ▬▬▬ ▬ ▬▬ ▬▬ ▬▬▬▬ ▬▬▬ ▬ ▬▬ ▬▬ ▬▬▬▬ ▬▬▬ ▬ ▬▬ ▬▬ ▬▬▬▬ ▬▬▬ ▬ ▬▬ ▬▬ ▬▬▬▬ ▬▬▬ ▬ ▬▬ ▬▬ ▬▬▬▬ ▬▬▬ ▬ ▬▬ ▬▬ ▬▬▬▬ ▬▬▬ ▬ ▬▬ ▬▬ ▬▬▬▬ ▬▬▬ ▬ ▬▬ ▬▬ ▬▬▬▬ ▬▬▬ ▬ ▬▬ ▬▬ ▬▬▬▬ ▬▬▬ ▬ ▬▬ ▬▬ ▬▬▬▬ ▬▬▬ ▬ ▬▬ ▬▬ ▬▬▬▬ ▬▬▬ ▬ ▬▬ ▬▬ ▬▬▬▬ ▬▬▬ ▬ ▬▬ ▬▬ ▬▬▬▬ ▬▬▬ ▬ ▬▬ ▬▬ ▬▬▬▬ ▬▬▬ ▬ ▬▬ ▬▬ ▬▬▬▬ ▬▬▬ ▬ ▬▬ ▬▬ ▬▬▬▬ ▬▬▬ ▬ ▬▬ ▬▬ ▬▬▬▬ ▬▬▬ ▬ ▬▬ ▬▬ ▬▬▬▬ ▬▬▬ ▬ ▬▬ ▬▬ ▬▬▬▬ ▬▬▬ ▬ ▬▬ ▬▬ ▬▬▬▬ ▬▬▬ ▬ ▬▬ ▬▬ ▬▬▬▬ ▬▬▬ ▬ ▬▬ ▬▬ ▬▬▬▬ ▬▬▬ ▬ ▬▬ ▬▬ ▬▬▬▬ ▬▬▬ ▬ ▬▬ ▬▬ ▬▬▬▬ ▬▬▬ ▬ ▬▬ ▬▬ ▬▬▬▬ ▬▬▬ ▬ ▬▬ ▬▬ ▬▬▬▬ ▬▬▬ ▬ ▬▬ ▬▬ ▬▬▬▬ ▬▬▬ ▬ ▬▬ ▬▬ ▬▬▬▬ ▬▬▬ ▬ ▬▬ ▬▬ ▬▬▬▬ ▬▬▬ ▬ ▬▬ ▬▬ ▬▬▬▬ ▬▬▬ ▬ ▬▬ ▬▬ ▬▬▬▬ ▬▬▬ ▬ ▬▬ ▬▬ ▬▬▬▬ ▬▬▬ ▬ ▬▬ ▬▬ ▬▬▬▬ ▬▬▬ ▬ ▬▬ ▬▬ ▬▬▬▬ ▬▬▬ ▬ ▬▬ ▬▬ ▬▬▬▬ ▬▬▬ ▬ ▬▬ ▬▬ ▬▬▬▬ ▬▬▬ ▬ ▬▬ ▬▬ ▬▬▬▬ ▬▬▬ ▬ ▬▬ ▬▬ ▬▬▬▬ ▬▬▬ ▬ ▬▬ ▬▬ ▬▬▬▬ ▬▬▬ ▬ ▬▬ ▬▬ ▬▬▬▬ ▬▬▬ ▬ ▬▬ ▬▬ ▬▬▬▬ ▬▬▬ ▬ ▬▬ ▬▬ ▬▬▬▬ ▬▬▬ ▬ ▬▬ ▬▬ ▬▬▬▬ ▬▬▬ ▬ ▬▬ ▬▬ ▬▬▬▬ ▬▬▬ ▬ ▬▬ ▬▬ ▬▬▬▬ ▬▬▬ ▬ ▬▬ ▬▬ ▬▬▬▬ ▬▬▬ ▬ ▬▬ ▬▬ ▬▬▬▬ ▬▬▬ ▬ ▬▬ ▬▬ ▬▬▬▬ ▬▬▬ ▬ ▬▬ ▬▬ ▬▬▬▬ ▬▬▬ ▬ ▬▬ ▬▬ ▬▬▬▬ ▬▬▬ ▬ ▬▬ ▬▬ ▬▬▬▬ ▬▬▬ ▬ ▬▬ ▬▬ ▬▬▬▬ ▬▬▬ ▬ ▬▬ ▬▬ ▬▬▬▬ ▬▬▬ ▬ ▬▬ ▬▬ ▬▬▬▬ ▬▬▬ ▬ ▬▬ ▬▬ ▬▬▬▬ ▬▬▬ ▬ ▬▬ ▬▬ ▬▬▬▬ ▬▬▬ ▬ ▬▬ ▬▬ ▬▬▬▬ ▬▬▬ ▬ ▬▬ ▬▬ ▬▬▬▬ ▬▬▬ ▬ ▬▬ ▬▬ ▬▬▬▬ ▬▬▬ ▬ ▬▬ ▬▬ ▬▬▬▬ ▬▬▬ ▬ ▬▬ ▬▬ ▬▬▬▬ ▬▬▬ ▬ ▬▬ ▬▬ ▬▬▬▬ ▬▬▬ ▬ ▬▬ ▬▬ ▬▬▬▬ ▬▬▬ ▬ ▬▬ ▬▬ ▬▬▬▬ ▬▬▬ ▬ ▬▬ ▬▬ ▬▬▬▬ ▬▬▬ ▬ ▬▬ ▬▬ ▬▬▬▬ ▬▬▬ ▬ ▬▬ ▬▬ ▬▬▬▬ ▬▬▬ ▬ ▬▬ ▬▬ ▬▬▬▬ ▬▬▬ ▬ ▬▬ ▬▬ ▬▬▬▬ ▬▬▬ ▬ ▬▬ ▬▬ ▬▬▬▬ ▬▬▬ ▬ ▬▬ ▬▬ ▬▬▬▬ ▬▬▬ ▬ ▬▬ ▬▬ ▬▬▬▬ ▬▬▬ ▬ ▬▬ ▬▬ ▬▬▬▬ ▬▬▬ ▬ ▬▬ ▬▬ ▬▬▬▬ ▬▬▬ ▬ ▬▬ ▬▬ ▬▬▬▬ ▬▬▬ ▬ ▬▬ ▬▬ ▬▬▬▬ ▬▬▬ ▬ ▬▬ ▬▬ ▬▬▬▬ ▬▬▬ ▬ ▬▬ ▬▬ ▬▬▬▬ ▬▬▬ ▬ ▬▬ ▬▬ ▬▬▬▬ ▬▬▬ ▬ ▬▬ ▬▬ ▬▬▬▬ ▬▬▬ ▬ ▬▬ ▬▬ ▬▬▬▬ ▬▬▬ ▬ ▬▬ ▬▬ ▬▬▬▬ ▬▬▬ ▬ ▬▬ ▬▬ ▬▬▬▬ ▬▬▬ ▬ ▬▬ ▬▬ ▬▬▬▬ ▬▬▬ ▬ ▬▬ ▬▬ ▬▬▬▬ ▬▬▬ ▬ ▬▬ ▬▬ ▬▬▬▬ ▬▬▬ ▬ ▬▬ ▬▬ ▬▬▬▬ ▬▬▬ ▬ ▬▬ ▬▬ ▬▬▬▬ ▬▬▬ ▬ ▬▬ ▬▬ ▬▬▬▬ ▬▬▬ ▬ ▬▬ ▬▬ ▬▬▬▬ ▬▬▬ ▬ ▬▬ ▬▬ ▬▬▬▬ ▬▬▬ ▬ ▬▬ ▬▬ ▬▬▬▬ ▬▬▬ ▬ ▬▬ ▬▬ ▬▬▬▬ ▬▬▬ ▬ ▬▬ ▬▬ ▬▬▬▬ ▬▬▬ ▬ ▬▬ ▬▬ ▬▬▬▬ ▬▬▬ ▬ ▬▬ ▬▬ ▬▬▬▬ ▬▬▬ ▬ ▬▬ ▬▬ ▬▬▬▬ ▬▬▬ ▬ ▬▬ ▬▬ ▬▬▬▬ ▬▬▬ ▬ ▬▬ ▬▬ ▬▬▬▬ ▬▬▬ ▬ ▬▬ ▬▬ ▬▬▬▬ ▬▬▬ ▬ ▬▬ ▬▬ ▬▬▬▬ ▬▬▬ ▬ ▬▬ ▬▬ ▬▬▬▬ ▬▬▬ ▬ ▬▬ ▬▬ ▬▬▬▬ ▬▬▬ ▬ ▬▬ ▬▬ ▬▬▬▬ ▬▬▬ ▬ ▬▬ ▬▬ ▬▬▬▬ ▬▬▬ ▬ ▬▬ ▬▬ ▬▬▬▬ ▬▬▬ ▬ ▬▬ ▬▬ ▬▬▬▬ ▬▬▬ ▬ ▬▬ ▬▬ ▬▬▬▬ ▬▬▬ ▬ ▬▬ ▬▬ ▬▬▬▬ ▬▬▬ ▬ ▬▬ ▬▬ ▬▬▬▬ ▬▬▬ ▬ ▬▬ ▬▬ ▬▬▬▬ ▬▬▬ ▬ ▬▬ ▬▬ ▬▬▬▬ ▬▬▬ ▬ ▬▬ ▬▬ ▬▬▬▬ ▬▬▬ ▬ ▬▬ ▬▬ ▬▬▬▬ ▬▬▬ ▬ ▬▬ ▬▬ ▬▬▬▬ ▬▬▬ ▬ ▬▬ ▬▬ ▬▬▬▬ ▬▬▬ ▬ ▬▬ ▬▬ ▬▬▬▬ ▬▬▬ ▬ ▬▬ ▬▬ ▬▬▬▬ ▬▬▬ ▬ ▬▬ ▬▬ ▬▬▬▬ ▬▬▬ ▬ ▬▬ ▬▬ ▬▬▬▬ ▬▬▬ ▬ ▬▬ ▬▬ ▬▬▬▬ ▬▬▬ ▬ ▬▬ ▬▬ ▬▬▬▬ ▬▬▬ ▬ ▬▬ ▬▬ ▬▬▬▬ ▬▬▬ ▬ ▬▬ ▬▬ ▬▬▬▬ ▬▬▬ ▬ ▬▬ ▬▬ ▬▬▬▬ ▬▬▬ ▬ ▬▬ ▬▬ ▬▬▬▬ ▬▬▬ ▬ ▬▬ ▬▬ ▬▬▬▬ ▬▬▬ ▬ ▬▬ ▬▬ ▬▬▬▬ ▬▬▬ ▬ ▬▬ ▬▬ ▬▬▬▬ ▬▬▬ ▬ ▬▬ ▬▬ ▬▬▬▬ ▬▬▬ ▬ ▬▬ ▬▬ ▬▬▬▬ ▬▬▬ ▬ ▬▬ ▬▬ ▬▬▬▬ ▬▬▬ ▬ ▬▬ ▬▬ ▬▬▬▬ ▬▬▬ ▬ ▬▬ ▬▬ ▬▬▬▬ ▬▬▬ ▬ ▬▬ ▬▬ ▬▬▬▬ ▬▬▬ ▬ ▬▬ ▬▬ ▬▬▬▬ ▬▬▬ ▬ ▬▬ ▬▬ ▬▬▬▬ ▬▬▬ ▬ ▬▬ ▬▬ ▬▬▬▬ ▬▬▬ ▬ ▬▬ ▬▬ ▬▬▬▬ ▬▬▬ ▬ ▬▬ ▬▬ ▬▬▬▬ ▬▬▬ ▬ ▬▬ ▬▬ ▬▬▬▬ ▬▬▬ ▬ ▬▬ ▬▬ ▬▬▬▬ ▬▬▬ ▬ ▬▬ ▬▬ ▬▬▬▬ ▬▬▬ ▬ ▬▬ ▬▬ ▬▬▬▬ ▬▬▬ ▬ ▬▬ ▬▬ ▬▬▬▬ ▬▬▬ ▬ ▬▬ ▬▬ ▬▬▬▬ ▬▬▬ ▬ ▬▬ ▬▬ ▬▬▬▬ ▬▬▬ ▬ ▬▬ ▬▬ ▬▬▬▬ ▬▬▬ ▬ ▬▬ ▬▬ ▬▬▬▬ ▬▬▬ ▬ ▬▬ ▬▬ ▬▬▬▬ ▬▬▬ ▬ ▬▬ ▬▬ ▬▬▬▬ ▬▬▬ ▬ ▬▬ ▬▬ ▬▬▬▬ ▬▬▬ ▬ ▬▬ ▬▬ ▬▬▬▬ ▬▬▬ ▬ ▬▬ ▬▬ ▬▬▬▬ ▬▬▬ ▬ ▬▬ ▬▬ ▬▬▬▬ ▬▬▬ ▬ ▬▬ ▬▬ ▬▬▬▬ ▬▬▬ ▬ ▬▬ ▬▬ ▬▬▬▬ ▬▬▬ ▬ ▬▬ ▬▬ ▬▬▬▬ ▬▬▬ ▬ ▬▬ ▬▬ ▬▬▬▬ ▬▬▬ ▬ ▬▬ ▬▬ ▬▬▬▬ ▬▬▬ ▬ ▬▬ ▬▬ ▬▬▬▬ ▬▬▬ ▬ ▬▬ ▬▬ ▬▬▬▬ ▬▬▬ ▬ ▬▬ ▬▬ ▬▬▬▬ ▬▬▬ ▬ ▬▬ ▬▬ ▬▬▬▬ ▬▬▬ ▬ ▬▬ ▬▬ ▬▬▬▬ ▬▬▬ ▬ ▬▬ ▬▬ ▬▬▬▬ ▬▬▬ ▬ ▬▬ ▬▬ ▬▬▬▬ ▬▬▬ ▬ ▬▬ ▬▬ ▬▬▬▬ ▬▬▬ ▬ ▬▬ ▬▬ ▬▬▬▬ ▬▬▬ ▬ ▬▬ ▬▬ ▬▬▬▬ ▬▬▬ ▬ ▬▬ ▬▬ ▬▬▬▬ ▬▬▬ ▬ ▬▬ ▬▬ ▬▬▬▬ ▬▬▬ ▬ ▬▬ ▬▬ ▬▬▬▬ ▬▬▬ ▬ ▬▬ ▬▬ ▬▬▬▬ ▬▬▬ ▬ ▬▬ ▬▬ ▬▬▬▬ ▬▬▬ ▬ ▬▬ ▬▬ ▬▬▬▬ ▬▬▬ ▬ ▬▬ ▬▬ ▬▬▬▬ ▬▬▬ ▬ ▬▬ ▬▬ ▬▬▬▬ ▬▬▬ ▬ ▬▬ ▬▬ ▬▬▬▬ ▬▬▬ ▬ ▬▬ ▬▬ ▬▬▬▬ ▬▬▬ ▬ ▬▬ ▬▬ ▬▬▬▬ ▬▬▬ ▬ ▬▬ ▬▬ ▬▬▬▬ ▬▬▬ ▬ ▬▬ ▬▬ ▬▬▬▬ ▬▬▬ ▬ ▬▬ ▬▬ ▬▬▬▬ ▬▬▬ ▬ ▬▬ ▬▬ ▬▬▬▬ ▬▬▬ ▬ ▬▬ ▬▬ ▬▬▬▬ ▬▬▬ ▬ ▬▬ ▬▬ ▬▬▬▬ ▬▬▬ ▬ ▬▬ ▬▬ ▬▬▬▬ ▬▬▬ ▬ ▬▬ ▬▬ ▬▬▬▬ ▬▬▬ ▬ ▬▬ ▬▬ ▬▬▬▬ ▬▬▬ ▬ ▬▬ ▬▬ ▬▬▬▬ ▬▬▬ ▬ ▬▬ ▬▬ ▬▬▬▬ ▬▬▬ ▬ ▬▬ ▬▬ ▬▬▬▬ ▬▬▬ ▬ ▬▬ ▬▬ ▬▬▬▬ ▬▬▬ ▬ ▬▬ ▬▬ ▬▬▬▬ ▬▬▬ ▬ ▬▬ ▬▬ ▬▬▬▬ ▬▬▬ ▬ ▬▬ ▬▬ ▬▬▬▬ ▬▬▬ ▬ ▬▬ ▬▬ ▬▬▬▬ ▬▬▬ ▬ ▬▬ ▬▬ ▬▬▬▬ ▬▬▬ ▬ ▬▬ ▬▬ ▬▬▬▬ ▬▬▬ ▬ ▬▬ ▬▬ ▬▬▬▬ ▬▬▬ ▬ ▬▬ ▬▬ ▬▬▬▬ ▬▬▬ ▬ ▬▬ ▬▬ ▬▬▬▬ ▬▬▬ ▬ ▬▬ ▬▬ ▬▬▬▬ ▬▬▬ ▬ ▬▬ ▬▬ ▬▬▬▬ ▬▬▬ ▬ ▬▬ ▬▬ ▬▬▬▬ ▬▬▬ ▬ ▬▬ ▬▬ ▬▬▬▬ ▬▬▬ ▬ ▬▬ ▬▬ ▬▬▬▬ ▬▬▬ ▬ ▬▬ ▬▬ ▬▬▬▬ ▬▬▬ ▬ ▬▬ ▬▬ ▬▬▬▬ ▬▬▬ ▬ ▬▬ ▬▬ ▬▬▬▬ ▬▬▬ ▬ ▬▬ ▬▬ ▬▬▬▬ ▬▬▬ ▬ ▬▬ ▬▬ ▬▬▬▬ ▬▬▬ ▬ ▬▬ ▬▬ ▬▬▬▬ ▬▬▬ ▬ ▬▬ ▬▬ ▬▬▬▬ ▬▬▬ ▬ ▬▬ ▬▬ ▬▬▬▬ ▬▬▬ ▬ ▬▬ ▬▬ ▬▬▬▬ ▬▬▬ ▬ ▬▬ ▬▬ ▬▬▬▬ ▬▬▬ ▬ ▬▬ ▬▬ ▬▬▬▬ ▬▬▬ ▬ ▬▬ ▬▬ ▬▬▬▬ ▬▬▬ ▬ ▬▬ ▬▬ ▬▬▬▬ ▬▬▬ ▬ ▬▬ ▬▬ ▬▬▬▬ ▬▬▬ ▬ ▬▬ ▬▬ ▬▬▬▬ ▬▬▬ ▬ ▬▬ ▬▬ ▬▬▬▬ ▬▬▬ ▬ ▬▬ ▬▬ ▬▬▬▬ ▬▬▬ ▬ ▬▬ ▬▬ ▬▬▬▬ ▬▬▬ ▬ ▬▬ ▬▬ ▬▬▬▬ ▬▬▬ ▬ ▬▬ ▬▬ ▬▬▬▬ ▬▬▬ ▬ ▬▬ ▬▬ ▬▬▬▬ ▬▬▬ ▬ ▬▬ ▬▬ ▬▬▬▬ ▬▬▬ ▬ ▬▬ ▬▬ ▬▬▬▬ ▬▬▬ ▬ ▬▬ ▬▬ ▬▬▬▬ ▬▬▬ ▬ ▬▬ ▬▬ ▬▬▬▬ ▬▬▬ ▬ ▬▬ ▬▬ ▬▬▬▬ ▬▬▬ ▬ ▬▬ ▬▬ ▬▬▬▬ ▬▬▬ ▬ ▬▬ ▬▬ ▬▬▬▬ ▬▬▬ ▬ ▬▬ ▬▬ ▬▬▬▬ ▬▬▬ ▬ ▬▬ ▬▬ ▬▬▬▬ ▬▬▬ ▬ ▬▬ ▬▬ ▬▬▬▬ ▬▬▬ ▬ ▬▬ ▬▬ ▬▬▬▬ ▬▬▬ ▬ ▬▬ ▬▬ ▬▬▬▬ ▬▬▬ ▬ ▬▬ ▬▬ ▬▬▬▬ ▬▬▬ ▬ ▬▬ ▬▬ ▬▬▬▬ ▬▬▬ ▬ ▬▬ ▬▬ ▬▬▬▬ ▬▬▬ ▬ ▬▬ ▬▬ ▬▬▬▬ ▬▬▬ ▬ ▬▬ ▬▬ ▬▬▬▬ ▬▬▬ ▬ ▬▬ ▬▬ ▬▬▬▬ ▬▬▬ ▬ ▬▬ ▬▬ ▬▬▬▬ ▬▬▬ ▬ ▬▬ ▬▬ ▬▬▬▬ ▬▬▬ ▬ ▬▬ ▬▬ ▬▬▬▬ ▬▬▬ ▬ ▬▬ ▬▬ ▬▬▬▬ ▬▬▬ ▬ ▬▬ ▬▬ ▬▬▬▬ ▬▬▬ ▬ ▬▬ ▬▬ ▬▬▬▬ ▬▬▬ ▬ ▬▬ ▬▬ ▬▬▬▬ ▬▬▬ ▬ ▬▬ ▬▬ ▬▬▬▬ ▬▬▬ ▬ ▬▬ ▬▬ ▬▬▬▬ ▬▬▬ ▬ ▬▬ ▬▬ ▬▬▬▬ ▬▬▬ ▬ ▬▬ ▬▬ ▬▬▬▬ ▬▬▬ ▬ ▬▬ ▬▬ ▬▬▬▬ ▬▬▬ ▬ ▬▬ ▬▬ ▬▬▬▬ ▬▬▬ ▬ ▬▬ ▬▬ ▬▬▬▬ ▬▬▬ ▬ ▬▬ ▬▬ ▬▬▬▬ ▬▬▬ ▬ ▬▬ ▬▬ ▬▬▬▬ ▬▬▬ ▬ ▬▬ ▬▬ ▬▬▬▬ ▬▬▬ ▬ ▬▬ ▬▬ ▬▬▬▬ ▬▬▬ ▬ ▬▬ ▬▬ ▬▬▬▬ ▬▬▬ ▬ ▬▬ ▬▬ ▬▬▬▬ ▬▬▬ ▬ ▬▬ ▬▬ ▬▬▬▬ ▬▬▬ ▬ ▬▬ ▬▬ ▬▬▬▬ ▬▬▬ ▬ ▬▬ ▬▬ ▬▬▬▬ ▬▬▬ ▬ ▬▬ ▬▬ ▬▬▬▬ ▬▬▬ ▬ ▬▬ ▬▬ ▬▬▬▬ ▬▬▬ ▬ ▬▬ ▬▬ ▬▬▬▬ ▬▬▬ ▬ ▬▬ ▬▬ ▬▬▬▬ ▬▬▬ ▬ ▬▬ ▬▬ ▬▬▬▬ ▬▬▬ ▬ ▬▬ ▬▬ ▬▬▬▬ ▬▬▬ ▬ ▬▬ ▬▬ ▬▬▬▬ ▬▬▬ ▬ ▬▬ ▬▬ ▬▬▬▬ ▬▬▬ ▬ ▬▬ ▬▬ ▬▬▬▬ ▬▬▬ ▬ ▬▬ ▬▬ ▬▬▬▬ ▬▬▬ ▬ ▬▬ ▬▬ ▬▬▬▬ ▬▬▬ ▬ ▬▬ ▬▬ ▬▬▬▬ ▬▬▬ ▬ ▬▬ ▬▬ ▬▬▬▬ ▬▬▬ ▬ ▬▬ ▬▬ ▬▬▬▬ ▬▬▬ ▬ ▬▬ ▬▬ ▬▬▬▬ ▬▬▬ ▬ ▬▬ ▬▬ ▬▬▬▬ ▬▬▬ ▬ ▬▬ ▬▬ ▬▬▬▬ ▬▬▬ ▬ ▬▬ ▬▬ ▬▬▬▬ ▬▬▬ ▬ ▬▬ ▬▬ ▬▬▬▬ ▬▬▬ ▬ ▬▬ ▬▬ ▬▬▬▬ ▬▬▬ ▬ ▬▬ ▬▬ ▬▬▬▬ ▬▬▬ ▬ ▬▬ ▬▬ ▬▬▬▬ ▬▬▬ ▬ ▬▬ ▬▬ ▬▬▬▬ ▬▬▬ ▬ ▬▬ ▬▬ ▬▬▬▬ ▬▬▬ ▬ ▬▬ ▬▬ ▬▬▬▬ ▬▬▬ ▬ ▬▬ ▬▬ ▬▬▬▬ ▬▬▬ ▬ ▬▬ ▬▬ ▬▬▬▬ ▬▬▬ ▬ ▬▬ ▬▬ ▬▬▬▬ ▬▬▬ ▬ ▬▬ ▬▬ ▬▬▬▬ ▬▬▬ ▬ ▬▬ ▬▬ ▬▬▬▬ ▬▬▬ ▬ ▬▬ ▬▬ ▬▬▬▬ ▬▬▬ ▬ ▬▬ ▬▬ ▬▬▬▬ ▬▬▬ ▬ ▬▬ ▬▬ ▬▬▬▬ ▬▬▬ ▬ ▬▬ ▬▬ ▬▬▬▬ ▬▬▬ ▬ ▬▬ ▬▬ ▬▬▬▬ ▬▬▬ ▬ ▬▬ ▬▬ ▬▬▬▬ ▬▬▬ ▬ ▬▬ ▬▬ ▬▬▬▬ ▬▬▬ ▬ ▬▬ ▬▬ ▬▬▬▬ ▬▬▬ ▬ ▬▬ ▬▬ ▬▬▬▬ ▬▬▬ ▬ ▬▬ ▬▬ ▬▬▬▬ ▬▬▬ ▬ ▬▬ ▬▬ ▬▬▬▬ ▬▬▬ ▬ ▬▬ ▬▬ ▬▬▬▬ ▬▬▬ ▬ ▬▬ ▬▬ ▬▬▬▬ ▬▬▬ ▬ ▬▬ ▬▬ ▬▬▬▬ ▬▬▬ ▬ ▬▬ ▬▬ ▬▬▬▬ ▬▬▬ ▬ ▬▬ ▬▬ ▬▬▬▬ ▬▬▬ ▬ ▬▬ ▬▬ ▬▬▬▬ ▬▬▬ ▬ ▬▬ ▬▬ ▬▬▬▬ ▬▬▬ ▬ ▬▬ ▬▬ ▬▬▬▬ ▬▬▬ ▬ ▬▬ ▬▬ ▬▬▬▬ ▬▬▬ ▬ ▬▬ ▬▬ ▬▬▬▬ ▬▬▬ ▬ ▬▬ ▬▬ ▬▬▬▬ ▬▬▬ ▬ ▬▬ ▬▬ ▬▬▬▬ ▬▬▬ ▬ ▬▬ ▬▬ ▬▬▬▬ ▬▬▬ ▬ ▬▬ ▬▬ ▬▬▬▬ ▬▬▬ ▬ ▬▬ ▬▬ ▬▬▬▬ ▬▬▬ ▬ ▬▬ ▬▬ ▬▬▬▬ ▬▬▬ ▬ ▬▬ ▬▬ ▬▬▬▬ ▬▬▬ ▬ ▬▬ ▬▬ ▬▬▬▬ ▬▬▬ ▬ ▬▬ ▬▬ ▬▬▬▬ ▬▬▬ ▬ ▬▬ ▬▬ ▬▬▬▬ ▬▬▬ ▬ ▬▬ ▬▬ ▬▬▬▬ ▬▬▬ ▬ ▬▬ ▬▬ ▬▬▬▬ ▬▬▬ ▬ ▬▬ ▬▬ ▬▬▬▬ ▬▬▬ ▬ ▬▬ ▬▬ ▬▬▬▬ ▬▬▬ ▬ ▬▬ ▬▬ ▬▬▬▬ ▬▬▬ ▬ ▬▬ ▬▬ ▬▬▬▬ ▬▬▬ ▬ ▬▬ ▬▬ ▬▬▬▬ ▬▬▬ ▬ ▬▬ ▬▬ ▬▬▬▬ ▬▬▬ ▬ ▬▬ ▬▬ ▬▬▬▬ ▬▬▬ ▬ ▬▬ ▬▬ ▬▬▬▬ ▬▬▬ ▬ ▬▬ ▬▬ ▬▬▬▬ ▬▬▬ ▬ ▬▬ ▬▬ ▬▬▬▬ ▬▬▬ ▬ ▬▬ ▬▬ ▬▬▬▬ ▬▬▬ ▬ ▬▬ ▬▬ ▬▬▬▬ ▬▬▬ ▬ ▬▬ ▬▬ ▬▬▬▬ ▬▬▬ ▬ ▬▬ ▬▬ ▬▬▬▬ ▬▬▬ ▬ ▬▬ ▬▬ ▬▬▬▬ ▬▬▬ ▬ ▬▬ ▬▬ ▬▬▬▬ ▬▬▬ ▬ ▬▬ ▬▬ ▬▬▬▬ ▬▬▬ ▬ ▬▬ ▬▬ ▬▬▬▬ ▬▬▬ ▬ ▬▬ ▬▬ ▬▬▬▬ ▬▬▬ ▬ ▬▬ ▬▬ ▬▬▬▬ ▬▬▬ ▬ ▬▬ ▬▬ ▬▬▬▬ ▬▬▬ ▬ ▬▬ ▬▬ ▬▬▬▬ ▬▬▬ ▬ ▬▬ ▬▬ ▬▬▬▬ ▬▬▬ ▬ ▬▬ ▬▬ ▬▬▬▬ ▬▬▬ ▬ ▬▬ ▬▬ ▬▬▬▬ ▬▬▬ ▬ ▬▬ ▬▬ ▬▬▬▬ ▬▬▬ ▬ ▬▬ ▬▬ ▬▬▬▬ ▬▬▬ ▬ ▬▬ ▬▬ ▬▬▬▬ ▬▬▬ ▬ ▬▬ ▬▬ ▬▬▬▬ ▬▬▬ ▬ ▬▬ ▬▬ ▬▬▬▬ ▬▬▬ ▬ ▬▬ ▬▬ ▬▬▬▬ ▬▬▬ ▬ ▬▬ ▬▬ ▬▬▬▬ ▬▬▬ ▬ ▬▬ ▬▬ ▬▬▬▬ ▬▬▬ ▬ ▬▬ ▬▬ ▬▬▬▬ ▬▬▬ ▬ ▬▬ ▬▬ ▬▬▬▬ ▬▬▬ ▬ ▬▬ ▬▬ ▬▬▬▬ ▬▬▬ ▬ ▬▬ ▬▬ ▬▬▬▬ ▬▬▬ ▬ ▬▬ ▬▬ ▬▬▬▬ ▬▬▬ ▬ ▬▬ ▬▬ ▬▬▬▬ ▬▬▬ ▬ ▬▬ ▬▬ ▬▬▬▬ ▬▬▬ ▬ ▬▬ ▬▬ ▬▬▬▬ ▬▬▬ ▬ ▬▬ ▬▬ ▬▬▬▬ ▬▬▬ ▬ ▬▬ ▬▬ ▬▬▬▬ ▬▬▬ ▬ ▬▬ ▬▬ ▬▬▬▬ ▬▬▬ ▬ ▬▬ ▬▬ ▬▬▬▬ ▬▬▬ ▬ ▬▬ ▬▬ ▬▬▬▬ ▬▬▬ ▬ ▬▬ ▬▬ ▬▬▬▬ ▬▬▬ ▬ ▬▬ ▬▬ ▬▬▬▬ ▬▬▬ ▬ ▬▬ ▬▬ ▬▬▬▬ ▬▬▬ ▬ ▬▬ ▬▬ ▬▬▬▬ ▬▬▬ ▬ ▬▬ ▬▬ ▬▬▬▬ ▬▬▬ ▬ ▬▬ ▬▬ ▬▬▬▬ ▬▬▬ ▬ ▬▬ ▬▬ ▬▬▬▬ ▬▬▬ ▬ ▬▬ ▬▬ ▬▬▬▬ ▬▬▬ ▬ ▬▬ ▬▬ ▬▬▬▬ ▬▬▬ ▬ ▬▬ ▬▬ ▬▬▬▬ ▬▬▬ ▬ ▬▬ ▬▬ ▬▬▬▬ ▬▬▬ ▬ ▬▬ ▬▬ ▬▬▬▬ ▬▬▬ ▬ ▬▬ ▬▬ ▬▬▬▬ ▬▬▬ ▬ ▬▬ ▬▬ ▬▬▬▬ ▬▬▬ ▬ ▬▬ ▬▬ ▬▬▬▬ ▬▬▬ ▬ ▬▬ ▬▬ ▬▬▬▬ ▬▬▬ ▬ ▬▬ ▬▬ ▬▬▬▬ ▬▬▬ ▬ ▬▬ ▬▬ ▬▬▬▬ ▬▬▬ ▬ ▬▬ ▬▬ ▬▬▬▬ ▬▬▬ ▬ ▬▬ ▬▬ ▬▬▬▬ ▬▬▬ ▬ ▬▬ ▬▬ ▬▬▬▬ ▬▬▬ ▬ ▬▬ ▬▬ ▬▬▬▬ ▬▬▬ ▬ ▬▬ ▬▬ ▬▬▬▬ ▬▬▬ ▬ ▬▬ ▬▬ ▬▬▬▬ ▬▬▬ ▬ ▬▬ ▬▬ ▬▬▬▬ ▬▬▬ ▬ ▬▬ ▬▬ ▬▬▬▬ ▬▬▬ ▬ ▬▬ ▬▬ ▬▬▬▬ ▬▬▬ ▬ ▬▬ ▬▬ ▬▬▬▬ ▬▬▬ ▬ ▬▬ ▬▬ ▬▬▬▬ ▬▬▬ ▬ ▬▬ ▬▬ ▬▬▬▬ ▬▬▬ ▬ ▬▬ ▬▬ ▬▬▬▬ ▬▬▬ ▬ ▬▬ ▬▬ ▬▬▬▬ ▬▬▬ ▬ ▬▬ ▬▬ ▬▬▬▬ ▬▬▬ ▬ ▬▬ ▬▬ ▬▬▬▬ ▬▬▬ ▬ ▬▬ ▬▬ ▬▬▬▬ ▬▬▬ ▬ ▬▬ ▬▬ ▬▬▬▬ ▬▬▬ ▬ ▬▬ ▬▬ ▬▬▬▬ ▬▬▬ ▬ ▬▬ ▬▬ ▬▬▬▬ ▬▬▬ ▬ ▬▬ ▬▬ ▬▬▬▬ ▬▬▬ ▬ ▬▬ ▬▬ ▬▬▬▬ ▬▬▬ ▬ ▬▬ ▬▬ ▬▬▬▬ ▬▬▬ ▬ ▬▬ ▬▬ ▬▬▬▬ ▬▬▬ ▬ ▬▬ ▬▬ ▬▬▬▬ ▬▬▬ ▬ ▬▬ ▬▬ ▬▬▬▬ ▬▬▬ ▬ ▬▬ ▬▬ ▬▬▬▬ ▬▬▬ ▬ ▬▬ ▬▬ ▬▬▬▬ ▬▬▬ ▬ ▬▬ ▬▬ ▬▬▬▬ ▬▬▬ ▬ ▬▬ ▬▬ ▬▬▬▬ ▬▬▬ ▬ ▬▬ ▬▬ ▬▬▬▬ ▬▬▬ ▬ ▬▬ ▬▬ ▬▬▬▬ ▬▬▬ ▬ ▬▬ ▬▬ ▬▬▬▬ ▬▬▬ ▬ ▬▬ ▬▬ ▬▬▬▬ ▬▬▬ ▬ ▬▬ ▬▬ ▬▬▬▬ ▬▬▬ ▬ ▬▬ ▬▬ ▬▬▬▬ ▬▬▬ ▬ ▬▬ ▬▬ ▬▬▬▬ ▬▬▬ ▬ ▬▬ ▬▬ ▬▬▬▬ ▬▬▬ ▬ ▬▬ ▬▬ ▬▬▬▬ ▬▬▬ ▬ ▬▬ ▬▬ ▬▬▬▬ ▬▬▬ ▬ ▬▬ ▬▬ ▬▬▬▬ ▬▬▬ ▬ ▬▬ ▬▬ ▬▬▬▬ ▬▬▬ ▬ ▬▬ ▬▬ ▬▬▬▬ ▬▬▬ ▬ ▬▬ ▬▬ ▬▬▬▬ ▬▬▬ ▬ ▬▬ ▬▬ ▬▬▬▬ ▬▬▬ ▬ ▬▬ ▬▬ ▬▬▬▬ ▬▬▬ ▬ ▬▬ ▬▬ ▬▬▬▬ ▬▬▬ ▬ ▬▬ ▬▬ ▬▬▬▬ ▬▬▬ ▬ ▬▬ ▬▬ ▬▬▬▬ ▬▬▬ ▬ ▬▬ ▬▬ ▬▬▬▬ ▬▬▬ ▬ ▬▬ ▬▬ ▬▬▬▬ ▬▬▬ ▬ ▬▬ ▬▬ ▬▬▬▬ ▬▬▬ ▬ ▬▬ ▬▬ ▬▬▬▬ ▬▬▬ ▬ ▬▬ ▬▬ ▬▬▬▬ ▬▬▬ ▬ ▬▬ ▬▬ ▬▬▬▬ ▬▬▬ ▬ ▬▬ ▬▬ ▬▬▬▬ ▬▬▬ ▬ ▬▬ ▬▬ ▬▬▬▬ ▬▬▬ ▬ ▬▬ ▬▬ ▬▬▬▬ ▬▬▬ ▬ ▬▬ ▬▬ ▬▬▬▬ ▬▬▬ ▬ ▬▬ ▬▬ ▬▬▬▬ ▬▬▬ ▬ ▬▬ ▬▬ ▬▬▬▬ ▬▬▬ ▬ ▬▬ ▬▬ ▬▬▬▬ ▬▬▬ ▬ ▬▬ ▬▬ ▬▬▬▬ ▬▬▬ ▬ ▬▬ ▬▬ ▬▬▬▬ ▬▬▬ ▬ ▬▬ ▬▬ ▬▬▬▬ ▬▬▬ ▬ ▬▬ ▬▬ ▬▬▬▬ ▬▬▬ ▬ ▬▬ ▬▬ ▬▬▬▬ ▬▬▬ ▬ ▬▬ ▬▬ ▬▬▬▬ ▬▬▬ ▬ ▬▬ ▬▬ ▬▬▬▬ ▬▬▬ ▬ ▬▬ ▬▬ ▬▬▬▬ ▬▬▬ ▬ ▬▬ ▬▬ ▬▬▬▬ ▬▬▬ ▬ ▬▬ ▬▬ ▬▬▬▬ ▬▬▬ ▬ ▬▬ ▬▬ ▬▬▬▬ ▬▬▬ ▬ ▬▬ ▬▬ ▬▬▬▬ ▬▬▬ ▬ ▬▬ ▬▬ ▬▬▬▬ ▬▬▬ ▬ ▬▬ ▬▬ ▬▬▬▬ ▬▬▬ ▬ ▬▬ ▬▬
▬▬▬▬ ▬▬▬ ▬ ▬▬ ▬▬ ▬▬▬▬ ▬▬▬ ▬ ▬▬ ▬▬ ▬▬▬▬ ▬▬▬ ▬ ▬▬ ▬▬ ▬▬▬▬ ▬▬▬ ▬ ▬▬ ▬▬ ▬▬▬▬ ▬▬▬ ▬ ▬▬ ▬▬ ▬▬▬▬ ▬▬▬ ▬ ▬▬ ▬▬ ▬▬▬▬ ▬▬▬ ▬ ▬▬ ▬▬ ▬▬▬▬ ▬▬▬ ▬ ▬▬ ▬▬ ▬▬▬▬ ▬▬▬ ▬ ▬▬ ▬▬ ▬▬▬▬ ▬▬▬ ▬ ▬▬ ▬▬ ▬▬▬▬ ▬▬▬ ▬ ▬▬ ▬▬ ▬▬▬▬ ▬▬▬ ▬ ▬▬ ▬▬ ▬▬▬▬ ▬▬▬ ▬ ▬▬ ▬▬ ▬▬▬▬ ▬▬▬ ▬ ▬▬ ▬▬ ▬▬▬▬ ▬▬▬ ▬ ▬▬ ▬▬ ▬▬▬▬ ▬▬▬ ▬ ▬▬ ▬▬ ▬▬▬▬ ▬▬▬ ▬ ▬▬ ▬▬ ▬▬▬▬ ▬▬▬ ▬ ▬▬ ▬▬ ▬▬▬▬ ▬▬▬ ▬ ▬▬ ▬▬ ▬▬▬▬ ▬▬▬ ▬ ▬▬ ▬▬ ▬▬▬▬ ▬▬▬ ▬ ▬▬ ▬▬ ▬▬▬▬ ▬▬▬ ▬ ▬▬ ▬▬ ▬▬▬▬ ▬▬▬ ▬ ▬▬ ▬▬ ▬▬▬▬ ▬▬▬ ▬ ▬▬ ▬▬ ▬▬▬▬ ▬▬▬ ▬ ▬▬ ▬▬ ▬▬▬▬ ▬▬▬ ▬ ▬▬ ▬▬ ▬▬▬▬ ▬▬▬ ▬ ▬▬ ▬▬ ▬▬▬▬ ▬▬▬ ▬ ▬▬ ▬▬ ▬▬▬▬ ▬▬▬ ▬ ▬▬ ▬▬ ▬▬▬▬ ▬▬▬ ▬ ▬▬ ▬▬ ▬▬▬▬ ▬▬▬ ▬ ▬▬ ▬▬ ▬▬▬▬ ▬▬▬ ▬ ▬▬ ▬▬ ▬▬▬▬ ▬▬▬ ▬ ▬▬ ▬▬ ▬▬▬▬ ▬▬▬ ▬ ▬▬ ▬▬ ▬▬▬▬ ▬▬▬ ▬ ▬▬ ▬▬ ▬▬▬▬ ▬▬▬ ▬ ▬▬ ▬▬ ▬▬▬▬ ▬▬▬ ▬ ▬▬ ▬▬ ▬▬▬▬ ▬▬▬ ▬ ▬▬ ▬▬ ▬▬▬▬ ▬▬▬ ▬ ▬▬ ▬▬ ▬▬▬▬ ▬▬▬ ▬ ▬▬ ▬▬ ▬▬▬▬ ▬▬▬ ▬ ▬▬ ▬▬ ▬▬▬▬ ▬▬▬ ▬ ▬▬ ▬▬ ▬▬▬▬ ▬▬▬ ▬ ▬▬ ▬▬ ▬▬▬▬ ▬▬▬ ▬ ▬▬ ▬▬ ▬▬▬▬ ▬▬▬ ▬ ▬▬ ▬▬ ▬▬▬▬ ▬▬▬ ▬ ▬▬ ▬▬ ▬▬▬▬ ▬▬▬ ▬ ▬▬ ▬▬ ▬▬▬▬ ▬▬▬ ▬ ▬▬ ▬▬ ▬▬▬▬ ▬▬▬ ▬ ▬▬ ▬▬ ▬▬▬▬ ▬▬▬ ▬ ▬▬ ▬▬ ▬▬▬▬ ▬▬▬ ▬ ▬▬ ▬▬ ▬▬▬▬ ▬▬▬ ▬ ▬▬ ▬▬ ▬▬▬▬ ▬▬▬ ▬ ▬▬ ▬▬ ▬▬▬▬ ▬▬▬ ▬ ▬▬ ▬▬ ▬▬▬▬ ▬▬▬ ▬ ▬▬ ▬▬ ▬▬▬▬ ▬▬▬ ▬ ▬▬ ▬▬ ▬▬▬▬ ▬▬▬ ▬ ▬▬ ▬▬ ▬▬▬▬ ▬▬▬ ▬ ▬▬ ▬▬ ▬▬▬▬ ▬▬▬ ▬ ▬▬ ▬▬ ▬▬▬▬ ▬▬▬ ▬ ▬▬ ▬▬ ▬▬▬▬ ▬▬▬ ▬ ▬▬ ▬▬ ▬▬▬▬ ▬▬▬ ▬ ▬▬ ▬▬ ▬▬▬▬ ▬▬▬ ▬ ▬▬ ▬▬ ▬▬▬▬ ▬▬▬ ▬ ▬▬ ▬▬ ▬▬▬▬ ▬▬▬ ▬ ▬▬ ▬▬ ▬▬▬▬ ▬▬▬ ▬ ▬▬ ▬▬ ▬▬▬▬ ▬▬▬ ▬ ▬▬ ▬▬ ▬▬▬▬ ▬▬▬ ▬ ▬▬ ▬▬ ▬▬▬▬ ▬▬▬ ▬ ▬▬ ▬▬ ▬▬▬▬ ▬▬▬ ▬ ▬▬ ▬▬ ▬▬▬▬ ▬▬▬ ▬ ▬▬ ▬▬ ▬▬▬▬ ▬▬▬ ▬ ▬▬ ▬▬ ▬▬▬▬ ▬▬▬ ▬ ▬▬ ▬▬ ▬▬▬▬ ▬▬▬ ▬ ▬▬ ▬▬ ▬▬▬▬ ▬▬▬ ▬ ▬▬ ▬▬ ▬▬▬▬ ▬▬▬ ▬ ▬▬ ▬▬ ▬▬▬▬ ▬▬▬ ▬ ▬▬ ▬▬ ▬▬▬▬ ▬▬▬ ▬ ▬▬ ▬▬ ▬▬▬▬ ▬▬▬ ▬ ▬▬ ▬▬ ▬▬▬▬ ▬▬▬ ▬ ▬▬ ▬▬ ▬▬▬▬ ▬▬▬ ▬ ▬▬ ▬▬ ▬▬▬▬ ▬▬▬ ▬ ▬▬ ▬▬ ▬▬▬▬ ▬▬▬ ▬ ▬▬ ▬▬ ▬▬▬▬ ▬▬▬ ▬ ▬▬ ▬▬ ▬▬▬▬ ▬▬▬ ▬ ▬▬ ▬▬ ▬▬▬▬ ▬▬▬ ▬ ▬▬ ▬▬ ▬▬▬▬ ▬▬▬ ▬ ▬▬ ▬▬ ▬▬▬▬ ▬▬▬ ▬ ▬▬ ▬▬ ▬▬▬▬ ▬▬▬ ▬ ▬▬ ▬▬ ▬▬▬▬ ▬▬▬ ▬ ▬▬ ▬▬ ▬▬▬▬ ▬▬▬ ▬ ▬▬ ▬▬ ▬▬▬▬ ▬▬▬ ▬ ▬▬ ▬▬ ▬▬▬▬ ▬▬▬ ▬ ▬▬ ▬▬ ▬▬▬▬ ▬▬▬ ▬ ▬▬ ▬▬ ▬▬▬▬ ▬▬▬ ▬ ▬▬ ▬▬ ▬▬▬▬ ▬▬▬ ▬ ▬▬ ▬▬ ▬▬▬▬ ▬▬▬ ▬ ▬▬ ▬▬ ▬▬▬▬ ▬▬▬ ▬ ▬▬ ▬▬ ▬▬▬▬ ▬▬▬ ▬ ▬▬ ▬▬ ▬▬▬▬ ▬▬▬ ▬ ▬▬ ▬▬ ▬▬▬▬ ▬▬▬ ▬ ▬▬ ▬▬ ▬▬▬▬ ▬▬▬ ▬ ▬▬ ▬▬ ▬▬▬▬ ▬▬▬ ▬ ▬▬ ▬▬ ▬▬▬▬ ▬▬▬ ▬ ▬▬ ▬▬ ▬▬▬▬ ▬▬▬ ▬ ▬▬ ▬▬ ▬▬▬▬ ▬▬▬ ▬ ▬▬ ▬▬ ▬▬▬▬ ▬▬▬ ▬ ▬▬ ▬▬ ▬▬▬▬ ▬▬▬ ▬ ▬▬ ▬▬ ▬▬▬▬ ▬▬▬ ▬ ▬▬ ▬▬ ▬▬▬▬ ▬▬▬ ▬ ▬▬ ▬▬ ▬▬▬▬ ▬▬▬ ▬ ▬▬ ▬▬ ▬▬▬▬ ▬▬▬ ▬ ▬▬ ▬▬ ▬▬▬▬ ▬▬▬ ▬ ▬▬ ▬▬ ▬▬▬▬ ▬▬▬ ▬ ▬▬ ▬▬ ▬▬▬▬ ▬▬▬ ▬ ▬▬ ▬▬ ▬▬▬▬ ▬▬▬ ▬ ▬▬ ▬▬ ▬▬▬▬ ▬▬▬ ▬ ▬▬ ▬▬ ▬▬▬▬ ▬▬▬ ▬ ▬▬ ▬▬ ▬▬▬▬ ▬▬▬ ▬ ▬▬ ▬▬ ▬▬▬▬ ▬▬▬ ▬ ▬▬ ▬▬ ▬▬▬▬ ▬▬▬ ▬ ▬▬ ▬▬ ▬▬▬▬ ▬▬▬ ▬ ▬▬ ▬▬ ▬▬▬▬ ▬▬▬ ▬ ▬▬ ▬▬ ▬▬▬▬ ▬▬▬ ▬ ▬▬ ▬▬ ▬▬▬▬ ▬▬▬ ▬ ▬▬ ▬▬ ▬▬▬▬ ▬▬▬ ▬ ▬▬ ▬▬ ▬▬▬▬ ▬▬▬ ▬ ▬▬ ▬▬ ▬▬▬▬ ▬▬▬ ▬ ▬▬ ▬▬ ▬▬▬▬ ▬▬▬ ▬ ▬▬ ▬▬ ▬▬▬▬ ▬▬▬ ▬ ▬▬ ▬▬ ▬▬▬▬ ▬▬▬ ▬ ▬▬ ▬▬ ▬▬▬▬ ▬▬▬ ▬ ▬▬ ▬▬ ▬▬▬▬ ▬▬▬ ▬ ▬▬ ▬▬ ▬▬▬▬ ▬▬▬ ▬ ▬▬ ▬▬ ▬▬▬▬ ▬▬▬ ▬ ▬▬ ▬▬ ▬▬▬▬ ▬▬▬ ▬ ▬▬ ▬▬ ▬▬▬▬ ▬▬▬ ▬ ▬▬ ▬▬ ▬▬▬▬ ▬▬▬ ▬ ▬▬ ▬▬ ▬▬▬▬ ▬▬▬ ▬ ▬▬ ▬▬ ▬▬▬▬ ▬▬▬ ▬ ▬▬ ▬▬ ▬▬▬▬ ▬▬▬ ▬ ▬▬ ▬▬ ▬▬▬▬ ▬▬▬ ▬ ▬▬ ▬▬ ▬▬▬▬ ▬▬▬ ▬ ▬▬ ▬▬ ▬▬▬▬ ▬▬▬ ▬ ▬▬ ▬▬ ▬▬▬▬ ▬▬▬ ▬ ▬▬ ▬▬ ▬▬▬▬ ▬▬▬ ▬ ▬▬ ▬▬ ▬▬▬▬ ▬▬▬ ▬ ▬▬ ▬▬ ▬▬▬▬ ▬▬▬ ▬ ▬▬ ▬▬ ▬▬▬▬ ▬▬▬ ▬ ▬▬ ▬▬ ▬▬▬▬ ▬▬▬ ▬ ▬▬ ▬▬ ▬▬▬▬ ▬▬▬ ▬ ▬▬ ▬▬ ▬▬▬▬ ▬▬▬ ▬ ▬▬ ▬▬ ▬▬▬▬ ▬▬▬ ▬ ▬▬ ▬▬ ▬▬▬▬ ▬▬▬ ▬ ▬▬ ▬▬ ▬▬▬▬ ▬▬▬ ▬ ▬▬ ▬▬ ▬▬▬▬ ▬▬▬ ▬ ▬▬ ▬▬ ▬▬▬▬ ▬▬▬ ▬ ▬▬ ▬▬ ▬▬▬▬ ▬▬▬ ▬ ▬▬ ▬▬ ▬▬▬▬ ▬▬▬ ▬ ▬▬ ▬▬ ▬▬▬▬ ▬▬▬ ▬ ▬▬ ▬▬ ▬▬▬▬ ▬▬▬ ▬ ▬▬ ▬▬ ▬▬▬▬ ▬▬▬ ▬ ▬▬ ▬▬ ▬▬▬▬ ▬▬▬ ▬ ▬▬ ▬▬ ▬▬▬▬ ▬▬▬ ▬ ▬▬ ▬▬ ▬▬▬▬ ▬▬▬ ▬ ▬▬ ▬▬ ▬▬▬▬ ▬▬▬ ▬ ▬▬ ▬▬ ▬▬▬▬ ▬▬▬ ▬ ▬▬ ▬▬ ▬▬▬▬ ▬▬▬ ▬ ▬▬ ▬▬ ▬▬▬▬ ▬▬▬ ▬ ▬▬ ▬▬ ▬▬▬▬ ▬▬▬ ▬ ▬▬ ▬▬ ▬▬▬▬ ▬▬▬ ▬ ▬▬ ▬▬ ▬▬▬▬ ▬▬▬ ▬ ▬▬ ▬▬ ▬▬▬▬ ▬▬▬ ▬ ▬▬ ▬▬ ▬▬▬▬ ▬▬▬ ▬ ▬▬ ▬▬ ▬▬▬▬ ▬▬▬ ▬ ▬▬ ▬▬ ▬▬▬▬ ▬▬▬ ▬ ▬▬ ▬▬ ▬▬▬▬ ▬▬▬ ▬ ▬▬ ▬▬ ▬▬▬▬ ▬▬▬ ▬ ▬▬ ▬▬ ▬▬▬▬ ▬▬▬ ▬ ▬▬ ▬▬ ▬▬▬▬ ▬▬▬ ▬ ▬▬ ▬▬ ▬▬▬▬ ▬▬▬ ▬ ▬▬ ▬▬ ▬▬▬▬ ▬▬▬ ▬ ▬▬ ▬▬ ▬▬▬▬ ▬▬▬ ▬ ▬▬ ▬▬ ▬▬▬▬ ▬▬▬ ▬ ▬▬ ▬▬ ▬▬▬▬ ▬▬▬ ▬ ▬▬ ▬▬ ▬▬▬▬ ▬▬▬ ▬ ▬▬ ▬▬ ▬▬▬▬ ▬▬▬ ▬ ▬▬ ▬▬ ▬▬▬▬ ▬▬▬ ▬ ▬▬ ▬▬ ▬▬▬▬ ▬▬▬ ▬ ▬▬ ▬▬ ▬▬▬▬ ▬▬▬ ▬ ▬▬ ▬▬ ▬▬▬▬ ▬▬▬ ▬ ▬▬ ▬▬ ▬▬▬▬ ▬▬▬ ▬ ▬▬ ▬▬ ▬▬▬▬ ▬▬▬ ▬ ▬▬ ▬▬ ▬▬▬▬ ▬▬▬ ▬ ▬▬ ▬▬ ▬▬▬▬ ▬▬▬ ▬ ▬▬ ▬▬ ▬▬▬▬ ▬▬▬ ▬ ▬▬ ▬▬ ▬▬▬▬ ▬▬▬ ▬ ▬▬ ▬▬ ▬▬▬▬ ▬▬▬ ▬ ▬▬ ▬▬ ▬▬▬▬ ▬▬▬ ▬ ▬▬ ▬▬ ▬▬▬▬ ▬▬▬ ▬ ▬▬ ▬▬ ▬▬▬▬ ▬▬▬ ▬ ▬▬ ▬▬ ▬▬▬▬ ▬▬▬ ▬ ▬▬ ▬▬ ▬▬▬▬ ▬▬▬ ▬ ▬▬ ▬▬ ▬▬▬▬ ▬▬▬ ▬ ▬▬ ▬▬ ▬▬▬▬ ▬▬▬ ▬ ▬▬ ▬▬ ▬▬▬▬ ▬▬▬ ▬ ▬▬ ▬▬ ▬▬▬▬ ▬▬▬ ▬ ▬▬ ▬▬ ▬▬▬▬ ▬▬▬ ▬ ▬▬ ▬▬ ▬▬▬▬ ▬▬▬ ▬ ▬▬ ▬▬ ▬▬▬▬ ▬▬▬ ▬ ▬▬ ▬▬ ▬▬▬▬ ▬▬▬ ▬ ▬▬ ▬▬ ▬▬▬▬ ▬▬▬ ▬ ▬▬ ▬▬ ▬▬▬▬ ▬▬▬ ▬ ▬▬ ▬▬ ▬▬▬▬ ▬▬▬ ▬ ▬▬ ▬▬ ▬▬▬▬ ▬▬▬ ▬ ▬▬ ▬▬ ▬▬▬▬ ▬▬▬ ▬ ▬▬ ▬▬ ▬▬▬▬ ▬▬▬ ▬ ▬▬ ▬▬ ▬▬▬▬ ▬▬▬ ▬ ▬▬ ▬▬ ▬▬▬▬ ▬▬▬ ▬ ▬▬ ▬▬ ▬▬▬▬ ▬▬▬ ▬ ▬▬ ▬▬ ▬▬▬▬ ▬▬▬ ▬ ▬▬ ▬▬ ▬▬▬▬ ▬▬▬ ▬ ▬▬ ▬▬ ▬▬▬▬ ▬▬▬ ▬ ▬▬ ▬▬ ▬▬▬▬ ▬▬▬ ▬ ▬▬ ▬▬ ▬▬▬▬ ▬▬▬ ▬ ▬▬ ▬▬ ▬▬▬▬ ▬▬▬ ▬ ▬▬ ▬▬ ▬▬▬▬ ▬▬▬ ▬ ▬▬ ▬▬ ▬▬▬▬ ▬▬▬ ▬ ▬▬ ▬▬ ▬▬▬▬ ▬▬▬ ▬ ▬▬ ▬▬ ▬▬▬▬ ▬▬▬ ▬ ▬▬ ▬▬ ▬▬▬▬ ▬▬▬ ▬ ▬▬ ▬▬ ▬▬▬▬ ▬▬▬ ▬ ▬▬ ▬▬ ▬▬▬▬ ▬▬▬ ▬ ▬▬ ▬▬ ▬▬▬▬ ▬▬▬ ▬ ▬▬ ▬▬ ▬▬▬▬ ▬▬▬ ▬ ▬▬ ▬▬ ▬▬▬▬ ▬▬▬ ▬ ▬▬ ▬▬ ▬▬▬▬ ▬▬▬ ▬ ▬▬ ▬▬ ▬▬▬▬ ▬▬▬ ▬ ▬▬ ▬▬ ▬▬▬▬ ▬▬▬ ▬ ▬▬ ▬▬ ▬▬▬▬ ▬▬▬ ▬ ▬▬ ▬▬ ▬▬▬▬ ▬▬▬ ▬ ▬▬ ▬▬ ▬▬▬▬ ▬▬▬ ▬ ▬▬ ▬▬ ▬▬▬▬ ▬▬▬ ▬ ▬▬ ▬▬ ▬▬▬▬ ▬▬▬ ▬ ▬▬ ▬▬ ▬▬▬▬ ▬▬▬ ▬ ▬▬ ▬▬ ▬▬▬▬ ▬▬▬ ▬ ▬▬ ▬▬ ▬▬▬▬ ▬▬▬ ▬ ▬▬ ▬▬ ▬▬▬▬ ▬▬▬ ▬ ▬▬ ▬▬ ▬▬▬▬ ▬▬▬ ▬ ▬▬ ▬▬ ▬▬▬▬ ▬▬▬ ▬ ▬▬ ▬▬ ▬▬▬▬ ▬▬▬ ▬ ▬▬ ▬▬ ▬▬▬▬ ▬▬▬ ▬ ▬▬ ▬▬ ▬▬▬▬ ▬▬▬ ▬ ▬▬ ▬▬ ▬▬▬▬ ▬▬▬ ▬ ▬▬ ▬▬ ▬▬▬▬ ▬▬▬ ▬ ▬▬ ▬▬ ▬▬▬▬ ▬▬▬ ▬ ▬▬ ▬▬ ▬▬▬▬ ▬▬▬ ▬ ▬▬ ▬▬ ▬▬▬▬ ▬▬▬ ▬ ▬▬ ▬▬ ▬▬▬▬ ▬▬▬ ▬ ▬▬ ▬▬ ▬▬▬▬ ▬▬▬ ▬ ▬▬ ▬▬ ▬▬▬▬ ▬▬▬ ▬ ▬▬ ▬▬ ▬▬▬▬ ▬▬▬ ▬ ▬▬ ▬▬ ▬▬▬▬ ▬▬▬ ▬ ▬▬ ▬▬ ▬▬▬▬ ▬▬▬ ▬ ▬▬ ▬▬ ▬▬▬▬ ▬▬▬ ▬ ▬▬ ▬▬ ▬▬▬▬ ▬▬▬ ▬ ▬▬ ▬▬ ▬▬▬▬ ▬▬▬ ▬ ▬▬ ▬▬ ▬▬▬▬ ▬▬▬ ▬ ▬▬ ▬▬ ▬▬▬▬ ▬▬▬ ▬ ▬▬ ▬▬ ▬▬▬▬ ▬▬▬ ▬ ▬▬ ▬▬ ▬▬▬▬ ▬▬▬ ▬ ▬▬ ▬▬ ▬▬▬▬ ▬▬▬ ▬ ▬▬ ▬▬ ▬▬▬▬ ▬▬▬ ▬ ▬▬ ▬▬ ▬▬▬▬ ▬▬▬ ▬ ▬▬ ▬▬ ▬▬▬▬ ▬▬▬ ▬ ▬▬ ▬▬ ▬▬▬▬ ▬▬▬ ▬ ▬▬ ▬▬ ▬▬▬▬ ▬▬▬ ▬ ▬▬ ▬▬ ▬▬▬▬ ▬▬▬ ▬ ▬▬ ▬▬ ▬▬▬▬ ▬▬▬ ▬ ▬▬ ▬▬ ▬▬▬▬ ▬▬▬ ▬ ▬▬ ▬▬ ▬▬▬▬ ▬▬▬ ▬ ▬▬ ▬▬ ▬▬▬▬ ▬▬▬ ▬ ▬▬ ▬▬ ▬▬▬▬ ▬▬▬ ▬ ▬▬ ▬▬ ▬▬▬▬ ▬▬▬ ▬ ▬▬ ▬▬ ▬▬▬▬ ▬▬▬ ▬ ▬▬ ▬▬ ▬▬▬▬ ▬▬▬ ▬ ▬▬ ▬▬ ▬▬▬▬ ▬▬▬ ▬ ▬▬ ▬▬ ▬▬▬▬ ▬▬▬ ▬ ▬▬ ▬▬ ▬▬▬▬ ▬▬▬ ▬ ▬▬ ▬▬ ▬▬▬▬ ▬▬▬ ▬ ▬▬ ▬▬ ▬▬▬▬ ▬▬▬ ▬ ▬▬ ▬▬ ▬▬▬▬ ▬▬▬ ▬ ▬▬ ▬▬ ▬▬▬▬ ▬▬▬ ▬ ▬▬ ▬▬ ▬▬▬▬ ▬▬▬ ▬ ▬▬ ▬▬ ▬▬▬▬ ▬▬▬ ▬ ▬▬ ▬▬ ▬▬▬▬ ▬▬▬ ▬ ▬▬ ▬▬ ▬▬▬▬ ▬▬▬ ▬ ▬▬ ▬▬ ▬▬▬▬ ▬▬▬ ▬ ▬▬ ▬▬ ▬▬▬▬ ▬▬▬ ▬ ▬▬ ▬▬ ▬▬▬▬ ▬▬▬ ▬ ▬▬ ▬▬ ▬▬▬▬ ▬▬▬ ▬ ▬▬ ▬▬ ▬▬▬▬ ▬▬▬ ▬ ▬▬ ▬▬ ▬▬▬▬ ▬▬▬
Advertisements.
THEATRE ROYAL.
Lessee ........................ Mr A. T. Dunning.
FOR A SHORT SEASON ONLY.
SATURDAY, 16th APRIL.
H.M.S. PINAFORE.
Mr Walter Reynolds, by special arrangement with Mr J. C. Williamson, is enabled to announce the appearance of the POLLARD JUVENILE LILIPUTIAN OPERA COMPANY.
Prices as usual.	4-13 Manager.
L.O.G.T.
NEW LODGE.
The Installation of the NEW LODGE, advertised for This Evening, in the Templar Hall, will take place in GEE'S SCHOOLROOM at 8 o'clock. Intending members will assemble at 7.30 p.m.
G. M. GRAY, D.D.G.W.C.T.
GREAT AUCKLAND HANDICAP.
McDONALD'S CONSULTATION.
TICKETS 10s EACH
Are going off rapidly. Will CLOSE on the 14th INSTANT.
7469 J. T. McDONALD, Tobacconist, Lyttelton.
J. J. FLEMING'S
NOVELTY CONSULTATION
ON THE EASTER AUCTION, EASTER AND FLYING HANDICAPS. Will close TWELVE O'CLOCK on SATURDAY, the 16th INST., And THE DRAWING Will be held at the ROOMS, HIGH STREET, TRIANGLE, At 3 p.m. on the same day.
Price 1s each.
8069	J. J. FLEMING, Manager.
Dr. McCARTNEY,
OF RANGIORA,
At the request of numerous patients has opened A CONSULTING ROOM IN CHRISTCHURCH, MORE ESPECIALLY FOR THE TREATMENT OF CHILDREN, at MR BIGGS, CHEMIST, HIGH STREET, ON SATURDAYS ONLY,
From 11 a.m. till 4 p.m.	7747
EXCURSION ON GOOD FRIDAY AND EASTER MONDAY.
THE P.S. TITAN
WILL RUN TO PIGEON BAY ON GOOD FRIDAY and EASTER MONDAY.
She will leave Lyttelton on Good Friday at 10 a.m., and on Easter Monday at 9.30 a.m., returning to meet the 5.30 p.m. train from Port.
Return Tickets ............... 5s.
(Available for the day only.)
Refreshments obtainable on board.
8041	CAMERON BROS.
EXCURSION ON EASTER TUESDAY.
THE P.S. TITAN
WILL RUN on TUESDAY NEXT, for LITTLE AKAROA, at 9.30 a.m., returning in time for the 5.30 p.m. train.
Return Tickets ............... 5s.
(Available for the day only.)
Refreshments on board.
8051	CAMERON BROS.
GOOD FRIDAY.
EXCURSION TO LITTLE AKALOA.
THE S.S. AKAROA
Will make an EXCURSION TRIP to LITTLE AKALOA, leaving Lyttelton at 10 a.m., and returning for the evening train to Christchurch.
Return Tickets ............... 5s.
8058	J. McLEAN, Master.
EASTER MONDAY.
HOLIDAY TRIP TO PIGEON BAY AND BACK.
THE S.S. AKAROA
Will make an EXCURSION TRIP on MONDAY, April 18th, to PIGEON BAY, leaving Lyttelton at 9.30 a.m., returning for the evening train to Christchurch.
Return Tickets ............... 5s.
8057	J. McLEAN, Master.
EASTER TUESDAY.
ON TUESDAY NEXT
THE S.S. AKAROA
Will run an AFTERNOON EXCURSION to PORT LEVY, leaving Port on arrival of the 1.30 p.m. train from Christchurch.
Fares—2s 6d for the trip.
8068	JOSEPH McLEAN, Master.
SATURDAY AFTERNOON EXCURSION.
THE S.S. AKAROA
Will run down the Harbor for a Trip on SATURDAY AFTERNOON, on arrival of the 1.25 p.m. train.
Fares for the Trip, 2s 6d.
Passengers by her will be given an opportunity to have some Fishing, Tea, Refreshments, etc. on board at the usual charges.
8067	J. McLEAN, Master.
EASTER EXCURSIONS TO GOVERNOR'S BAY.
THE S.S. LYTTELTON
Will run Trips on GOOD FRIDAY and EASTER MONDAY to Governor's Bay at short intervals.
AGAR & KETTLE	4-14 8338
YEAST AND GRAINS FOR SALE.
STANDARD BREWERY,
South belt.	6039
BANKRUPT ESTATE OF A. GEE, Confectioner.
TENDERS for the Purchase of the BOOK DEBTS in the above Estate will be received up to 12 a.m. on MONDAY NEXT, the 18th inst. Lists can be seen, and all information obtained, at the premises. Tenders not necessarily accepted.
8078	J. H. STRINGER, Trustee.
VOLUNTEER FANCY FAIR
To be held in THE DRILL SHED, ON WEDNESDAY and THURSDAY, APRIL 20th and 21st, 1881.
COMMITTEE: Lieut.-Colonel Packe and Officers.
LADIES' COMMITTEE:
Fancy Stall	Mrs Francis
Books and Pictures	Mrs Bamer
Fancy	Mrs Bamer
Fancy	Mrs Bedwell
Toys and Dolls	Mrs Cooke
Fancy	Mrs Friis
Variety	Mrs Palmer
Fancy	Mrs Wynn
Refreshments	Mesdames Packe and Aston
Poulterer's Stall	Col. Packe
FOUR BANDS
Will relieve each other during the day and evening.
ADMISSION—ONE SHILLING.
8076	H. V. ANSON, Hon. Sec.
Addington Bazaar.
IN AID OF S. MARY'S CHURCH GREAT FUND.
ODDFELLOWS' HALL,
(Opposite Large Hall), Lichfield Street,
EASTER MONDAY AND TUESDAY.
Open from Midday till 11 p.m.
A LARGE VARIETY OF USEFUL AND FANCY ARTICLES.
Admission—Adults, 1s; children over two years, 6d; under ten, free.
8054
